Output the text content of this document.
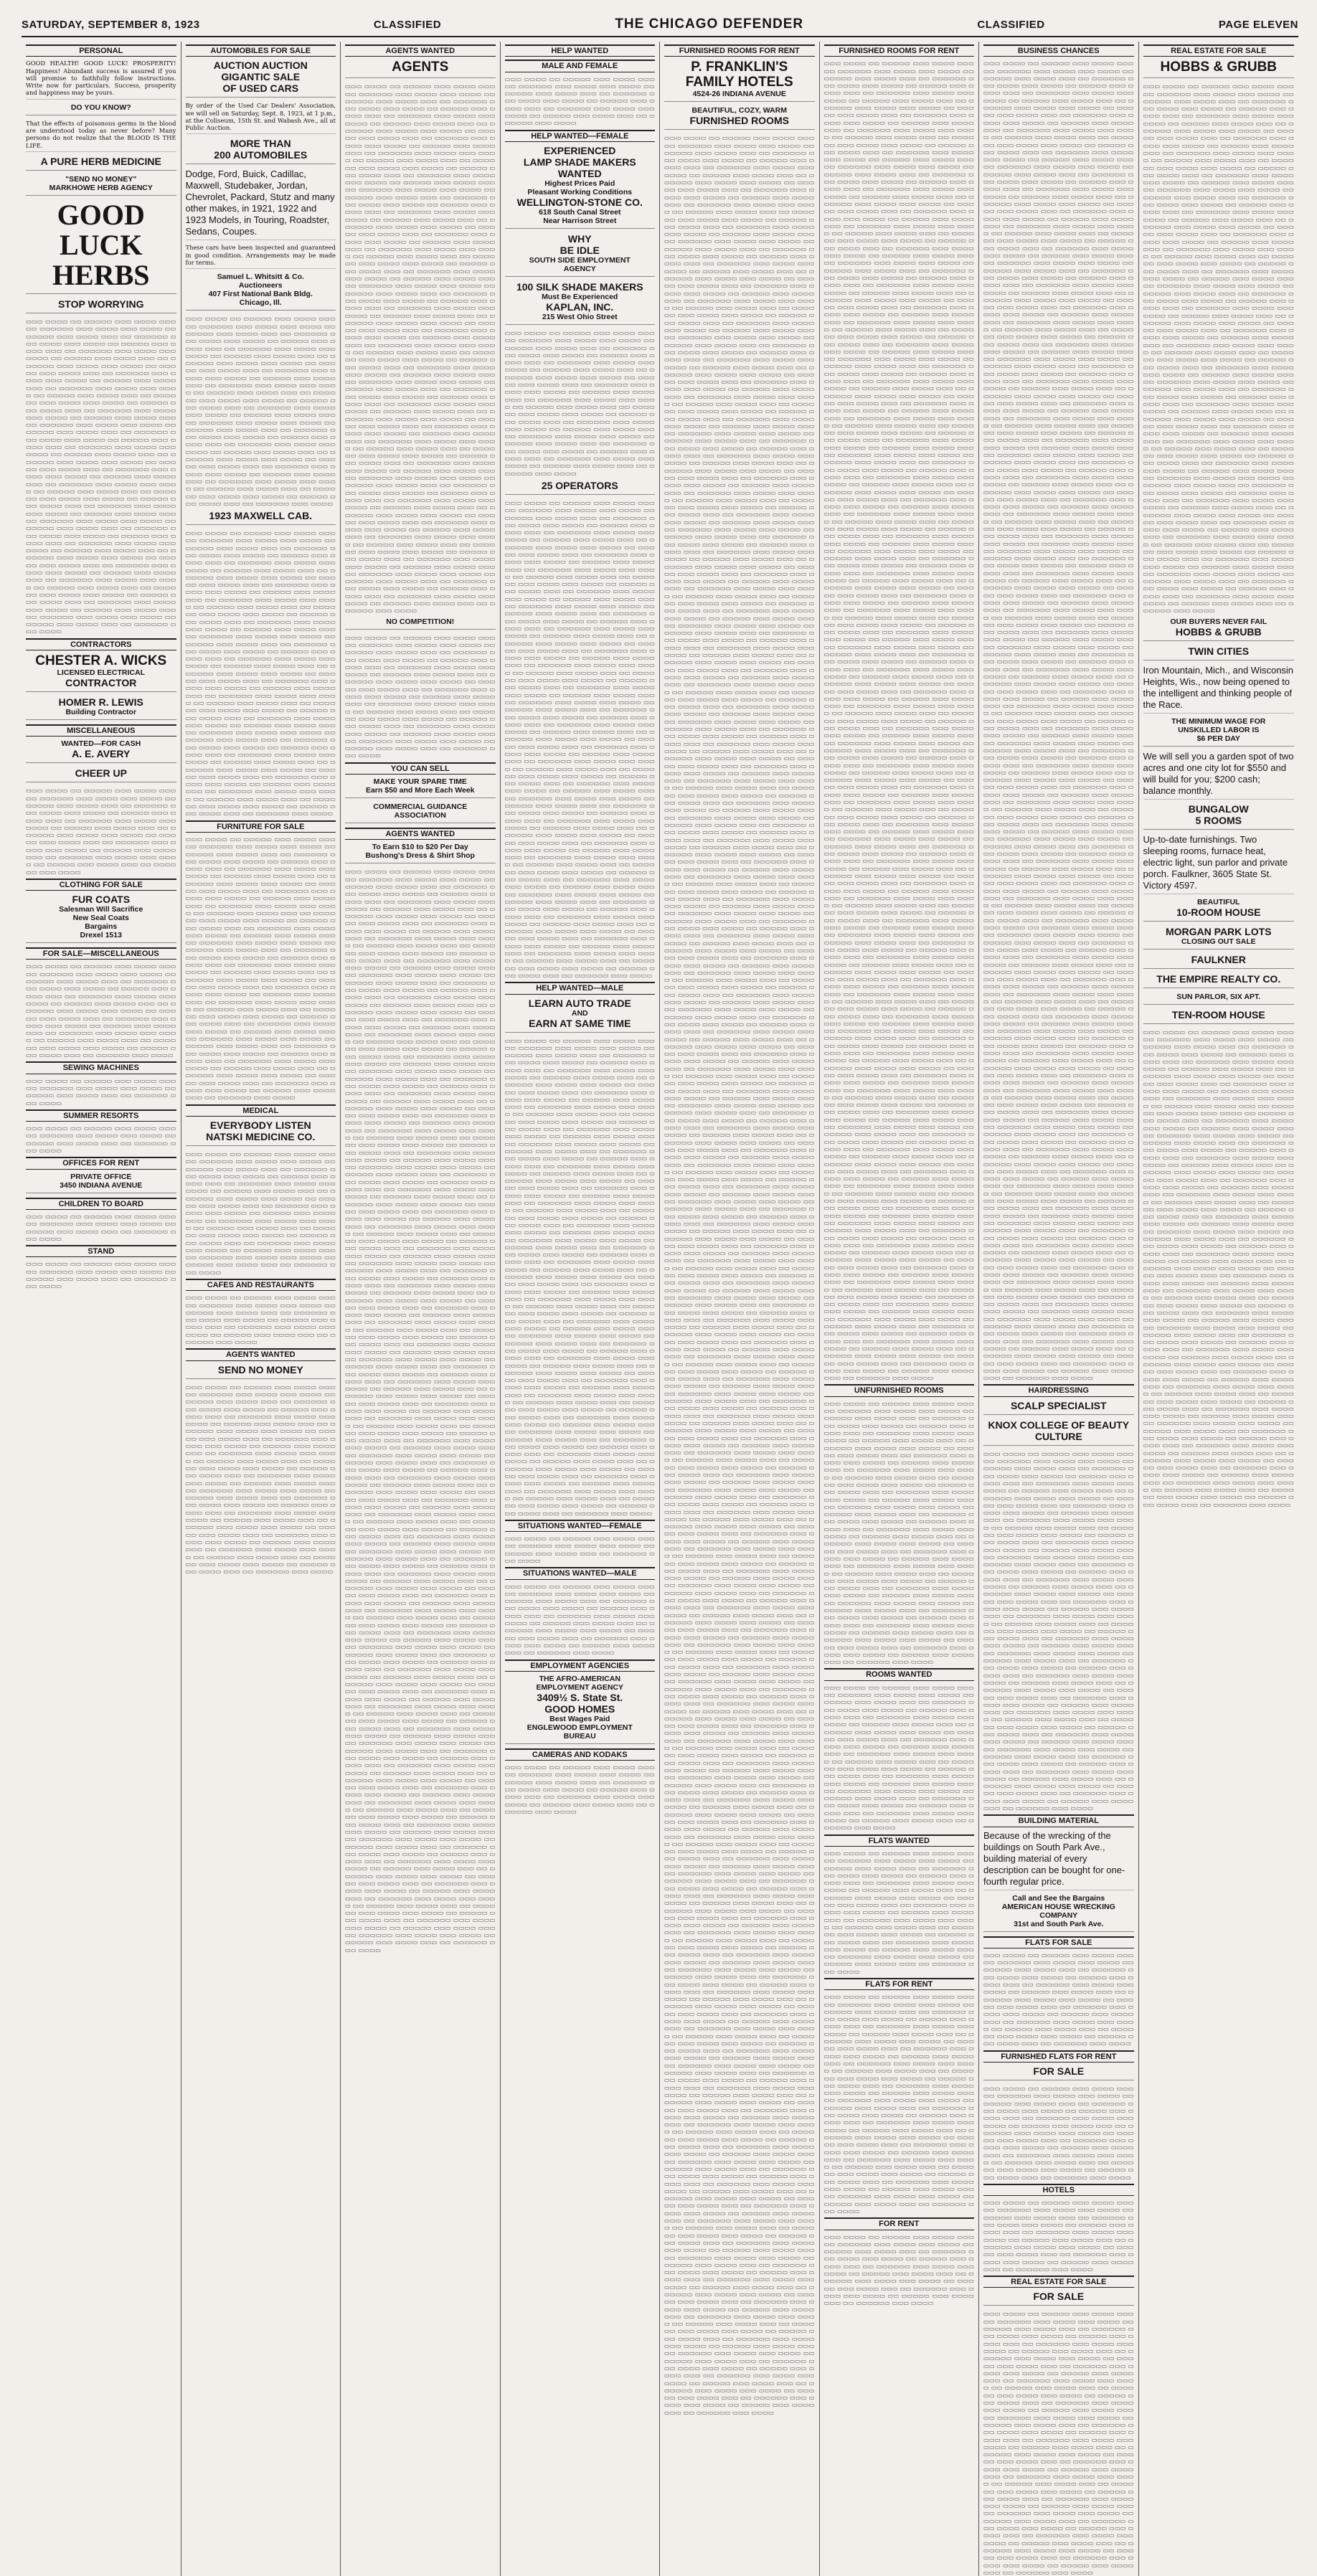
SATURDAY, SEPTEMBER 8, 1923	CLASSIFIED	THE CHICAGO DEFENDER	CLASSIFIED	PAGE ELEVEN
PERSONAL
GOOD HEALTH! GOOD LUCK! PROSPERITY! Happiness! Abundant success is assured if you will promise to faithfully follow instructions. Write now for particulars. Success, prosperity and happiness may be yours.
DO YOU KNOW?
That the effects of poisonous germs in the blood are understood today as never before? Many persons do not realize that the BLOOD IS THE LIFE.
A PURE HERB MEDICINE
"SEND NO MONEY"
MARKHOWE HERB AGENCY
GOOD LUCK
HERBS
STOP WORRYING
▭▭▭ ▭▭▭▭ ▭▭ ▭▭▭▭▭ ▭▭▭ ▭▭▭▭ ▭▭▭ ▭▭ ▭▭▭▭▭▭ ▭▭▭ ▭▭▭▭ ▭▭▭ ▭▭▭▭ ▭▭ ▭▭▭▭▭ ▭▭▭ ▭▭▭▭ ▭▭▭ ▭▭ ▭▭▭▭▭▭ ▭▭▭ ▭▭▭▭ ▭▭▭ ▭▭▭▭ ▭▭ ▭▭▭▭▭ ▭▭▭ ▭▭▭▭ ▭▭▭ ▭▭ ▭▭▭▭▭▭ ▭▭▭ ▭▭▭▭ ▭▭▭ ▭▭▭▭ ▭▭ ▭▭▭▭▭ ▭▭▭ ▭▭▭▭ ▭▭▭ ▭▭ ▭▭▭▭▭▭ ▭▭▭ ▭▭▭▭ ▭▭▭ ▭▭▭▭ ▭▭ ▭▭▭▭▭ ▭▭▭ ▭▭▭▭ ▭▭▭ ▭▭ ▭▭▭▭▭▭ ▭▭▭ ▭▭▭▭ ▭▭▭ ▭▭▭▭ ▭▭ ▭▭▭▭▭ ▭▭▭ ▭▭▭▭ ▭▭▭ ▭▭ ▭▭▭▭▭▭ ▭▭▭ ▭▭▭▭ ▭▭▭ ▭▭▭▭ ▭▭ ▭▭▭▭▭ ▭▭▭ ▭▭▭▭ ▭▭▭ ▭▭ ▭▭▭▭▭▭ ▭▭▭ ▭▭▭▭ ▭▭▭ ▭▭▭▭ ▭▭ ▭▭▭▭▭ ▭▭▭ ▭▭▭▭ ▭▭▭ ▭▭ ▭▭▭▭▭▭ ▭▭▭ ▭▭▭▭ ▭▭▭ ▭▭▭▭ ▭▭ ▭▭▭▭▭ ▭▭▭ ▭▭▭▭ ▭▭▭ ▭▭ ▭▭▭▭▭▭ ▭▭▭ ▭▭▭▭ ▭▭▭ ▭▭▭▭ ▭▭ ▭▭▭▭▭ ▭▭▭ ▭▭▭▭ ▭▭▭ ▭▭ ▭▭▭▭▭▭ ▭▭▭ ▭▭▭▭ ▭▭▭ ▭▭▭▭ ▭▭ ▭▭▭▭▭ ▭▭▭ ▭▭▭▭ ▭▭▭ ▭▭ ▭▭▭▭▭▭ ▭▭▭ ▭▭▭▭ ▭▭▭ ▭▭▭▭ ▭▭ ▭▭▭▭▭ ▭▭▭ ▭▭▭▭ ▭▭▭ ▭▭ ▭▭▭▭▭▭ ▭▭▭ ▭▭▭▭ ▭▭▭ ▭▭▭▭ ▭▭ ▭▭▭▭▭ ▭▭▭ ▭▭▭▭ ▭▭▭ ▭▭ ▭▭▭▭▭▭ ▭▭▭ ▭▭▭▭ ▭▭▭ ▭▭▭▭ ▭▭ ▭▭▭▭▭ ▭▭▭ ▭▭▭▭ ▭▭▭ ▭▭ ▭▭▭▭▭▭ ▭▭▭ ▭▭▭▭ ▭▭▭ ▭▭▭▭ ▭▭ ▭▭▭▭▭ ▭▭▭ ▭▭▭▭ ▭▭▭ ▭▭ ▭▭▭▭▭▭ ▭▭▭ ▭▭▭▭ ▭▭▭ ▭▭▭▭ ▭▭ ▭▭▭▭▭ ▭▭▭ ▭▭▭▭ ▭▭▭ ▭▭ ▭▭▭▭▭▭ ▭▭▭ ▭▭▭▭ ▭▭▭ ▭▭▭▭ ▭▭ ▭▭▭▭▭ ▭▭▭ ▭▭▭▭ ▭▭▭ ▭▭ ▭▭▭▭▭▭ ▭▭▭ ▭▭▭▭ ▭▭▭ ▭▭▭▭ ▭▭ ▭▭▭▭▭ ▭▭▭ ▭▭▭▭ ▭▭▭ ▭▭ ▭▭▭▭▭▭ ▭▭▭ ▭▭▭▭ ▭▭▭ ▭▭▭▭ ▭▭ ▭▭▭▭▭ ▭▭▭ ▭▭▭▭ ▭▭▭ ▭▭ ▭▭▭▭▭▭ ▭▭▭ ▭▭▭▭ ▭▭▭ ▭▭▭▭ ▭▭ ▭▭▭▭▭ ▭▭▭ ▭▭▭▭ ▭▭▭ ▭▭ ▭▭▭▭▭▭ ▭▭▭ ▭▭▭▭ ▭▭▭ ▭▭▭▭ ▭▭ ▭▭▭▭▭ ▭▭▭ ▭▭▭▭ ▭▭▭ ▭▭ ▭▭▭▭▭▭ ▭▭▭ ▭▭▭▭ ▭▭▭ ▭▭▭▭ ▭▭ ▭▭▭▭▭ ▭▭▭ ▭▭▭▭ ▭▭▭ ▭▭ ▭▭▭▭▭▭ ▭▭▭ ▭▭▭▭ ▭▭▭ ▭▭▭▭ ▭▭ ▭▭▭▭▭ ▭▭▭ ▭▭▭▭ ▭▭▭ ▭▭ ▭▭▭▭▭▭ ▭▭▭ ▭▭▭▭ ▭▭▭ ▭▭▭▭ ▭▭ ▭▭▭▭▭ ▭▭▭ ▭▭▭▭ ▭▭▭ ▭▭ ▭▭▭▭▭▭ ▭▭▭ ▭▭▭▭ ▭▭▭ ▭▭▭▭ ▭▭ ▭▭▭▭▭ ▭▭▭ ▭▭▭▭ ▭▭▭ ▭▭ ▭▭▭▭▭▭ ▭▭▭ ▭▭▭▭ ▭▭▭ ▭▭▭▭ ▭▭ ▭▭▭▭▭ ▭▭▭ ▭▭▭▭ ▭▭▭ ▭▭ ▭▭▭▭▭▭ ▭▭▭ ▭▭▭▭
CONTRACTORS
CHESTER A. WICKS
LICENSED ELECTRICAL
CONTRACTOR
HOMER R. LEWIS
Building Contractor
MISCELLANEOUS
WANTED—FOR CASH
A. E. AVERY
CHEER UP
▭▭▭ ▭▭▭▭ ▭▭ ▭▭▭▭▭ ▭▭▭ ▭▭▭▭ ▭▭▭ ▭▭ ▭▭▭▭▭▭ ▭▭▭ ▭▭▭▭ ▭▭▭ ▭▭▭▭ ▭▭ ▭▭▭▭▭ ▭▭▭ ▭▭▭▭ ▭▭▭ ▭▭ ▭▭▭▭▭▭ ▭▭▭ ▭▭▭▭ ▭▭▭ ▭▭▭▭ ▭▭ ▭▭▭▭▭ ▭▭▭ ▭▭▭▭ ▭▭▭ ▭▭ ▭▭▭▭▭▭ ▭▭▭ ▭▭▭▭ ▭▭▭ ▭▭▭▭ ▭▭ ▭▭▭▭▭ ▭▭▭ ▭▭▭▭ ▭▭▭ ▭▭ ▭▭▭▭▭▭ ▭▭▭ ▭▭▭▭ ▭▭▭ ▭▭▭▭ ▭▭ ▭▭▭▭▭ ▭▭▭ ▭▭▭▭ ▭▭▭ ▭▭ ▭▭▭▭▭▭ ▭▭▭ ▭▭▭▭ ▭▭▭ ▭▭▭▭ ▭▭ ▭▭▭▭▭ ▭▭▭ ▭▭▭▭ ▭▭▭ ▭▭ ▭▭▭▭▭▭ ▭▭▭ ▭▭▭▭ ▭▭▭ ▭▭▭▭ ▭▭ ▭▭▭▭▭ ▭▭▭ ▭▭▭▭ ▭▭▭ ▭▭ ▭▭▭▭▭▭ ▭▭▭ ▭▭▭▭
CLOTHING FOR SALE
FUR COATS
Salesman Will Sacrifice
New Seal Coats
Bargains
Drexel 1513
FOR SALE—MISCELLANEOUS
▭▭▭ ▭▭▭▭ ▭▭ ▭▭▭▭▭ ▭▭▭ ▭▭▭▭ ▭▭▭ ▭▭ ▭▭▭▭▭▭ ▭▭▭ ▭▭▭▭ ▭▭▭ ▭▭▭▭ ▭▭ ▭▭▭▭▭ ▭▭▭ ▭▭▭▭ ▭▭▭ ▭▭ ▭▭▭▭▭▭ ▭▭▭ ▭▭▭▭ ▭▭▭ ▭▭▭▭ ▭▭ ▭▭▭▭▭ ▭▭▭ ▭▭▭▭ ▭▭▭ ▭▭ ▭▭▭▭▭▭ ▭▭▭ ▭▭▭▭ ▭▭▭ ▭▭▭▭ ▭▭ ▭▭▭▭▭ ▭▭▭ ▭▭▭▭ ▭▭▭ ▭▭ ▭▭▭▭▭▭ ▭▭▭ ▭▭▭▭ ▭▭▭ ▭▭▭▭ ▭▭ ▭▭▭▭▭ ▭▭▭ ▭▭▭▭ ▭▭▭ ▭▭ ▭▭▭▭▭▭ ▭▭▭ ▭▭▭▭ ▭▭▭ ▭▭▭▭ ▭▭ ▭▭▭▭▭ ▭▭▭ ▭▭▭▭ ▭▭▭ ▭▭ ▭▭▭▭▭▭ ▭▭▭ ▭▭▭▭ ▭▭▭ ▭▭▭▭ ▭▭ ▭▭▭▭▭ ▭▭▭ ▭▭▭▭ ▭▭▭ ▭▭ ▭▭▭▭▭▭ ▭▭▭ ▭▭▭▭ ▭▭▭ ▭▭▭▭ ▭▭ ▭▭▭▭▭ ▭▭▭ ▭▭▭▭ ▭▭▭ ▭▭ ▭▭▭▭▭▭ ▭▭▭ ▭▭▭▭
SEWING MACHINES
▭▭▭ ▭▭▭▭ ▭▭ ▭▭▭▭▭ ▭▭▭ ▭▭▭▭ ▭▭▭ ▭▭ ▭▭▭▭▭▭ ▭▭▭ ▭▭▭▭ ▭▭▭ ▭▭▭▭ ▭▭ ▭▭▭▭▭ ▭▭▭ ▭▭▭▭ ▭▭▭ ▭▭ ▭▭▭▭▭▭ ▭▭▭ ▭▭▭▭
SUMMER RESORTS
▭▭▭ ▭▭▭▭ ▭▭ ▭▭▭▭▭ ▭▭▭ ▭▭▭▭ ▭▭▭ ▭▭ ▭▭▭▭▭▭ ▭▭▭ ▭▭▭▭ ▭▭▭ ▭▭▭▭ ▭▭ ▭▭▭▭▭ ▭▭▭ ▭▭▭▭ ▭▭▭ ▭▭ ▭▭▭▭▭▭ ▭▭▭ ▭▭▭▭
OFFICES FOR RENT
PRIVATE OFFICE
3450 INDIANA AVENUE
CHILDREN TO BOARD
▭▭▭ ▭▭▭▭ ▭▭ ▭▭▭▭▭ ▭▭▭ ▭▭▭▭ ▭▭▭ ▭▭ ▭▭▭▭▭▭ ▭▭▭ ▭▭▭▭ ▭▭▭ ▭▭▭▭ ▭▭ ▭▭▭▭▭ ▭▭▭ ▭▭▭▭ ▭▭▭ ▭▭ ▭▭▭▭▭▭ ▭▭▭ ▭▭▭▭
STAND
▭▭▭ ▭▭▭▭ ▭▭ ▭▭▭▭▭ ▭▭▭ ▭▭▭▭ ▭▭▭ ▭▭ ▭▭▭▭▭▭ ▭▭▭ ▭▭▭▭ ▭▭▭ ▭▭▭▭ ▭▭ ▭▭▭▭▭ ▭▭▭ ▭▭▭▭ ▭▭▭ ▭▭ ▭▭▭▭▭▭ ▭▭▭ ▭▭▭▭
AUTOMOBILES FOR SALE
AUCTION AUCTION
GIGANTIC SALE
OF USED CARS
By order of the Used Car Dealers' Association, we will sell on Saturday, Sept. 8, 1923, at 1 p.m., at the Coliseum, 15th St. and Wabash Ave., all at Public Auction.
MORE THAN
200 AUTOMOBILES
Dodge, Ford, Buick, Cadillac, Maxwell, Studebaker, Jordan, Chevrolet, Packard, Stutz and many other makes, in 1921, 1922 and 1923 Models, in Touring, Roadster, Sedans, Coupes.
These cars have been inspected and guaranteed in good condition. Arrangements may be made for terms.
Samuel L. Whitsitt & Co.
Auctioneers
407 First National Bank Bldg.
Chicago, Ill.
▭▭▭ ▭▭▭▭ ▭▭ ▭▭▭▭▭ ▭▭▭ ▭▭▭▭ ▭▭▭ ▭▭ ▭▭▭▭▭▭ ▭▭▭ ▭▭▭▭ ▭▭▭ ▭▭▭▭ ▭▭ ▭▭▭▭▭ ▭▭▭ ▭▭▭▭ ▭▭▭ ▭▭ ▭▭▭▭▭▭ ▭▭▭ ▭▭▭▭ ▭▭▭ ▭▭▭▭ ▭▭ ▭▭▭▭▭ ▭▭▭ ▭▭▭▭ ▭▭▭ ▭▭ ▭▭▭▭▭▭ ▭▭▭ ▭▭▭▭ ▭▭▭ ▭▭▭▭ ▭▭ ▭▭▭▭▭ ▭▭▭ ▭▭▭▭ ▭▭▭ ▭▭ ▭▭▭▭▭▭ ▭▭▭ ▭▭▭▭ ▭▭▭ ▭▭▭▭ ▭▭ ▭▭▭▭▭ ▭▭▭ ▭▭▭▭ ▭▭▭ ▭▭ ▭▭▭▭▭▭ ▭▭▭ ▭▭▭▭ ▭▭▭ ▭▭▭▭ ▭▭ ▭▭▭▭▭ ▭▭▭ ▭▭▭▭ ▭▭▭ ▭▭ ▭▭▭▭▭▭ ▭▭▭ ▭▭▭▭ ▭▭▭ ▭▭▭▭ ▭▭ ▭▭▭▭▭ ▭▭▭ ▭▭▭▭ ▭▭▭ ▭▭ ▭▭▭▭▭▭ ▭▭▭ ▭▭▭▭ ▭▭▭ ▭▭▭▭ ▭▭ ▭▭▭▭▭ ▭▭▭ ▭▭▭▭ ▭▭▭ ▭▭ ▭▭▭▭▭▭ ▭▭▭ ▭▭▭▭ ▭▭▭ ▭▭▭▭ ▭▭ ▭▭▭▭▭ ▭▭▭ ▭▭▭▭ ▭▭▭ ▭▭ ▭▭▭▭▭▭ ▭▭▭ ▭▭▭▭ ▭▭▭ ▭▭▭▭ ▭▭ ▭▭▭▭▭ ▭▭▭ ▭▭▭▭ ▭▭▭ ▭▭ ▭▭▭▭▭▭ ▭▭▭ ▭▭▭▭ ▭▭▭ ▭▭▭▭ ▭▭ ▭▭▭▭▭ ▭▭▭ ▭▭▭▭ ▭▭▭ ▭▭ ▭▭▭▭▭▭ ▭▭▭ ▭▭▭▭ ▭▭▭ ▭▭▭▭ ▭▭ ▭▭▭▭▭ ▭▭▭ ▭▭▭▭ ▭▭▭ ▭▭ ▭▭▭▭▭▭ ▭▭▭ ▭▭▭▭ ▭▭▭ ▭▭▭▭ ▭▭ ▭▭▭▭▭ ▭▭▭ ▭▭▭▭ ▭▭▭ ▭▭ ▭▭▭▭▭▭ ▭▭▭ ▭▭▭▭ ▭▭▭ ▭▭▭▭ ▭▭ ▭▭▭▭▭ ▭▭▭ ▭▭▭▭ ▭▭▭ ▭▭ ▭▭▭▭▭▭ ▭▭▭ ▭▭▭▭ ▭▭▭ ▭▭▭▭ ▭▭ ▭▭▭▭▭ ▭▭▭ ▭▭▭▭ ▭▭▭ ▭▭ ▭▭▭▭▭▭ ▭▭▭ ▭▭▭▭ ▭▭▭ ▭▭▭▭ ▭▭ ▭▭▭▭▭ ▭▭▭ ▭▭▭▭ ▭▭▭ ▭▭ ▭▭▭▭▭▭ ▭▭▭ ▭▭▭▭
1923 MAXWELL CAB.
▭▭▭ ▭▭▭▭ ▭▭ ▭▭▭▭▭ ▭▭▭ ▭▭▭▭ ▭▭▭ ▭▭ ▭▭▭▭▭▭ ▭▭▭ ▭▭▭▭ ▭▭▭ ▭▭▭▭ ▭▭ ▭▭▭▭▭ ▭▭▭ ▭▭▭▭ ▭▭▭ ▭▭ ▭▭▭▭▭▭ ▭▭▭ ▭▭▭▭ ▭▭▭ ▭▭▭▭ ▭▭ ▭▭▭▭▭ ▭▭▭ ▭▭▭▭ ▭▭▭ ▭▭ ▭▭▭▭▭▭ ▭▭▭ ▭▭▭▭ ▭▭▭ ▭▭▭▭ ▭▭ ▭▭▭▭▭ ▭▭▭ ▭▭▭▭ ▭▭▭ ▭▭ ▭▭▭▭▭▭ ▭▭▭ ▭▭▭▭ ▭▭▭ ▭▭▭▭ ▭▭ ▭▭▭▭▭ ▭▭▭ ▭▭▭▭ ▭▭▭ ▭▭ ▭▭▭▭▭▭ ▭▭▭ ▭▭▭▭ ▭▭▭ ▭▭▭▭ ▭▭ ▭▭▭▭▭ ▭▭▭ ▭▭▭▭ ▭▭▭ ▭▭ ▭▭▭▭▭▭ ▭▭▭ ▭▭▭▭ ▭▭▭ ▭▭▭▭ ▭▭ ▭▭▭▭▭ ▭▭▭ ▭▭▭▭ ▭▭▭ ▭▭ ▭▭▭▭▭▭ ▭▭▭ ▭▭▭▭ ▭▭▭ ▭▭▭▭ ▭▭ ▭▭▭▭▭ ▭▭▭ ▭▭▭▭ ▭▭▭ ▭▭ ▭▭▭▭▭▭ ▭▭▭ ▭▭▭▭ ▭▭▭ ▭▭▭▭ ▭▭ ▭▭▭▭▭ ▭▭▭ ▭▭▭▭ ▭▭▭ ▭▭ ▭▭▭▭▭▭ ▭▭▭ ▭▭▭▭ ▭▭▭ ▭▭▭▭ ▭▭ ▭▭▭▭▭ ▭▭▭ ▭▭▭▭ ▭▭▭ ▭▭ ▭▭▭▭▭▭ ▭▭▭ ▭▭▭▭ ▭▭▭ ▭▭▭▭ ▭▭ ▭▭▭▭▭ ▭▭▭ ▭▭▭▭ ▭▭▭ ▭▭ ▭▭▭▭▭▭ ▭▭▭ ▭▭▭▭ ▭▭▭ ▭▭▭▭ ▭▭ ▭▭▭▭▭ ▭▭▭ ▭▭▭▭ ▭▭▭ ▭▭ ▭▭▭▭▭▭ ▭▭▭ ▭▭▭▭ ▭▭▭ ▭▭▭▭ ▭▭ ▭▭▭▭▭ ▭▭▭ ▭▭▭▭ ▭▭▭ ▭▭ ▭▭▭▭▭▭ ▭▭▭ ▭▭▭▭ ▭▭▭ ▭▭▭▭ ▭▭ ▭▭▭▭▭ ▭▭▭ ▭▭▭▭ ▭▭▭ ▭▭ ▭▭▭▭▭▭ ▭▭▭ ▭▭▭▭ ▭▭▭ ▭▭▭▭ ▭▭ ▭▭▭▭▭ ▭▭▭ ▭▭▭▭ ▭▭▭ ▭▭ ▭▭▭▭▭▭ ▭▭▭ ▭▭▭▭ ▭▭▭ ▭▭▭▭ ▭▭ ▭▭▭▭▭ ▭▭▭ ▭▭▭▭ ▭▭▭ ▭▭ ▭▭▭▭▭▭ ▭▭▭ ▭▭▭▭ ▭▭▭ ▭▭▭▭ ▭▭ ▭▭▭▭▭ ▭▭▭ ▭▭▭▭ ▭▭▭ ▭▭ ▭▭▭▭▭▭ ▭▭▭ ▭▭▭▭ ▭▭▭ ▭▭▭▭ ▭▭ ▭▭▭▭▭ ▭▭▭ ▭▭▭▭ ▭▭▭ ▭▭ ▭▭▭▭▭▭ ▭▭▭ ▭▭▭▭ ▭▭▭ ▭▭▭▭ ▭▭ ▭▭▭▭▭ ▭▭▭ ▭▭▭▭ ▭▭▭ ▭▭ ▭▭▭▭▭▭ ▭▭▭ ▭▭▭▭ ▭▭▭ ▭▭▭▭ ▭▭ ▭▭▭▭▭ ▭▭▭ ▭▭▭▭ ▭▭▭ ▭▭ ▭▭▭▭▭▭ ▭▭▭ ▭▭▭▭ ▭▭▭ ▭▭▭▭ ▭▭ ▭▭▭▭▭ ▭▭▭ ▭▭▭▭ ▭▭▭ ▭▭ ▭▭▭▭▭▭ ▭▭▭ ▭▭▭▭ ▭▭▭ ▭▭▭▭ ▭▭ ▭▭▭▭▭ ▭▭▭ ▭▭▭▭ ▭▭▭ ▭▭ ▭▭▭▭▭▭ ▭▭▭ ▭▭▭▭ ▭▭▭ ▭▭▭▭ ▭▭ ▭▭▭▭▭ ▭▭▭ ▭▭▭▭ ▭▭▭ ▭▭ ▭▭▭▭▭▭ ▭▭▭ ▭▭▭▭ ▭▭▭ ▭▭▭▭ ▭▭ ▭▭▭▭▭ ▭▭▭ ▭▭▭▭ ▭▭▭ ▭▭ ▭▭▭▭▭▭ ▭▭▭ ▭▭▭▭
FURNITURE FOR SALE
▭▭▭ ▭▭▭▭ ▭▭ ▭▭▭▭▭ ▭▭▭ ▭▭▭▭ ▭▭▭ ▭▭ ▭▭▭▭▭▭ ▭▭▭ ▭▭▭▭ ▭▭▭ ▭▭▭▭ ▭▭ ▭▭▭▭▭ ▭▭▭ ▭▭▭▭ ▭▭▭ ▭▭ ▭▭▭▭▭▭ ▭▭▭ ▭▭▭▭ ▭▭▭ ▭▭▭▭ ▭▭ ▭▭▭▭▭ ▭▭▭ ▭▭▭▭ ▭▭▭ ▭▭ ▭▭▭▭▭▭ ▭▭▭ ▭▭▭▭ ▭▭▭ ▭▭▭▭ ▭▭ ▭▭▭▭▭ ▭▭▭ ▭▭▭▭ ▭▭▭ ▭▭ ▭▭▭▭▭▭ ▭▭▭ ▭▭▭▭ ▭▭▭ ▭▭▭▭ ▭▭ ▭▭▭▭▭ ▭▭▭ ▭▭▭▭ ▭▭▭ ▭▭ ▭▭▭▭▭▭ ▭▭▭ ▭▭▭▭ ▭▭▭ ▭▭▭▭ ▭▭ ▭▭▭▭▭ ▭▭▭ ▭▭▭▭ ▭▭▭ ▭▭ ▭▭▭▭▭▭ ▭▭▭ ▭▭▭▭ ▭▭▭ ▭▭▭▭ ▭▭ ▭▭▭▭▭ ▭▭▭ ▭▭▭▭ ▭▭▭ ▭▭ ▭▭▭▭▭▭ ▭▭▭ ▭▭▭▭ ▭▭▭ ▭▭▭▭ ▭▭ ▭▭▭▭▭ ▭▭▭ ▭▭▭▭ ▭▭▭ ▭▭ ▭▭▭▭▭▭ ▭▭▭ ▭▭▭▭ ▭▭▭ ▭▭▭▭ ▭▭ ▭▭▭▭▭ ▭▭▭ ▭▭▭▭ ▭▭▭ ▭▭ ▭▭▭▭▭▭ ▭▭▭ ▭▭▭▭ ▭▭▭ ▭▭▭▭ ▭▭ ▭▭▭▭▭ ▭▭▭ ▭▭▭▭ ▭▭▭ ▭▭ ▭▭▭▭▭▭ ▭▭▭ ▭▭▭▭ ▭▭▭ ▭▭▭▭ ▭▭ ▭▭▭▭▭ ▭▭▭ ▭▭▭▭ ▭▭▭ ▭▭ ▭▭▭▭▭▭ ▭▭▭ ▭▭▭▭ ▭▭▭ ▭▭▭▭ ▭▭ ▭▭▭▭▭ ▭▭▭ ▭▭▭▭ ▭▭▭ ▭▭ ▭▭▭▭▭▭ ▭▭▭ ▭▭▭▭ ▭▭▭ ▭▭▭▭ ▭▭ ▭▭▭▭▭ ▭▭▭ ▭▭▭▭ ▭▭▭ ▭▭ ▭▭▭▭▭▭ ▭▭▭ ▭▭▭▭ ▭▭▭ ▭▭▭▭ ▭▭ ▭▭▭▭▭ ▭▭▭ ▭▭▭▭ ▭▭▭ ▭▭ ▭▭▭▭▭▭ ▭▭▭ ▭▭▭▭ ▭▭▭ ▭▭▭▭ ▭▭ ▭▭▭▭▭ ▭▭▭ ▭▭▭▭ ▭▭▭ ▭▭ ▭▭▭▭▭▭ ▭▭▭ ▭▭▭▭ ▭▭▭ ▭▭▭▭ ▭▭ ▭▭▭▭▭ ▭▭▭ ▭▭▭▭ ▭▭▭ ▭▭ ▭▭▭▭▭▭ ▭▭▭ ▭▭▭▭ ▭▭▭ ▭▭▭▭ ▭▭ ▭▭▭▭▭ ▭▭▭ ▭▭▭▭ ▭▭▭ ▭▭ ▭▭▭▭▭▭ ▭▭▭ ▭▭▭▭ ▭▭▭ ▭▭▭▭ ▭▭ ▭▭▭▭▭ ▭▭▭ ▭▭▭▭ ▭▭▭ ▭▭ ▭▭▭▭▭▭ ▭▭▭ ▭▭▭▭ ▭▭▭ ▭▭▭▭ ▭▭ ▭▭▭▭▭ ▭▭▭ ▭▭▭▭ ▭▭▭ ▭▭ ▭▭▭▭▭▭ ▭▭▭ ▭▭▭▭ ▭▭▭ ▭▭▭▭ ▭▭ ▭▭▭▭▭ ▭▭▭ ▭▭▭▭ ▭▭▭ ▭▭ ▭▭▭▭▭▭ ▭▭▭ ▭▭▭▭ ▭▭▭ ▭▭▭▭ ▭▭ ▭▭▭▭▭ ▭▭▭ ▭▭▭▭ ▭▭▭ ▭▭ ▭▭▭▭▭▭ ▭▭▭ ▭▭▭▭ ▭▭▭ ▭▭▭▭ ▭▭ ▭▭▭▭▭ ▭▭▭ ▭▭▭▭ ▭▭▭ ▭▭ ▭▭▭▭▭▭ ▭▭▭ ▭▭▭▭
MEDICAL
EVERYBODY LISTEN
NATSKI MEDICINE CO.
▭▭▭ ▭▭▭▭ ▭▭ ▭▭▭▭▭ ▭▭▭ ▭▭▭▭ ▭▭▭ ▭▭ ▭▭▭▭▭▭ ▭▭▭ ▭▭▭▭ ▭▭▭ ▭▭▭▭ ▭▭ ▭▭▭▭▭ ▭▭▭ ▭▭▭▭ ▭▭▭ ▭▭ ▭▭▭▭▭▭ ▭▭▭ ▭▭▭▭ ▭▭▭ ▭▭▭▭ ▭▭ ▭▭▭▭▭ ▭▭▭ ▭▭▭▭ ▭▭▭ ▭▭ ▭▭▭▭▭▭ ▭▭▭ ▭▭▭▭ ▭▭▭ ▭▭▭▭ ▭▭ ▭▭▭▭▭ ▭▭▭ ▭▭▭▭ ▭▭▭ ▭▭ ▭▭▭▭▭▭ ▭▭▭ ▭▭▭▭ ▭▭▭ ▭▭▭▭ ▭▭ ▭▭▭▭▭ ▭▭▭ ▭▭▭▭ ▭▭▭ ▭▭ ▭▭▭▭▭▭ ▭▭▭ ▭▭▭▭ ▭▭▭ ▭▭▭▭ ▭▭ ▭▭▭▭▭ ▭▭▭ ▭▭▭▭ ▭▭▭ ▭▭ ▭▭▭▭▭▭ ▭▭▭ ▭▭▭▭ ▭▭▭ ▭▭▭▭ ▭▭ ▭▭▭▭▭ ▭▭▭ ▭▭▭▭ ▭▭▭ ▭▭ ▭▭▭▭▭▭ ▭▭▭ ▭▭▭▭ ▭▭▭ ▭▭▭▭ ▭▭ ▭▭▭▭▭ ▭▭▭ ▭▭▭▭ ▭▭▭ ▭▭ ▭▭▭▭▭▭ ▭▭▭ ▭▭▭▭ ▭▭▭ ▭▭▭▭ ▭▭ ▭▭▭▭▭ ▭▭▭ ▭▭▭▭ ▭▭▭ ▭▭ ▭▭▭▭▭▭ ▭▭▭ ▭▭▭▭ ▭▭▭ ▭▭▭▭ ▭▭ ▭▭▭▭▭ ▭▭▭ ▭▭▭▭ ▭▭▭ ▭▭ ▭▭▭▭▭▭ ▭▭▭ ▭▭▭▭
CAFES AND RESTAURANTS
▭▭▭ ▭▭▭▭ ▭▭ ▭▭▭▭▭ ▭▭▭ ▭▭▭▭ ▭▭▭ ▭▭ ▭▭▭▭▭▭ ▭▭▭ ▭▭▭▭ ▭▭▭ ▭▭▭▭ ▭▭ ▭▭▭▭▭ ▭▭▭ ▭▭▭▭ ▭▭▭ ▭▭ ▭▭▭▭▭▭ ▭▭▭ ▭▭▭▭ ▭▭▭ ▭▭▭▭ ▭▭ ▭▭▭▭▭ ▭▭▭ ▭▭▭▭ ▭▭▭ ▭▭ ▭▭▭▭▭▭ ▭▭▭ ▭▭▭▭ ▭▭▭ ▭▭▭▭ ▭▭ ▭▭▭▭▭ ▭▭▭ ▭▭▭▭ ▭▭▭ ▭▭ ▭▭▭▭▭▭ ▭▭▭ ▭▭▭▭
AGENTS WANTED
SEND NO MONEY
▭▭▭ ▭▭▭▭ ▭▭ ▭▭▭▭▭ ▭▭▭ ▭▭▭▭ ▭▭▭ ▭▭ ▭▭▭▭▭▭ ▭▭▭ ▭▭▭▭ ▭▭▭ ▭▭▭▭ ▭▭ ▭▭▭▭▭ ▭▭▭ ▭▭▭▭ ▭▭▭ ▭▭ ▭▭▭▭▭▭ ▭▭▭ ▭▭▭▭ ▭▭▭ ▭▭▭▭ ▭▭ ▭▭▭▭▭ ▭▭▭ ▭▭▭▭ ▭▭▭ ▭▭ ▭▭▭▭▭▭ ▭▭▭ ▭▭▭▭ ▭▭▭ ▭▭▭▭ ▭▭ ▭▭▭▭▭ ▭▭▭ ▭▭▭▭ ▭▭▭ ▭▭ ▭▭▭▭▭▭ ▭▭▭ ▭▭▭▭ ▭▭▭ ▭▭▭▭ ▭▭ ▭▭▭▭▭ ▭▭▭ ▭▭▭▭ ▭▭▭ ▭▭ ▭▭▭▭▭▭ ▭▭▭ ▭▭▭▭ ▭▭▭ ▭▭▭▭ ▭▭ ▭▭▭▭▭ ▭▭▭ ▭▭▭▭ ▭▭▭ ▭▭ ▭▭▭▭▭▭ ▭▭▭ ▭▭▭▭ ▭▭▭ ▭▭▭▭ ▭▭ ▭▭▭▭▭ ▭▭▭ ▭▭▭▭ ▭▭▭ ▭▭ ▭▭▭▭▭▭ ▭▭▭ ▭▭▭▭ ▭▭▭ ▭▭▭▭ ▭▭ ▭▭▭▭▭ ▭▭▭ ▭▭▭▭ ▭▭▭ ▭▭ ▭▭▭▭▭▭ ▭▭▭ ▭▭▭▭ ▭▭▭ ▭▭▭▭ ▭▭ ▭▭▭▭▭ ▭▭▭ ▭▭▭▭ ▭▭▭ ▭▭ ▭▭▭▭▭▭ ▭▭▭ ▭▭▭▭ ▭▭▭ ▭▭▭▭ ▭▭ ▭▭▭▭▭ ▭▭▭ ▭▭▭▭ ▭▭▭ ▭▭ ▭▭▭▭▭▭ ▭▭▭ ▭▭▭▭ ▭▭▭ ▭▭▭▭ ▭▭ ▭▭▭▭▭ ▭▭▭ ▭▭▭▭ ▭▭▭ ▭▭ ▭▭▭▭▭▭ ▭▭▭ ▭▭▭▭ ▭▭▭ ▭▭▭▭ ▭▭ ▭▭▭▭▭ ▭▭▭ ▭▭▭▭ ▭▭▭ ▭▭ ▭▭▭▭▭▭ ▭▭▭ ▭▭▭▭ ▭▭▭ ▭▭▭▭ ▭▭ ▭▭▭▭▭ ▭▭▭ ▭▭▭▭ ▭▭▭ ▭▭ ▭▭▭▭▭▭ ▭▭▭ ▭▭▭▭ ▭▭▭ ▭▭▭▭ ▭▭ ▭▭▭▭▭ ▭▭▭ ▭▭▭▭ ▭▭▭ ▭▭ ▭▭▭▭▭▭ ▭▭▭ ▭▭▭▭ ▭▭▭ ▭▭▭▭ ▭▭ ▭▭▭▭▭ ▭▭▭ ▭▭▭▭ ▭▭▭ ▭▭ ▭▭▭▭▭▭ ▭▭▭ ▭▭▭▭ ▭▭▭ ▭▭▭▭ ▭▭ ▭▭▭▭▭ ▭▭▭ ▭▭▭▭ ▭▭▭ ▭▭ ▭▭▭▭▭▭ ▭▭▭ ▭▭▭▭
AGENTS WANTED
AGENTS
▭▭▭ ▭▭▭▭ ▭▭ ▭▭▭▭▭ ▭▭▭ ▭▭▭▭ ▭▭▭ ▭▭ ▭▭▭▭▭▭ ▭▭▭ ▭▭▭▭ ▭▭▭ ▭▭▭▭ ▭▭ ▭▭▭▭▭ ▭▭▭ ▭▭▭▭ ▭▭▭ ▭▭ ▭▭▭▭▭▭ ▭▭▭ ▭▭▭▭ ▭▭▭ ▭▭▭▭ ▭▭ ▭▭▭▭▭ ▭▭▭ ▭▭▭▭ ▭▭▭ ▭▭ ▭▭▭▭▭▭ ▭▭▭ ▭▭▭▭ ▭▭▭ ▭▭▭▭ ▭▭ ▭▭▭▭▭ ▭▭▭ ▭▭▭▭ ▭▭▭ ▭▭ ▭▭▭▭▭▭ ▭▭▭ ▭▭▭▭ ▭▭▭ ▭▭▭▭ ▭▭ ▭▭▭▭▭ ▭▭▭ ▭▭▭▭ ▭▭▭ ▭▭ ▭▭▭▭▭▭ ▭▭▭ ▭▭▭▭ ▭▭▭ ▭▭▭▭ ▭▭ ▭▭▭▭▭ ▭▭▭ ▭▭▭▭ ▭▭▭ ▭▭ ▭▭▭▭▭▭ ▭▭▭ ▭▭▭▭ ▭▭▭ ▭▭▭▭ ▭▭ ▭▭▭▭▭ ▭▭▭ ▭▭▭▭ ▭▭▭ ▭▭ ▭▭▭▭▭▭ ▭▭▭ ▭▭▭▭ ▭▭▭ ▭▭▭▭ ▭▭ ▭▭▭▭▭ ▭▭▭ ▭▭▭▭ ▭▭▭ ▭▭ ▭▭▭▭▭▭ ▭▭▭ ▭▭▭▭ ▭▭▭ ▭▭▭▭ ▭▭ ▭▭▭▭▭ ▭▭▭ ▭▭▭▭ ▭▭▭ ▭▭ ▭▭▭▭▭▭ ▭▭▭ ▭▭▭▭ ▭▭▭ ▭▭▭▭ ▭▭ ▭▭▭▭▭ ▭▭▭ ▭▭▭▭ ▭▭▭ ▭▭ ▭▭▭▭▭▭ ▭▭▭ ▭▭▭▭ ▭▭▭ ▭▭▭▭ ▭▭ ▭▭▭▭▭ ▭▭▭ ▭▭▭▭ ▭▭▭ ▭▭ ▭▭▭▭▭▭ ▭▭▭ ▭▭▭▭ ▭▭▭ ▭▭▭▭ ▭▭ ▭▭▭▭▭ ▭▭▭ ▭▭▭▭ ▭▭▭ ▭▭ ▭▭▭▭▭▭ ▭▭▭ ▭▭▭▭ ▭▭▭ ▭▭▭▭ ▭▭ ▭▭▭▭▭ ▭▭▭ ▭▭▭▭ ▭▭▭ ▭▭ ▭▭▭▭▭▭ ▭▭▭ ▭▭▭▭ ▭▭▭ ▭▭▭▭ ▭▭ ▭▭▭▭▭ ▭▭▭ ▭▭▭▭ ▭▭▭ ▭▭ ▭▭▭▭▭▭ ▭▭▭ ▭▭▭▭ ▭▭▭ ▭▭▭▭ ▭▭ ▭▭▭▭▭ ▭▭▭ ▭▭▭▭ ▭▭▭ ▭▭ ▭▭▭▭▭▭ ▭▭▭ ▭▭▭▭ ▭▭▭ ▭▭▭▭ ▭▭ ▭▭▭▭▭ ▭▭▭ ▭▭▭▭ ▭▭▭ ▭▭ ▭▭▭▭▭▭ ▭▭▭ ▭▭▭▭ ▭▭▭ ▭▭▭▭ ▭▭ ▭▭▭▭▭ ▭▭▭ ▭▭▭▭ ▭▭▭ ▭▭ ▭▭▭▭▭▭ ▭▭▭ ▭▭▭▭ ▭▭▭ ▭▭▭▭ ▭▭ ▭▭▭▭▭ ▭▭▭ ▭▭▭▭ ▭▭▭ ▭▭ ▭▭▭▭▭▭ ▭▭▭ ▭▭▭▭ ▭▭▭ ▭▭▭▭ ▭▭ ▭▭▭▭▭ ▭▭▭ ▭▭▭▭ ▭▭▭ ▭▭ ▭▭▭▭▭▭ ▭▭▭ ▭▭▭▭ ▭▭▭ ▭▭▭▭ ▭▭ ▭▭▭▭▭ ▭▭▭ ▭▭▭▭ ▭▭▭ ▭▭ ▭▭▭▭▭▭ ▭▭▭ ▭▭▭▭ ▭▭▭ ▭▭▭▭ ▭▭ ▭▭▭▭▭ ▭▭▭ ▭▭▭▭ ▭▭▭ ▭▭ ▭▭▭▭▭▭ ▭▭▭ ▭▭▭▭ ▭▭▭ ▭▭▭▭ ▭▭ ▭▭▭▭▭ ▭▭▭ ▭▭▭▭ ▭▭▭ ▭▭ ▭▭▭▭▭▭ ▭▭▭ ▭▭▭▭ ▭▭▭ ▭▭▭▭ ▭▭ ▭▭▭▭▭ ▭▭▭ ▭▭▭▭ ▭▭▭ ▭▭ ▭▭▭▭▭▭ ▭▭▭ ▭▭▭▭ ▭▭▭ ▭▭▭▭ ▭▭ ▭▭▭▭▭ ▭▭▭ ▭▭▭▭ ▭▭▭ ▭▭ ▭▭▭▭▭▭ ▭▭▭ ▭▭▭▭ ▭▭▭ ▭▭▭▭ ▭▭ ▭▭▭▭▭ ▭▭▭ ▭▭▭▭ ▭▭▭ ▭▭ ▭▭▭▭▭▭ ▭▭▭ ▭▭▭▭ ▭▭▭ ▭▭▭▭ ▭▭ ▭▭▭▭▭ ▭▭▭ ▭▭▭▭ ▭▭▭ ▭▭ ▭▭▭▭▭▭ ▭▭▭ ▭▭▭▭ ▭▭▭ ▭▭▭▭ ▭▭ ▭▭▭▭▭ ▭▭▭ ▭▭▭▭ ▭▭▭ ▭▭ ▭▭▭▭▭▭ ▭▭▭ ▭▭▭▭ ▭▭▭ ▭▭▭▭ ▭▭ ▭▭▭▭▭ ▭▭▭ ▭▭▭▭ ▭▭▭ ▭▭ ▭▭▭▭▭▭ ▭▭▭ ▭▭▭▭ ▭▭▭ ▭▭▭▭ ▭▭ ▭▭▭▭▭ ▭▭▭ ▭▭▭▭ ▭▭▭ ▭▭ ▭▭▭▭▭▭ ▭▭▭ ▭▭▭▭ ▭▭▭ ▭▭▭▭ ▭▭ ▭▭▭▭▭ ▭▭▭ ▭▭▭▭ ▭▭▭ ▭▭ ▭▭▭▭▭▭ ▭▭▭ ▭▭▭▭ ▭▭▭ ▭▭▭▭ ▭▭ ▭▭▭▭▭ ▭▭▭ ▭▭▭▭ ▭▭▭ ▭▭ ▭▭▭▭▭▭ ▭▭▭ ▭▭▭▭ ▭▭▭ ▭▭▭▭ ▭▭ ▭▭▭▭▭ ▭▭▭ ▭▭▭▭ ▭▭▭ ▭▭ ▭▭▭▭▭▭ ▭▭▭ ▭▭▭▭ ▭▭▭ ▭▭▭▭ ▭▭ ▭▭▭▭▭ ▭▭▭ ▭▭▭▭ ▭▭▭ ▭▭ ▭▭▭▭▭▭ ▭▭▭ ▭▭▭▭ ▭▭▭ ▭▭▭▭ ▭▭ ▭▭▭▭▭ ▭▭▭ ▭▭▭▭ ▭▭▭ ▭▭ ▭▭▭▭▭▭ ▭▭▭ ▭▭▭▭ ▭▭▭ ▭▭▭▭ ▭▭ ▭▭▭▭▭ ▭▭▭ ▭▭▭▭ ▭▭▭ ▭▭ ▭▭▭▭▭▭ ▭▭▭ ▭▭▭▭ ▭▭▭ ▭▭▭▭ ▭▭ ▭▭▭▭▭ ▭▭▭ ▭▭▭▭ ▭▭▭ ▭▭ ▭▭▭▭▭▭ ▭▭▭ ▭▭▭▭ ▭▭▭ ▭▭▭▭ ▭▭ ▭▭▭▭▭ ▭▭▭ ▭▭▭▭ ▭▭▭ ▭▭ ▭▭▭▭▭▭ ▭▭▭ ▭▭▭▭ ▭▭▭ ▭▭▭▭ ▭▭ ▭▭▭▭▭ ▭▭▭ ▭▭▭▭ ▭▭▭ ▭▭ ▭▭▭▭▭▭ ▭▭▭ ▭▭▭▭ ▭▭▭ ▭▭▭▭ ▭▭ ▭▭▭▭▭ ▭▭▭ ▭▭▭▭ ▭▭▭ ▭▭ ▭▭▭▭▭▭ ▭▭▭ ▭▭▭▭ ▭▭▭ ▭▭▭▭ ▭▭ ▭▭▭▭▭ ▭▭▭ ▭▭▭▭ ▭▭▭ ▭▭ ▭▭▭▭▭▭ ▭▭▭ ▭▭▭▭ ▭▭▭ ▭▭▭▭ ▭▭ ▭▭▭▭▭ ▭▭▭ ▭▭▭▭ ▭▭▭ ▭▭ ▭▭▭▭▭▭ ▭▭▭ ▭▭▭▭ ▭▭▭ ▭▭▭▭ ▭▭ ▭▭▭▭▭ ▭▭▭ ▭▭▭▭ ▭▭▭ ▭▭ ▭▭▭▭▭▭ ▭▭▭ ▭▭▭▭ ▭▭▭ ▭▭▭▭ ▭▭ ▭▭▭▭▭ ▭▭▭ ▭▭▭▭ ▭▭▭ ▭▭ ▭▭▭▭▭▭ ▭▭▭ ▭▭▭▭ ▭▭▭ ▭▭▭▭ ▭▭ ▭▭▭▭▭ ▭▭▭ ▭▭▭▭ ▭▭▭ ▭▭ ▭▭▭▭▭▭ ▭▭▭ ▭▭▭▭
NO COMPETITION!
▭▭▭ ▭▭▭▭ ▭▭ ▭▭▭▭▭ ▭▭▭ ▭▭▭▭ ▭▭▭ ▭▭ ▭▭▭▭▭▭ ▭▭▭ ▭▭▭▭ ▭▭▭ ▭▭▭▭ ▭▭ ▭▭▭▭▭ ▭▭▭ ▭▭▭▭ ▭▭▭ ▭▭ ▭▭▭▭▭▭ ▭▭▭ ▭▭▭▭ ▭▭▭ ▭▭▭▭ ▭▭ ▭▭▭▭▭ ▭▭▭ ▭▭▭▭ ▭▭▭ ▭▭ ▭▭▭▭▭▭ ▭▭▭ ▭▭▭▭ ▭▭▭ ▭▭▭▭ ▭▭ ▭▭▭▭▭ ▭▭▭ ▭▭▭▭ ▭▭▭ ▭▭ ▭▭▭▭▭▭ ▭▭▭ ▭▭▭▭ ▭▭▭ ▭▭▭▭ ▭▭ ▭▭▭▭▭ ▭▭▭ ▭▭▭▭ ▭▭▭ ▭▭ ▭▭▭▭▭▭ ▭▭▭ ▭▭▭▭ ▭▭▭ ▭▭▭▭ ▭▭ ▭▭▭▭▭ ▭▭▭ ▭▭▭▭ ▭▭▭ ▭▭ ▭▭▭▭▭▭ ▭▭▭ ▭▭▭▭ ▭▭▭ ▭▭▭▭ ▭▭ ▭▭▭▭▭ ▭▭▭ ▭▭▭▭ ▭▭▭ ▭▭ ▭▭▭▭▭▭ ▭▭▭ ▭▭▭▭ ▭▭▭ ▭▭▭▭ ▭▭ ▭▭▭▭▭ ▭▭▭ ▭▭▭▭ ▭▭▭ ▭▭ ▭▭▭▭▭▭ ▭▭▭ ▭▭▭▭ ▭▭▭ ▭▭▭▭ ▭▭ ▭▭▭▭▭ ▭▭▭ ▭▭▭▭ ▭▭▭ ▭▭ ▭▭▭▭▭▭ ▭▭▭ ▭▭▭▭ ▭▭▭ ▭▭▭▭ ▭▭ ▭▭▭▭▭ ▭▭▭ ▭▭▭▭ ▭▭▭ ▭▭ ▭▭▭▭▭▭ ▭▭▭ ▭▭▭▭
YOU CAN SELL
MAKE YOUR SPARE TIME
Earn $50 and More Each Week
COMMERCIAL GUIDANCE
ASSOCIATION
AGENTS WANTED
To Earn $10 to $20 Per Day
Bushong's Dress & Shirt Shop
▭▭▭ ▭▭▭▭ ▭▭ ▭▭▭▭▭ ▭▭▭ ▭▭▭▭ ▭▭▭ ▭▭ ▭▭▭▭▭▭ ▭▭▭ ▭▭▭▭ ▭▭▭ ▭▭▭▭ ▭▭ ▭▭▭▭▭ ▭▭▭ ▭▭▭▭ ▭▭▭ ▭▭ ▭▭▭▭▭▭ ▭▭▭ ▭▭▭▭ ▭▭▭ ▭▭▭▭ ▭▭ ▭▭▭▭▭ ▭▭▭ ▭▭▭▭ ▭▭▭ ▭▭ ▭▭▭▭▭▭ ▭▭▭ ▭▭▭▭ ▭▭▭ ▭▭▭▭ ▭▭ ▭▭▭▭▭ ▭▭▭ ▭▭▭▭ ▭▭▭ ▭▭ ▭▭▭▭▭▭ ▭▭▭ ▭▭▭▭ ▭▭▭ ▭▭▭▭ ▭▭ ▭▭▭▭▭ ▭▭▭ ▭▭▭▭ ▭▭▭ ▭▭ ▭▭▭▭▭▭ ▭▭▭ ▭▭▭▭ ▭▭▭ ▭▭▭▭ ▭▭ ▭▭▭▭▭ ▭▭▭ ▭▭▭▭ ▭▭▭ ▭▭ ▭▭▭▭▭▭ ▭▭▭ ▭▭▭▭ ▭▭▭ ▭▭▭▭ ▭▭ ▭▭▭▭▭ ▭▭▭ ▭▭▭▭ ▭▭▭ ▭▭ ▭▭▭▭▭▭ ▭▭▭ ▭▭▭▭ ▭▭▭ ▭▭▭▭ ▭▭ ▭▭▭▭▭ ▭▭▭ ▭▭▭▭ ▭▭▭ ▭▭ ▭▭▭▭▭▭ ▭▭▭ ▭▭▭▭ ▭▭▭ ▭▭▭▭ ▭▭ ▭▭▭▭▭ ▭▭▭ ▭▭▭▭ ▭▭▭ ▭▭ ▭▭▭▭▭▭ ▭▭▭ ▭▭▭▭ ▭▭▭ ▭▭▭▭ ▭▭ ▭▭▭▭▭ ▭▭▭ ▭▭▭▭ ▭▭▭ ▭▭ ▭▭▭▭▭▭ ▭▭▭ ▭▭▭▭ ▭▭▭ ▭▭▭▭ ▭▭ ▭▭▭▭▭ ▭▭▭ ▭▭▭▭ ▭▭▭ ▭▭ ▭▭▭▭▭▭ ▭▭▭ ▭▭▭▭ ▭▭▭ ▭▭▭▭ ▭▭ ▭▭▭▭▭ ▭▭▭ ▭▭▭▭ ▭▭▭ ▭▭ ▭▭▭▭▭▭ ▭▭▭ ▭▭▭▭ ▭▭▭ ▭▭▭▭ ▭▭ ▭▭▭▭▭ ▭▭▭ ▭▭▭▭ ▭▭▭ ▭▭ ▭▭▭▭▭▭ ▭▭▭ ▭▭▭▭ ▭▭▭ ▭▭▭▭ ▭▭ ▭▭▭▭▭ ▭▭▭ ▭▭▭▭ ▭▭▭ ▭▭ ▭▭▭▭▭▭ ▭▭▭ ▭▭▭▭ ▭▭▭ ▭▭▭▭ ▭▭ ▭▭▭▭▭ ▭▭▭ ▭▭▭▭ ▭▭▭ ▭▭ ▭▭▭▭▭▭ ▭▭▭ ▭▭▭▭ ▭▭▭ ▭▭▭▭ ▭▭ ▭▭▭▭▭ ▭▭▭ ▭▭▭▭ ▭▭▭ ▭▭ ▭▭▭▭▭▭ ▭▭▭ ▭▭▭▭ ▭▭▭ ▭▭▭▭ ▭▭ ▭▭▭▭▭ ▭▭▭ ▭▭▭▭ ▭▭▭ ▭▭ ▭▭▭▭▭▭ ▭▭▭ ▭▭▭▭ ▭▭▭ ▭▭▭▭ ▭▭ ▭▭▭▭▭ ▭▭▭ ▭▭▭▭ ▭▭▭ ▭▭ ▭▭▭▭▭▭ ▭▭▭ ▭▭▭▭ ▭▭▭ ▭▭▭▭ ▭▭ ▭▭▭▭▭ ▭▭▭ ▭▭▭▭ ▭▭▭ ▭▭ ▭▭▭▭▭▭ ▭▭▭ ▭▭▭▭ ▭▭▭ ▭▭▭▭ ▭▭ ▭▭▭▭▭ ▭▭▭ ▭▭▭▭ ▭▭▭ ▭▭ ▭▭▭▭▭▭ ▭▭▭ ▭▭▭▭ ▭▭▭ ▭▭▭▭ ▭▭ ▭▭▭▭▭ ▭▭▭ ▭▭▭▭ ▭▭▭ ▭▭ ▭▭▭▭▭▭ ▭▭▭ ▭▭▭▭ ▭▭▭ ▭▭▭▭ ▭▭ ▭▭▭▭▭ ▭▭▭ ▭▭▭▭ ▭▭▭ ▭▭ ▭▭▭▭▭▭ ▭▭▭ ▭▭▭▭ ▭▭▭ ▭▭▭▭ ▭▭ ▭▭▭▭▭ ▭▭▭ ▭▭▭▭ ▭▭▭ ▭▭ ▭▭▭▭▭▭ ▭▭▭ ▭▭▭▭ ▭▭▭ ▭▭▭▭ ▭▭ ▭▭▭▭▭ ▭▭▭ ▭▭▭▭ ▭▭▭ ▭▭ ▭▭▭▭▭▭ ▭▭▭ ▭▭▭▭ ▭▭▭ ▭▭▭▭ ▭▭ ▭▭▭▭▭ ▭▭▭ ▭▭▭▭ ▭▭▭ ▭▭ ▭▭▭▭▭▭ ▭▭▭ ▭▭▭▭ ▭▭▭ ▭▭▭▭ ▭▭ ▭▭▭▭▭ ▭▭▭ ▭▭▭▭ ▭▭▭ ▭▭ ▭▭▭▭▭▭ ▭▭▭ ▭▭▭▭ ▭▭▭ ▭▭▭▭ ▭▭ ▭▭▭▭▭ ▭▭▭ ▭▭▭▭ ▭▭▭ ▭▭ ▭▭▭▭▭▭ ▭▭▭ ▭▭▭▭ ▭▭▭ ▭▭▭▭ ▭▭ ▭▭▭▭▭ ▭▭▭ ▭▭▭▭ ▭▭▭ ▭▭ ▭▭▭▭▭▭ ▭▭▭ ▭▭▭▭ ▭▭▭ ▭▭▭▭ ▭▭ ▭▭▭▭▭ ▭▭▭ ▭▭▭▭ ▭▭▭ ▭▭ ▭▭▭▭▭▭ ▭▭▭ ▭▭▭▭ ▭▭▭ ▭▭▭▭ ▭▭ ▭▭▭▭▭ ▭▭▭ ▭▭▭▭ ▭▭▭ ▭▭ ▭▭▭▭▭▭ ▭▭▭ ▭▭▭▭ ▭▭▭ ▭▭▭▭ ▭▭ ▭▭▭▭▭ ▭▭▭ ▭▭▭▭ ▭▭▭ ▭▭ ▭▭▭▭▭▭ ▭▭▭ ▭▭▭▭ ▭▭▭ ▭▭▭▭ ▭▭ ▭▭▭▭▭ ▭▭▭ ▭▭▭▭ ▭▭▭ ▭▭ ▭▭▭▭▭▭ ▭▭▭ ▭▭▭▭ ▭▭▭ ▭▭▭▭ ▭▭ ▭▭▭▭▭ ▭▭▭ ▭▭▭▭ ▭▭▭ ▭▭ ▭▭▭▭▭▭ ▭▭▭ ▭▭▭▭ ▭▭▭ ▭▭▭▭ ▭▭ ▭▭▭▭▭ ▭▭▭ ▭▭▭▭ ▭▭▭ ▭▭ ▭▭▭▭▭▭ ▭▭▭ ▭▭▭▭ ▭▭▭ ▭▭▭▭ ▭▭ ▭▭▭▭▭ ▭▭▭ ▭▭▭▭ ▭▭▭ ▭▭ ▭▭▭▭▭▭ ▭▭▭ ▭▭▭▭ ▭▭▭ ▭▭▭▭ ▭▭ ▭▭▭▭▭ ▭▭▭ ▭▭▭▭ ▭▭▭ ▭▭ ▭▭▭▭▭▭ ▭▭▭ ▭▭▭▭ ▭▭▭ ▭▭▭▭ ▭▭ ▭▭▭▭▭ ▭▭▭ ▭▭▭▭ ▭▭▭ ▭▭ ▭▭▭▭▭▭ ▭▭▭ ▭▭▭▭ ▭▭▭ ▭▭▭▭ ▭▭ ▭▭▭▭▭ ▭▭▭ ▭▭▭▭ ▭▭▭ ▭▭ ▭▭▭▭▭▭ ▭▭▭ ▭▭▭▭ ▭▭▭ ▭▭▭▭ ▭▭ ▭▭▭▭▭ ▭▭▭ ▭▭▭▭ ▭▭▭ ▭▭ ▭▭▭▭▭▭ ▭▭▭ ▭▭▭▭ ▭▭▭ ▭▭▭▭ ▭▭ ▭▭▭▭▭ ▭▭▭ ▭▭▭▭ ▭▭▭ ▭▭ ▭▭▭▭▭▭ ▭▭▭ ▭▭▭▭ ▭▭▭ ▭▭▭▭ ▭▭ ▭▭▭▭▭ ▭▭▭ ▭▭▭▭ ▭▭▭ ▭▭ ▭▭▭▭▭▭ ▭▭▭ ▭▭▭▭ ▭▭▭ ▭▭▭▭ ▭▭ ▭▭▭▭▭ ▭▭▭ ▭▭▭▭ ▭▭▭ ▭▭ ▭▭▭▭▭▭ ▭▭▭ ▭▭▭▭ ▭▭▭ ▭▭▭▭ ▭▭ ▭▭▭▭▭ ▭▭▭ ▭▭▭▭ ▭▭▭ ▭▭ ▭▭▭▭▭▭ ▭▭▭ ▭▭▭▭ ▭▭▭ ▭▭▭▭ ▭▭ ▭▭▭▭▭ ▭▭▭ ▭▭▭▭ ▭▭▭ ▭▭ ▭▭▭▭▭▭ ▭▭▭ ▭▭▭▭ ▭▭▭ ▭▭▭▭ ▭▭ ▭▭▭▭▭ ▭▭▭ ▭▭▭▭ ▭▭▭ ▭▭ ▭▭▭▭▭▭ ▭▭▭ ▭▭▭▭ ▭▭▭ ▭▭▭▭ ▭▭ ▭▭▭▭▭ ▭▭▭ ▭▭▭▭ ▭▭▭ ▭▭ ▭▭▭▭▭▭ ▭▭▭ ▭▭▭▭ ▭▭▭ ▭▭▭▭ ▭▭ ▭▭▭▭▭ ▭▭▭ ▭▭▭▭ ▭▭▭ ▭▭ ▭▭▭▭▭▭ ▭▭▭ ▭▭▭▭ ▭▭▭ ▭▭▭▭ ▭▭ ▭▭▭▭▭ ▭▭▭ ▭▭▭▭ ▭▭▭ ▭▭ ▭▭▭▭▭▭ ▭▭▭ ▭▭▭▭ ▭▭▭ ▭▭▭▭ ▭▭ ▭▭▭▭▭ ▭▭▭ ▭▭▭▭ ▭▭▭ ▭▭ ▭▭▭▭▭▭ ▭▭▭ ▭▭▭▭ ▭▭▭ ▭▭▭▭ ▭▭ ▭▭▭▭▭ ▭▭▭ ▭▭▭▭ ▭▭▭ ▭▭ ▭▭▭▭▭▭ ▭▭▭ ▭▭▭▭ ▭▭▭ ▭▭▭▭ ▭▭ ▭▭▭▭▭ ▭▭▭ ▭▭▭▭ ▭▭▭ ▭▭ ▭▭▭▭▭▭ ▭▭▭ ▭▭▭▭ ▭▭▭ ▭▭▭▭ ▭▭ ▭▭▭▭▭ ▭▭▭ ▭▭▭▭ ▭▭▭ ▭▭ ▭▭▭▭▭▭ ▭▭▭ ▭▭▭▭ ▭▭▭ ▭▭▭▭ ▭▭ ▭▭▭▭▭ ▭▭▭ ▭▭▭▭ ▭▭▭ ▭▭ ▭▭▭▭▭▭ ▭▭▭ ▭▭▭▭ ▭▭▭ ▭▭▭▭ ▭▭ ▭▭▭▭▭ ▭▭▭ ▭▭▭▭ ▭▭▭ ▭▭ ▭▭▭▭▭▭ ▭▭▭ ▭▭▭▭ ▭▭▭ ▭▭▭▭ ▭▭ ▭▭▭▭▭ ▭▭▭ ▭▭▭▭ ▭▭▭ ▭▭ ▭▭▭▭▭▭ ▭▭▭ ▭▭▭▭ ▭▭▭ ▭▭▭▭ ▭▭ ▭▭▭▭▭ ▭▭▭ ▭▭▭▭ ▭▭▭ ▭▭ ▭▭▭▭▭▭ ▭▭▭ ▭▭▭▭ ▭▭▭ ▭▭▭▭ ▭▭ ▭▭▭▭▭ ▭▭▭ ▭▭▭▭ ▭▭▭ ▭▭ ▭▭▭▭▭▭ ▭▭▭ ▭▭▭▭ ▭▭▭ ▭▭▭▭ ▭▭ ▭▭▭▭▭ ▭▭▭ ▭▭▭▭ ▭▭▭ ▭▭ ▭▭▭▭▭▭ ▭▭▭ ▭▭▭▭ ▭▭▭ ▭▭▭▭ ▭▭ ▭▭▭▭▭ ▭▭▭ ▭▭▭▭ ▭▭▭ ▭▭ ▭▭▭▭▭▭ ▭▭▭ ▭▭▭▭ ▭▭▭ ▭▭▭▭ ▭▭ ▭▭▭▭▭ ▭▭▭ ▭▭▭▭ ▭▭▭ ▭▭ ▭▭▭▭▭▭ ▭▭▭ ▭▭▭▭ ▭▭▭ ▭▭▭▭ ▭▭ ▭▭▭▭▭ ▭▭▭ ▭▭▭▭ ▭▭▭ ▭▭ ▭▭▭▭▭▭ ▭▭▭ ▭▭▭▭ ▭▭▭ ▭▭▭▭ ▭▭ ▭▭▭▭▭ ▭▭▭ ▭▭▭▭ ▭▭▭ ▭▭ ▭▭▭▭▭▭ ▭▭▭ ▭▭▭▭ ▭▭▭ ▭▭▭▭ ▭▭ ▭▭▭▭▭ ▭▭▭ ▭▭▭▭ ▭▭▭ ▭▭ ▭▭▭▭▭▭ ▭▭▭ ▭▭▭▭ ▭▭▭ ▭▭▭▭ ▭▭ ▭▭▭▭▭ ▭▭▭ ▭▭▭▭ ▭▭▭ ▭▭ ▭▭▭▭▭▭ ▭▭▭ ▭▭▭▭ ▭▭▭ ▭▭▭▭ ▭▭ ▭▭▭▭▭ ▭▭▭ ▭▭▭▭ ▭▭▭ ▭▭ ▭▭▭▭▭▭ ▭▭▭ ▭▭▭▭ ▭▭▭ ▭▭▭▭ ▭▭ ▭▭▭▭▭ ▭▭▭ ▭▭▭▭ ▭▭▭ ▭▭ ▭▭▭▭▭▭ ▭▭▭ ▭▭▭▭ ▭▭▭ ▭▭▭▭ ▭▭ ▭▭▭▭▭ ▭▭▭ ▭▭▭▭ ▭▭▭ ▭▭ ▭▭▭▭▭▭ ▭▭▭ ▭▭▭▭ ▭▭▭ ▭▭▭▭ ▭▭ ▭▭▭▭▭ ▭▭▭ ▭▭▭▭ ▭▭▭ ▭▭ ▭▭▭▭▭▭ ▭▭▭ ▭▭▭▭ ▭▭▭ ▭▭▭▭ ▭▭ ▭▭▭▭▭ ▭▭▭ ▭▭▭▭ ▭▭▭ ▭▭ ▭▭▭▭▭▭ ▭▭▭ ▭▭▭▭ ▭▭▭ ▭▭▭▭ ▭▭ ▭▭▭▭▭ ▭▭▭ ▭▭▭▭ ▭▭▭ ▭▭ ▭▭▭▭▭▭ ▭▭▭ ▭▭▭▭ ▭▭▭ ▭▭▭▭ ▭▭ ▭▭▭▭▭ ▭▭▭ ▭▭▭▭ ▭▭▭ ▭▭ ▭▭▭▭▭▭ ▭▭▭ ▭▭▭▭ ▭▭▭ ▭▭▭▭ ▭▭ ▭▭▭▭▭ ▭▭▭ ▭▭▭▭ ▭▭▭ ▭▭ ▭▭▭▭▭▭ ▭▭▭ ▭▭▭▭ ▭▭▭ ▭▭▭▭ ▭▭ ▭▭▭▭▭ ▭▭▭ ▭▭▭▭ ▭▭▭ ▭▭ ▭▭▭▭▭▭ ▭▭▭ ▭▭▭▭ ▭▭▭ ▭▭▭▭ ▭▭ ▭▭▭▭▭ ▭▭▭ ▭▭▭▭ ▭▭▭ ▭▭ ▭▭▭▭▭▭ ▭▭▭ ▭▭▭▭ ▭▭▭ ▭▭▭▭ ▭▭ ▭▭▭▭▭ ▭▭▭ ▭▭▭▭ ▭▭▭ ▭▭ ▭▭▭▭▭▭ ▭▭▭ ▭▭▭▭ ▭▭▭ ▭▭▭▭ ▭▭ ▭▭▭▭▭ ▭▭▭ ▭▭▭▭ ▭▭▭ ▭▭ ▭▭▭▭▭▭ ▭▭▭ ▭▭▭▭ ▭▭▭ ▭▭▭▭ ▭▭ ▭▭▭▭▭ ▭▭▭ ▭▭▭▭ ▭▭▭ ▭▭ ▭▭▭▭▭▭ ▭▭▭ ▭▭▭▭ ▭▭▭ ▭▭▭▭ ▭▭ ▭▭▭▭▭ ▭▭▭ ▭▭▭▭ ▭▭▭ ▭▭ ▭▭▭▭▭▭ ▭▭▭ ▭▭▭▭ ▭▭▭ ▭▭▭▭ ▭▭ ▭▭▭▭▭ ▭▭▭ ▭▭▭▭ ▭▭▭ ▭▭ ▭▭▭▭▭▭ ▭▭▭ ▭▭▭▭ ▭▭▭ ▭▭▭▭ ▭▭ ▭▭▭▭▭ ▭▭▭ ▭▭▭▭ ▭▭▭ ▭▭ ▭▭▭▭▭▭ ▭▭▭ ▭▭▭▭ ▭▭▭ ▭▭▭▭ ▭▭ ▭▭▭▭▭ ▭▭▭ ▭▭▭▭ ▭▭▭ ▭▭ ▭▭▭▭▭▭ ▭▭▭ ▭▭▭▭ ▭▭▭ ▭▭▭▭ ▭▭ ▭▭▭▭▭ ▭▭▭ ▭▭▭▭ ▭▭▭ ▭▭ ▭▭▭▭▭▭ ▭▭▭ ▭▭▭▭ ▭▭▭ ▭▭▭▭ ▭▭ ▭▭▭▭▭ ▭▭▭ ▭▭▭▭ ▭▭▭ ▭▭ ▭▭▭▭▭▭ ▭▭▭ ▭▭▭▭ ▭▭▭ ▭▭▭▭ ▭▭ ▭▭▭▭▭ ▭▭▭ ▭▭▭▭ ▭▭▭ ▭▭ ▭▭▭▭▭▭ ▭▭▭ ▭▭▭▭ ▭▭▭ ▭▭▭▭ ▭▭ ▭▭▭▭▭ ▭▭▭ ▭▭▭▭ ▭▭▭ ▭▭ ▭▭▭▭▭▭ ▭▭▭ ▭▭▭▭ ▭▭▭ ▭▭▭▭ ▭▭ ▭▭▭▭▭ ▭▭▭ ▭▭▭▭ ▭▭▭ ▭▭ ▭▭▭▭▭▭ ▭▭▭ ▭▭▭▭ ▭▭▭ ▭▭▭▭ ▭▭ ▭▭▭▭▭ ▭▭▭ ▭▭▭▭ ▭▭▭ ▭▭ ▭▭▭▭▭▭ ▭▭▭ ▭▭▭▭ ▭▭▭ ▭▭▭▭ ▭▭ ▭▭▭▭▭ ▭▭▭ ▭▭▭▭ ▭▭▭ ▭▭ ▭▭▭▭▭▭ ▭▭▭ ▭▭▭▭ ▭▭▭ ▭▭▭▭ ▭▭ ▭▭▭▭▭ ▭▭▭ ▭▭▭▭ ▭▭▭ ▭▭ ▭▭▭▭▭▭ ▭▭▭ ▭▭▭▭ ▭▭▭ ▭▭▭▭ ▭▭ ▭▭▭▭▭ ▭▭▭ ▭▭▭▭ ▭▭▭ ▭▭ ▭▭▭▭▭▭ ▭▭▭ ▭▭▭▭
HELP WANTED
MALE AND FEMALE
▭▭▭ ▭▭▭▭ ▭▭ ▭▭▭▭▭ ▭▭▭ ▭▭▭▭ ▭▭▭ ▭▭ ▭▭▭▭▭▭ ▭▭▭ ▭▭▭▭ ▭▭▭ ▭▭▭▭ ▭▭ ▭▭▭▭▭ ▭▭▭ ▭▭▭▭ ▭▭▭ ▭▭ ▭▭▭▭▭▭ ▭▭▭ ▭▭▭▭ ▭▭▭ ▭▭▭▭ ▭▭ ▭▭▭▭▭ ▭▭▭ ▭▭▭▭ ▭▭▭ ▭▭ ▭▭▭▭▭▭ ▭▭▭ ▭▭▭▭ ▭▭▭ ▭▭▭▭ ▭▭ ▭▭▭▭▭ ▭▭▭ ▭▭▭▭ ▭▭▭ ▭▭ ▭▭▭▭▭▭ ▭▭▭ ▭▭▭▭
HELP WANTED—FEMALE
EXPERIENCED
LAMP SHADE MAKERS
WANTED
Highest Prices Paid
Pleasant Working Conditions
WELLINGTON-STONE CO.
618 South Canal Street
Near Harrison Street
WHY
BE IDLE
SOUTH SIDE EMPLOYMENT
AGENCY
100 SILK SHADE MAKERS
Must Be Experienced
KAPLAN, INC.
215 West Ohio Street
▭▭▭ ▭▭▭▭ ▭▭ ▭▭▭▭▭ ▭▭▭ ▭▭▭▭ ▭▭▭ ▭▭ ▭▭▭▭▭▭ ▭▭▭ ▭▭▭▭ ▭▭▭ ▭▭▭▭ ▭▭ ▭▭▭▭▭ ▭▭▭ ▭▭▭▭ ▭▭▭ ▭▭ ▭▭▭▭▭▭ ▭▭▭ ▭▭▭▭ ▭▭▭ ▭▭▭▭ ▭▭ ▭▭▭▭▭ ▭▭▭ ▭▭▭▭ ▭▭▭ ▭▭ ▭▭▭▭▭▭ ▭▭▭ ▭▭▭▭ ▭▭▭ ▭▭▭▭ ▭▭ ▭▭▭▭▭ ▭▭▭ ▭▭▭▭ ▭▭▭ ▭▭ ▭▭▭▭▭▭ ▭▭▭ ▭▭▭▭ ▭▭▭ ▭▭▭▭ ▭▭ ▭▭▭▭▭ ▭▭▭ ▭▭▭▭ ▭▭▭ ▭▭ ▭▭▭▭▭▭ ▭▭▭ ▭▭▭▭ ▭▭▭ ▭▭▭▭ ▭▭ ▭▭▭▭▭ ▭▭▭ ▭▭▭▭ ▭▭▭ ▭▭ ▭▭▭▭▭▭ ▭▭▭ ▭▭▭▭ ▭▭▭ ▭▭▭▭ ▭▭ ▭▭▭▭▭ ▭▭▭ ▭▭▭▭ ▭▭▭ ▭▭ ▭▭▭▭▭▭ ▭▭▭ ▭▭▭▭ ▭▭▭ ▭▭▭▭ ▭▭ ▭▭▭▭▭ ▭▭▭ ▭▭▭▭ ▭▭▭ ▭▭ ▭▭▭▭▭▭ ▭▭▭ ▭▭▭▭ ▭▭▭ ▭▭▭▭ ▭▭ ▭▭▭▭▭ ▭▭▭ ▭▭▭▭ ▭▭▭ ▭▭ ▭▭▭▭▭▭ ▭▭▭ ▭▭▭▭ ▭▭▭ ▭▭▭▭ ▭▭ ▭▭▭▭▭ ▭▭▭ ▭▭▭▭ ▭▭▭ ▭▭ ▭▭▭▭▭▭ ▭▭▭ ▭▭▭▭ ▭▭▭ ▭▭▭▭ ▭▭ ▭▭▭▭▭ ▭▭▭ ▭▭▭▭ ▭▭▭ ▭▭ ▭▭▭▭▭▭ ▭▭▭ ▭▭▭▭ ▭▭▭ ▭▭▭▭ ▭▭ ▭▭▭▭▭ ▭▭▭ ▭▭▭▭ ▭▭▭ ▭▭ ▭▭▭▭▭▭ ▭▭▭ ▭▭▭▭
25 OPERATORS
▭▭▭ ▭▭▭▭ ▭▭ ▭▭▭▭▭ ▭▭▭ ▭▭▭▭ ▭▭▭ ▭▭ ▭▭▭▭▭▭ ▭▭▭ ▭▭▭▭ ▭▭▭ ▭▭▭▭ ▭▭ ▭▭▭▭▭ ▭▭▭ ▭▭▭▭ ▭▭▭ ▭▭ ▭▭▭▭▭▭ ▭▭▭ ▭▭▭▭ ▭▭▭ ▭▭▭▭ ▭▭ ▭▭▭▭▭ ▭▭▭ ▭▭▭▭ ▭▭▭ ▭▭ ▭▭▭▭▭▭ ▭▭▭ ▭▭▭▭ ▭▭▭ ▭▭▭▭ ▭▭ ▭▭▭▭▭ ▭▭▭ ▭▭▭▭ ▭▭▭ ▭▭ ▭▭▭▭▭▭ ▭▭▭ ▭▭▭▭ ▭▭▭ ▭▭▭▭ ▭▭ ▭▭▭▭▭ ▭▭▭ ▭▭▭▭ ▭▭▭ ▭▭ ▭▭▭▭▭▭ ▭▭▭ ▭▭▭▭ ▭▭▭ ▭▭▭▭ ▭▭ ▭▭▭▭▭ ▭▭▭ ▭▭▭▭ ▭▭▭ ▭▭ ▭▭▭▭▭▭ ▭▭▭ ▭▭▭▭ ▭▭▭ ▭▭▭▭ ▭▭ ▭▭▭▭▭ ▭▭▭ ▭▭▭▭ ▭▭▭ ▭▭ ▭▭▭▭▭▭ ▭▭▭ ▭▭▭▭ ▭▭▭ ▭▭▭▭ ▭▭ ▭▭▭▭▭ ▭▭▭ ▭▭▭▭ ▭▭▭ ▭▭ ▭▭▭▭▭▭ ▭▭▭ ▭▭▭▭ ▭▭▭ ▭▭▭▭ ▭▭ ▭▭▭▭▭ ▭▭▭ ▭▭▭▭ ▭▭▭ ▭▭ ▭▭▭▭▭▭ ▭▭▭ ▭▭▭▭ ▭▭▭ ▭▭▭▭ ▭▭ ▭▭▭▭▭ ▭▭▭ ▭▭▭▭ ▭▭▭ ▭▭ ▭▭▭▭▭▭ ▭▭▭ ▭▭▭▭ ▭▭▭ ▭▭▭▭ ▭▭ ▭▭▭▭▭ ▭▭▭ ▭▭▭▭ ▭▭▭ ▭▭ ▭▭▭▭▭▭ ▭▭▭ ▭▭▭▭ ▭▭▭ ▭▭▭▭ ▭▭ ▭▭▭▭▭ ▭▭▭ ▭▭▭▭ ▭▭▭ ▭▭ ▭▭▭▭▭▭ ▭▭▭ ▭▭▭▭ ▭▭▭ ▭▭▭▭ ▭▭ ▭▭▭▭▭ ▭▭▭ ▭▭▭▭ ▭▭▭ ▭▭ ▭▭▭▭▭▭ ▭▭▭ ▭▭▭▭ ▭▭▭ ▭▭▭▭ ▭▭ ▭▭▭▭▭ ▭▭▭ ▭▭▭▭ ▭▭▭ ▭▭ ▭▭▭▭▭▭ ▭▭▭ ▭▭▭▭ ▭▭▭ ▭▭▭▭ ▭▭ ▭▭▭▭▭ ▭▭▭ ▭▭▭▭ ▭▭▭ ▭▭ ▭▭▭▭▭▭ ▭▭▭ ▭▭▭▭ ▭▭▭ ▭▭▭▭ ▭▭ ▭▭▭▭▭ ▭▭▭ ▭▭▭▭ ▭▭▭ ▭▭ ▭▭▭▭▭▭ ▭▭▭ ▭▭▭▭ ▭▭▭ ▭▭▭▭ ▭▭ ▭▭▭▭▭ ▭▭▭ ▭▭▭▭ ▭▭▭ ▭▭ ▭▭▭▭▭▭ ▭▭▭ ▭▭▭▭ ▭▭▭ ▭▭▭▭ ▭▭ ▭▭▭▭▭ ▭▭▭ ▭▭▭▭ ▭▭▭ ▭▭ ▭▭▭▭▭▭ ▭▭▭ ▭▭▭▭ ▭▭▭ ▭▭▭▭ ▭▭ ▭▭▭▭▭ ▭▭▭ ▭▭▭▭ ▭▭▭ ▭▭ ▭▭▭▭▭▭ ▭▭▭ ▭▭▭▭ ▭▭▭ ▭▭▭▭ ▭▭ ▭▭▭▭▭ ▭▭▭ ▭▭▭▭ ▭▭▭ ▭▭ ▭▭▭▭▭▭ ▭▭▭ ▭▭▭▭ ▭▭▭ ▭▭▭▭ ▭▭ ▭▭▭▭▭ ▭▭▭ ▭▭▭▭ ▭▭▭ ▭▭ ▭▭▭▭▭▭ ▭▭▭ ▭▭▭▭ ▭▭▭ ▭▭▭▭ ▭▭ ▭▭▭▭▭ ▭▭▭ ▭▭▭▭ ▭▭▭ ▭▭ ▭▭▭▭▭▭ ▭▭▭ ▭▭▭▭ ▭▭▭ ▭▭▭▭ ▭▭ ▭▭▭▭▭ ▭▭▭ ▭▭▭▭ ▭▭▭ ▭▭ ▭▭▭▭▭▭ ▭▭▭ ▭▭▭▭ ▭▭▭ ▭▭▭▭ ▭▭ ▭▭▭▭▭ ▭▭▭ ▭▭▭▭ ▭▭▭ ▭▭ ▭▭▭▭▭▭ ▭▭▭ ▭▭▭▭ ▭▭▭ ▭▭▭▭ ▭▭ ▭▭▭▭▭ ▭▭▭ ▭▭▭▭ ▭▭▭ ▭▭ ▭▭▭▭▭▭ ▭▭▭ ▭▭▭▭ ▭▭▭ ▭▭▭▭ ▭▭ ▭▭▭▭▭ ▭▭▭ ▭▭▭▭ ▭▭▭ ▭▭ ▭▭▭▭▭▭ ▭▭▭ ▭▭▭▭ ▭▭▭ ▭▭▭▭ ▭▭ ▭▭▭▭▭ ▭▭▭ ▭▭▭▭ ▭▭▭ ▭▭ ▭▭▭▭▭▭ ▭▭▭ ▭▭▭▭ ▭▭▭ ▭▭▭▭ ▭▭ ▭▭▭▭▭ ▭▭▭ ▭▭▭▭ ▭▭▭ ▭▭ ▭▭▭▭▭▭ ▭▭▭ ▭▭▭▭ ▭▭▭ ▭▭▭▭ ▭▭ ▭▭▭▭▭ ▭▭▭ ▭▭▭▭ ▭▭▭ ▭▭ ▭▭▭▭▭▭ ▭▭▭ ▭▭▭▭ ▭▭▭ ▭▭▭▭ ▭▭ ▭▭▭▭▭ ▭▭▭ ▭▭▭▭ ▭▭▭ ▭▭ ▭▭▭▭▭▭ ▭▭▭ ▭▭▭▭ ▭▭▭ ▭▭▭▭ ▭▭ ▭▭▭▭▭ ▭▭▭ ▭▭▭▭ ▭▭▭ ▭▭ ▭▭▭▭▭▭ ▭▭▭ ▭▭▭▭ ▭▭▭ ▭▭▭▭ ▭▭ ▭▭▭▭▭ ▭▭▭ ▭▭▭▭ ▭▭▭ ▭▭ ▭▭▭▭▭▭ ▭▭▭ ▭▭▭▭ ▭▭▭ ▭▭▭▭ ▭▭ ▭▭▭▭▭ ▭▭▭ ▭▭▭▭ ▭▭▭ ▭▭ ▭▭▭▭▭▭ ▭▭▭ ▭▭▭▭ ▭▭▭ ▭▭▭▭ ▭▭ ▭▭▭▭▭ ▭▭▭ ▭▭▭▭ ▭▭▭ ▭▭ ▭▭▭▭▭▭ ▭▭▭ ▭▭▭▭ ▭▭▭ ▭▭▭▭ ▭▭ ▭▭▭▭▭ ▭▭▭ ▭▭▭▭ ▭▭▭ ▭▭ ▭▭▭▭▭▭ ▭▭▭ ▭▭▭▭ ▭▭▭ ▭▭▭▭ ▭▭ ▭▭▭▭▭ ▭▭▭ ▭▭▭▭ ▭▭▭ ▭▭ ▭▭▭▭▭▭ ▭▭▭ ▭▭▭▭ ▭▭▭ ▭▭▭▭ ▭▭ ▭▭▭▭▭ ▭▭▭ ▭▭▭▭ ▭▭▭ ▭▭ ▭▭▭▭▭▭ ▭▭▭ ▭▭▭▭ ▭▭▭ ▭▭▭▭ ▭▭ ▭▭▭▭▭ ▭▭▭ ▭▭▭▭ ▭▭▭ ▭▭ ▭▭▭▭▭▭ ▭▭▭ ▭▭▭▭ ▭▭▭ ▭▭▭▭ ▭▭ ▭▭▭▭▭ ▭▭▭ ▭▭▭▭ ▭▭▭ ▭▭ ▭▭▭▭▭▭ ▭▭▭ ▭▭▭▭ ▭▭▭ ▭▭▭▭ ▭▭ ▭▭▭▭▭ ▭▭▭ ▭▭▭▭ ▭▭▭ ▭▭ ▭▭▭▭▭▭ ▭▭▭ ▭▭▭▭
HELP WANTED—MALE
LEARN AUTO TRADE
AND
EARN AT SAME TIME
▭▭▭ ▭▭▭▭ ▭▭ ▭▭▭▭▭ ▭▭▭ ▭▭▭▭ ▭▭▭ ▭▭ ▭▭▭▭▭▭ ▭▭▭ ▭▭▭▭ ▭▭▭ ▭▭▭▭ ▭▭ ▭▭▭▭▭ ▭▭▭ ▭▭▭▭ ▭▭▭ ▭▭ ▭▭▭▭▭▭ ▭▭▭ ▭▭▭▭ ▭▭▭ ▭▭▭▭ ▭▭ ▭▭▭▭▭ ▭▭▭ ▭▭▭▭ ▭▭▭ ▭▭ ▭▭▭▭▭▭ ▭▭▭ ▭▭▭▭ ▭▭▭ ▭▭▭▭ ▭▭ ▭▭▭▭▭ ▭▭▭ ▭▭▭▭ ▭▭▭ ▭▭ ▭▭▭▭▭▭ ▭▭▭ ▭▭▭▭ ▭▭▭ ▭▭▭▭ ▭▭ ▭▭▭▭▭ ▭▭▭ ▭▭▭▭ ▭▭▭ ▭▭ ▭▭▭▭▭▭ ▭▭▭ ▭▭▭▭ ▭▭▭ ▭▭▭▭ ▭▭ ▭▭▭▭▭ ▭▭▭ ▭▭▭▭ ▭▭▭ ▭▭ ▭▭▭▭▭▭ ▭▭▭ ▭▭▭▭ ▭▭▭ ▭▭▭▭ ▭▭ ▭▭▭▭▭ ▭▭▭ ▭▭▭▭ ▭▭▭ ▭▭ ▭▭▭▭▭▭ ▭▭▭ ▭▭▭▭ ▭▭▭ ▭▭▭▭ ▭▭ ▭▭▭▭▭ ▭▭▭ ▭▭▭▭ ▭▭▭ ▭▭ ▭▭▭▭▭▭ ▭▭▭ ▭▭▭▭ ▭▭▭ ▭▭▭▭ ▭▭ ▭▭▭▭▭ ▭▭▭ ▭▭▭▭ ▭▭▭ ▭▭ ▭▭▭▭▭▭ ▭▭▭ ▭▭▭▭ ▭▭▭ ▭▭▭▭ ▭▭ ▭▭▭▭▭ ▭▭▭ ▭▭▭▭ ▭▭▭ ▭▭ ▭▭▭▭▭▭ ▭▭▭ ▭▭▭▭ ▭▭▭ ▭▭▭▭ ▭▭ ▭▭▭▭▭ ▭▭▭ ▭▭▭▭ ▭▭▭ ▭▭ ▭▭▭▭▭▭ ▭▭▭ ▭▭▭▭ ▭▭▭ ▭▭▭▭ ▭▭ ▭▭▭▭▭ ▭▭▭ ▭▭▭▭ ▭▭▭ ▭▭ ▭▭▭▭▭▭ ▭▭▭ ▭▭▭▭ ▭▭▭ ▭▭▭▭ ▭▭ ▭▭▭▭▭ ▭▭▭ ▭▭▭▭ ▭▭▭ ▭▭ ▭▭▭▭▭▭ ▭▭▭ ▭▭▭▭ ▭▭▭ ▭▭▭▭ ▭▭ ▭▭▭▭▭ ▭▭▭ ▭▭▭▭ ▭▭▭ ▭▭ ▭▭▭▭▭▭ ▭▭▭ ▭▭▭▭ ▭▭▭ ▭▭▭▭ ▭▭ ▭▭▭▭▭ ▭▭▭ ▭▭▭▭ ▭▭▭ ▭▭ ▭▭▭▭▭▭ ▭▭▭ ▭▭▭▭ ▭▭▭ ▭▭▭▭ ▭▭ ▭▭▭▭▭ ▭▭▭ ▭▭▭▭ ▭▭▭ ▭▭ ▭▭▭▭▭▭ ▭▭▭ ▭▭▭▭ ▭▭▭ ▭▭▭▭ ▭▭ ▭▭▭▭▭ ▭▭▭ ▭▭▭▭ ▭▭▭ ▭▭ ▭▭▭▭▭▭ ▭▭▭ ▭▭▭▭ ▭▭▭ ▭▭▭▭ ▭▭ ▭▭▭▭▭ ▭▭▭ ▭▭▭▭ ▭▭▭ ▭▭ ▭▭▭▭▭▭ ▭▭▭ ▭▭▭▭ ▭▭▭ ▭▭▭▭ ▭▭ ▭▭▭▭▭ ▭▭▭ ▭▭▭▭ ▭▭▭ ▭▭ ▭▭▭▭▭▭ ▭▭▭ ▭▭▭▭ ▭▭▭ ▭▭▭▭ ▭▭ ▭▭▭▭▭ ▭▭▭ ▭▭▭▭ ▭▭▭ ▭▭ ▭▭▭▭▭▭ ▭▭▭ ▭▭▭▭ ▭▭▭ ▭▭▭▭ ▭▭ ▭▭▭▭▭ ▭▭▭ ▭▭▭▭ ▭▭▭ ▭▭ ▭▭▭▭▭▭ ▭▭▭ ▭▭▭▭ ▭▭▭ ▭▭▭▭ ▭▭ ▭▭▭▭▭ ▭▭▭ ▭▭▭▭ ▭▭▭ ▭▭ ▭▭▭▭▭▭ ▭▭▭ ▭▭▭▭ ▭▭▭ ▭▭▭▭ ▭▭ ▭▭▭▭▭ ▭▭▭ ▭▭▭▭ ▭▭▭ ▭▭ ▭▭▭▭▭▭ ▭▭▭ ▭▭▭▭ ▭▭▭ ▭▭▭▭ ▭▭ ▭▭▭▭▭ ▭▭▭ ▭▭▭▭ ▭▭▭ ▭▭ ▭▭▭▭▭▭ ▭▭▭ ▭▭▭▭ ▭▭▭ ▭▭▭▭ ▭▭ ▭▭▭▭▭ ▭▭▭ ▭▭▭▭ ▭▭▭ ▭▭ ▭▭▭▭▭▭ ▭▭▭ ▭▭▭▭ ▭▭▭ ▭▭▭▭ ▭▭ ▭▭▭▭▭ ▭▭▭ ▭▭▭▭ ▭▭▭ ▭▭ ▭▭▭▭▭▭ ▭▭▭ ▭▭▭▭ ▭▭▭ ▭▭▭▭ ▭▭ ▭▭▭▭▭ ▭▭▭ ▭▭▭▭ ▭▭▭ ▭▭ ▭▭▭▭▭▭ ▭▭▭ ▭▭▭▭ ▭▭▭ ▭▭▭▭ ▭▭ ▭▭▭▭▭ ▭▭▭ ▭▭▭▭ ▭▭▭ ▭▭ ▭▭▭▭▭▭ ▭▭▭ ▭▭▭▭ ▭▭▭ ▭▭▭▭ ▭▭ ▭▭▭▭▭ ▭▭▭ ▭▭▭▭ ▭▭▭ ▭▭ ▭▭▭▭▭▭ ▭▭▭ ▭▭▭▭ ▭▭▭ ▭▭▭▭ ▭▭ ▭▭▭▭▭ ▭▭▭ ▭▭▭▭ ▭▭▭ ▭▭ ▭▭▭▭▭▭ ▭▭▭ ▭▭▭▭ ▭▭▭ ▭▭▭▭ ▭▭ ▭▭▭▭▭ ▭▭▭ ▭▭▭▭ ▭▭▭ ▭▭ ▭▭▭▭▭▭ ▭▭▭ ▭▭▭▭ ▭▭▭ ▭▭▭▭ ▭▭ ▭▭▭▭▭ ▭▭▭ ▭▭▭▭ ▭▭▭ ▭▭ ▭▭▭▭▭▭ ▭▭▭ ▭▭▭▭ ▭▭▭ ▭▭▭▭ ▭▭ ▭▭▭▭▭ ▭▭▭ ▭▭▭▭ ▭▭▭ ▭▭ ▭▭▭▭▭▭ ▭▭▭ ▭▭▭▭ ▭▭▭ ▭▭▭▭ ▭▭ ▭▭▭▭▭ ▭▭▭ ▭▭▭▭ ▭▭▭ ▭▭ ▭▭▭▭▭▭ ▭▭▭ ▭▭▭▭ ▭▭▭ ▭▭▭▭ ▭▭ ▭▭▭▭▭ ▭▭▭ ▭▭▭▭ ▭▭▭ ▭▭ ▭▭▭▭▭▭ ▭▭▭ ▭▭▭▭ ▭▭▭ ▭▭▭▭ ▭▭ ▭▭▭▭▭ ▭▭▭ ▭▭▭▭ ▭▭▭ ▭▭ ▭▭▭▭▭▭ ▭▭▭ ▭▭▭▭ ▭▭▭ ▭▭▭▭ ▭▭ ▭▭▭▭▭ ▭▭▭ ▭▭▭▭ ▭▭▭ ▭▭ ▭▭▭▭▭▭ ▭▭▭ ▭▭▭▭ ▭▭▭ ▭▭▭▭ ▭▭ ▭▭▭▭▭ ▭▭▭ ▭▭▭▭ ▭▭▭ ▭▭ ▭▭▭▭▭▭ ▭▭▭ ▭▭▭▭ ▭▭▭ ▭▭▭▭ ▭▭ ▭▭▭▭▭ ▭▭▭ ▭▭▭▭ ▭▭▭ ▭▭ ▭▭▭▭▭▭ ▭▭▭ ▭▭▭▭ ▭▭▭ ▭▭▭▭ ▭▭ ▭▭▭▭▭ ▭▭▭ ▭▭▭▭ ▭▭▭ ▭▭ ▭▭▭▭▭▭ ▭▭▭ ▭▭▭▭
SITUATIONS WANTED—FEMALE
▭▭▭ ▭▭▭▭ ▭▭ ▭▭▭▭▭ ▭▭▭ ▭▭▭▭ ▭▭▭ ▭▭ ▭▭▭▭▭▭ ▭▭▭ ▭▭▭▭ ▭▭▭ ▭▭▭▭ ▭▭ ▭▭▭▭▭ ▭▭▭ ▭▭▭▭ ▭▭▭ ▭▭ ▭▭▭▭▭▭ ▭▭▭ ▭▭▭▭
SITUATIONS WANTED—MALE
▭▭▭ ▭▭▭▭ ▭▭ ▭▭▭▭▭ ▭▭▭ ▭▭▭▭ ▭▭▭ ▭▭ ▭▭▭▭▭▭ ▭▭▭ ▭▭▭▭ ▭▭▭ ▭▭▭▭ ▭▭ ▭▭▭▭▭ ▭▭▭ ▭▭▭▭ ▭▭▭ ▭▭ ▭▭▭▭▭▭ ▭▭▭ ▭▭▭▭ ▭▭▭ ▭▭▭▭ ▭▭ ▭▭▭▭▭ ▭▭▭ ▭▭▭▭ ▭▭▭ ▭▭ ▭▭▭▭▭▭ ▭▭▭ ▭▭▭▭ ▭▭▭ ▭▭▭▭ ▭▭ ▭▭▭▭▭ ▭▭▭ ▭▭▭▭ ▭▭▭ ▭▭ ▭▭▭▭▭▭ ▭▭▭ ▭▭▭▭ ▭▭▭ ▭▭▭▭ ▭▭ ▭▭▭▭▭ ▭▭▭ ▭▭▭▭ ▭▭▭ ▭▭ ▭▭▭▭▭▭ ▭▭▭ ▭▭▭▭ ▭▭▭ ▭▭▭▭ ▭▭ ▭▭▭▭▭ ▭▭▭ ▭▭▭▭ ▭▭▭ ▭▭ ▭▭▭▭▭▭ ▭▭▭ ▭▭▭▭
EMPLOYMENT AGENCIES
THE AFRO-AMERICAN
EMPLOYMENT AGENCY
3409½ S. State St.
GOOD HOMES
Best Wages Paid
ENGLEWOOD EMPLOYMENT
BUREAU
CAMERAS AND KODAKS
▭▭▭ ▭▭▭▭ ▭▭ ▭▭▭▭▭ ▭▭▭ ▭▭▭▭ ▭▭▭ ▭▭ ▭▭▭▭▭▭ ▭▭▭ ▭▭▭▭ ▭▭▭ ▭▭▭▭ ▭▭ ▭▭▭▭▭ ▭▭▭ ▭▭▭▭ ▭▭▭ ▭▭ ▭▭▭▭▭▭ ▭▭▭ ▭▭▭▭ ▭▭▭ ▭▭▭▭ ▭▭ ▭▭▭▭▭ ▭▭▭ ▭▭▭▭ ▭▭▭ ▭▭ ▭▭▭▭▭▭ ▭▭▭ ▭▭▭▭ ▭▭▭ ▭▭▭▭ ▭▭ ▭▭▭▭▭ ▭▭▭ ▭▭▭▭ ▭▭▭ ▭▭ ▭▭▭▭▭▭ ▭▭▭ ▭▭▭▭
FURNISHED ROOMS FOR RENT
P. FRANKLIN'S
FAMILY HOTELS
4524-26 INDIANA AVENUE
BEAUTIFUL, COZY, WARM
FURNISHED ROOMS
▭▭▭ ▭▭▭▭ ▭▭ ▭▭▭▭▭ ▭▭▭ ▭▭▭▭ ▭▭▭ ▭▭ ▭▭▭▭▭▭ ▭▭▭ ▭▭▭▭ ▭▭▭ ▭▭▭▭ ▭▭ ▭▭▭▭▭ ▭▭▭ ▭▭▭▭ ▭▭▭ ▭▭ ▭▭▭▭▭▭ ▭▭▭ ▭▭▭▭ ▭▭▭ ▭▭▭▭ ▭▭ ▭▭▭▭▭ ▭▭▭ ▭▭▭▭ ▭▭▭ ▭▭ ▭▭▭▭▭▭ ▭▭▭ ▭▭▭▭ ▭▭▭ ▭▭▭▭ ▭▭ ▭▭▭▭▭ ▭▭▭ ▭▭▭▭ ▭▭▭ ▭▭ ▭▭▭▭▭▭ ▭▭▭ ▭▭▭▭ ▭▭▭ ▭▭▭▭ ▭▭ ▭▭▭▭▭ ▭▭▭ ▭▭▭▭ ▭▭▭ ▭▭ ▭▭▭▭▭▭ ▭▭▭ ▭▭▭▭ ▭▭▭ ▭▭▭▭ ▭▭ ▭▭▭▭▭ ▭▭▭ ▭▭▭▭ ▭▭▭ ▭▭ ▭▭▭▭▭▭ ▭▭▭ ▭▭▭▭ ▭▭▭ ▭▭▭▭ ▭▭ ▭▭▭▭▭ ▭▭▭ ▭▭▭▭ ▭▭▭ ▭▭ ▭▭▭▭▭▭ ▭▭▭ ▭▭▭▭ ▭▭▭ ▭▭▭▭ ▭▭ ▭▭▭▭▭ ▭▭▭ ▭▭▭▭ ▭▭▭ ▭▭ ▭▭▭▭▭▭ ▭▭▭ ▭▭▭▭ ▭▭▭ ▭▭▭▭ ▭▭ ▭▭▭▭▭ ▭▭▭ ▭▭▭▭ ▭▭▭ ▭▭ ▭▭▭▭▭▭ ▭▭▭ ▭▭▭▭ ▭▭▭ ▭▭▭▭ ▭▭ ▭▭▭▭▭ ▭▭▭ ▭▭▭▭ ▭▭▭ ▭▭ ▭▭▭▭▭▭ ▭▭▭ ▭▭▭▭ ▭▭▭ ▭▭▭▭ ▭▭ ▭▭▭▭▭ ▭▭▭ ▭▭▭▭ ▭▭▭ ▭▭ ▭▭▭▭▭▭ ▭▭▭ ▭▭▭▭ ▭▭▭ ▭▭▭▭ ▭▭ ▭▭▭▭▭ ▭▭▭ ▭▭▭▭ ▭▭▭ ▭▭ ▭▭▭▭▭▭ ▭▭▭ ▭▭▭▭ ▭▭▭ ▭▭▭▭ ▭▭ ▭▭▭▭▭ ▭▭▭ ▭▭▭▭ ▭▭▭ ▭▭ ▭▭▭▭▭▭ ▭▭▭ ▭▭▭▭ ▭▭▭ ▭▭▭▭ ▭▭ ▭▭▭▭▭ ▭▭▭ ▭▭▭▭ ▭▭▭ ▭▭ ▭▭▭▭▭▭ ▭▭▭ ▭▭▭▭ ▭▭▭ ▭▭▭▭ ▭▭ ▭▭▭▭▭ ▭▭▭ ▭▭▭▭ ▭▭▭ ▭▭ ▭▭▭▭▭▭ ▭▭▭ ▭▭▭▭ ▭▭▭ ▭▭▭▭ ▭▭ ▭▭▭▭▭ ▭▭▭ ▭▭▭▭ ▭▭▭ ▭▭ ▭▭▭▭▭▭ ▭▭▭ ▭▭▭▭ ▭▭▭ ▭▭▭▭ ▭▭ ▭▭▭▭▭ ▭▭▭ ▭▭▭▭ ▭▭▭ ▭▭ ▭▭▭▭▭▭ ▭▭▭ ▭▭▭▭ ▭▭▭ ▭▭▭▭ ▭▭ ▭▭▭▭▭ ▭▭▭ ▭▭▭▭ ▭▭▭ ▭▭ ▭▭▭▭▭▭ ▭▭▭ ▭▭▭▭ ▭▭▭ ▭▭▭▭ ▭▭ ▭▭▭▭▭ ▭▭▭ ▭▭▭▭ ▭▭▭ ▭▭ ▭▭▭▭▭▭ ▭▭▭ ▭▭▭▭ ▭▭▭ ▭▭▭▭ ▭▭ ▭▭▭▭▭ ▭▭▭ ▭▭▭▭ ▭▭▭ ▭▭ ▭▭▭▭▭▭ ▭▭▭ ▭▭▭▭ ▭▭▭ ▭▭▭▭ ▭▭ ▭▭▭▭▭ ▭▭▭ ▭▭▭▭ ▭▭▭ ▭▭ ▭▭▭▭▭▭ ▭▭▭ ▭▭▭▭ ▭▭▭ ▭▭▭▭ ▭▭ ▭▭▭▭▭ ▭▭▭ ▭▭▭▭ ▭▭▭ ▭▭ ▭▭▭▭▭▭ ▭▭▭ ▭▭▭▭ ▭▭▭ ▭▭▭▭ ▭▭ ▭▭▭▭▭ ▭▭▭ ▭▭▭▭ ▭▭▭ ▭▭ ▭▭▭▭▭▭ ▭▭▭ ▭▭▭▭ ▭▭▭ ▭▭▭▭ ▭▭ ▭▭▭▭▭ ▭▭▭ ▭▭▭▭ ▭▭▭ ▭▭ ▭▭▭▭▭▭ ▭▭▭ ▭▭▭▭ ▭▭▭ ▭▭▭▭ ▭▭ ▭▭▭▭▭ ▭▭▭ ▭▭▭▭ ▭▭▭ ▭▭ ▭▭▭▭▭▭ ▭▭▭ ▭▭▭▭ ▭▭▭ ▭▭▭▭ ▭▭ ▭▭▭▭▭ ▭▭▭ ▭▭▭▭ ▭▭▭ ▭▭ ▭▭▭▭▭▭ ▭▭▭ ▭▭▭▭ ▭▭▭ ▭▭▭▭ ▭▭ ▭▭▭▭▭ ▭▭▭ ▭▭▭▭ ▭▭▭ ▭▭ ▭▭▭▭▭▭ ▭▭▭ ▭▭▭▭ ▭▭▭ ▭▭▭▭ ▭▭ ▭▭▭▭▭ ▭▭▭ ▭▭▭▭ ▭▭▭ ▭▭ ▭▭▭▭▭▭ ▭▭▭ ▭▭▭▭ ▭▭▭ ▭▭▭▭ ▭▭ ▭▭▭▭▭ ▭▭▭ ▭▭▭▭ ▭▭▭ ▭▭ ▭▭▭▭▭▭ ▭▭▭ ▭▭▭▭ ▭▭▭ ▭▭▭▭ ▭▭ ▭▭▭▭▭ ▭▭▭ ▭▭▭▭ ▭▭▭ ▭▭ ▭▭▭▭▭▭ ▭▭▭ ▭▭▭▭ ▭▭▭ ▭▭▭▭ ▭▭ ▭▭▭▭▭ ▭▭▭ ▭▭▭▭ ▭▭▭ ▭▭ ▭▭▭▭▭▭ ▭▭▭ ▭▭▭▭ ▭▭▭ ▭▭▭▭ ▭▭ ▭▭▭▭▭ ▭▭▭ ▭▭▭▭ ▭▭▭ ▭▭ ▭▭▭▭▭▭ ▭▭▭ ▭▭▭▭ ▭▭▭ ▭▭▭▭ ▭▭ ▭▭▭▭▭ ▭▭▭ ▭▭▭▭ ▭▭▭ ▭▭ ▭▭▭▭▭▭ ▭▭▭ ▭▭▭▭ ▭▭▭ ▭▭▭▭ ▭▭ ▭▭▭▭▭ ▭▭▭ ▭▭▭▭ ▭▭▭ ▭▭ ▭▭▭▭▭▭ ▭▭▭ ▭▭▭▭ ▭▭▭ ▭▭▭▭ ▭▭ ▭▭▭▭▭ ▭▭▭ ▭▭▭▭ ▭▭▭ ▭▭ ▭▭▭▭▭▭ ▭▭▭ ▭▭▭▭ ▭▭▭ ▭▭▭▭ ▭▭ ▭▭▭▭▭ ▭▭▭ ▭▭▭▭ ▭▭▭ ▭▭ ▭▭▭▭▭▭ ▭▭▭ ▭▭▭▭ ▭▭▭ ▭▭▭▭ ▭▭ ▭▭▭▭▭ ▭▭▭ ▭▭▭▭ ▭▭▭ ▭▭ ▭▭▭▭▭▭ ▭▭▭ ▭▭▭▭ ▭▭▭ ▭▭▭▭ ▭▭ ▭▭▭▭▭ ▭▭▭ ▭▭▭▭ ▭▭▭ ▭▭ ▭▭▭▭▭▭ ▭▭▭ ▭▭▭▭ ▭▭▭ ▭▭▭▭ ▭▭ ▭▭▭▭▭ ▭▭▭ ▭▭▭▭ ▭▭▭ ▭▭ ▭▭▭▭▭▭ ▭▭▭ ▭▭▭▭ ▭▭▭ ▭▭▭▭ ▭▭ ▭▭▭▭▭ ▭▭▭ ▭▭▭▭ ▭▭▭ ▭▭ ▭▭▭▭▭▭ ▭▭▭ ▭▭▭▭ ▭▭▭ ▭▭▭▭ ▭▭ ▭▭▭▭▭ ▭▭▭ ▭▭▭▭ ▭▭▭ ▭▭ ▭▭▭▭▭▭ ▭▭▭ ▭▭▭▭ ▭▭▭ ▭▭▭▭ ▭▭ ▭▭▭▭▭ ▭▭▭ ▭▭▭▭ ▭▭▭ ▭▭ ▭▭▭▭▭▭ ▭▭▭ ▭▭▭▭ ▭▭▭ ▭▭▭▭ ▭▭ ▭▭▭▭▭ ▭▭▭ ▭▭▭▭ ▭▭▭ ▭▭ ▭▭▭▭▭▭ ▭▭▭ ▭▭▭▭ ▭▭▭ ▭▭▭▭ ▭▭ ▭▭▭▭▭ ▭▭▭ ▭▭▭▭ ▭▭▭ ▭▭ ▭▭▭▭▭▭ ▭▭▭ ▭▭▭▭ ▭▭▭ ▭▭▭▭ ▭▭ ▭▭▭▭▭ ▭▭▭ ▭▭▭▭ ▭▭▭ ▭▭ ▭▭▭▭▭▭ ▭▭▭ ▭▭▭▭ ▭▭▭ ▭▭▭▭ ▭▭ ▭▭▭▭▭ ▭▭▭ ▭▭▭▭ ▭▭▭ ▭▭ ▭▭▭▭▭▭ ▭▭▭ ▭▭▭▭ ▭▭▭ ▭▭▭▭ ▭▭ ▭▭▭▭▭ ▭▭▭ ▭▭▭▭ ▭▭▭ ▭▭ ▭▭▭▭▭▭ ▭▭▭ ▭▭▭▭ ▭▭▭ ▭▭▭▭ ▭▭ ▭▭▭▭▭ ▭▭▭ ▭▭▭▭ ▭▭▭ ▭▭ ▭▭▭▭▭▭ ▭▭▭ ▭▭▭▭ ▭▭▭ ▭▭▭▭ ▭▭ ▭▭▭▭▭ ▭▭▭ ▭▭▭▭ ▭▭▭ ▭▭ ▭▭▭▭▭▭ ▭▭▭ ▭▭▭▭ ▭▭▭ ▭▭▭▭ ▭▭ ▭▭▭▭▭ ▭▭▭ ▭▭▭▭ ▭▭▭ ▭▭ ▭▭▭▭▭▭ ▭▭▭ ▭▭▭▭ ▭▭▭ ▭▭▭▭ ▭▭ ▭▭▭▭▭ ▭▭▭ ▭▭▭▭ ▭▭▭ ▭▭ ▭▭▭▭▭▭ ▭▭▭ ▭▭▭▭ ▭▭▭ ▭▭▭▭ ▭▭ ▭▭▭▭▭ ▭▭▭ ▭▭▭▭ ▭▭▭ ▭▭ ▭▭▭▭▭▭ ▭▭▭ ▭▭▭▭ ▭▭▭ ▭▭▭▭ ▭▭ ▭▭▭▭▭ ▭▭▭ ▭▭▭▭ ▭▭▭ ▭▭ ▭▭▭▭▭▭ ▭▭▭ ▭▭▭▭ ▭▭▭ ▭▭▭▭ ▭▭ ▭▭▭▭▭ ▭▭▭ ▭▭▭▭ ▭▭▭ ▭▭ ▭▭▭▭▭▭ ▭▭▭ ▭▭▭▭ ▭▭▭ ▭▭▭▭ ▭▭ ▭▭▭▭▭ ▭▭▭ ▭▭▭▭ ▭▭▭ ▭▭ ▭▭▭▭▭▭ ▭▭▭ ▭▭▭▭ ▭▭▭ ▭▭▭▭ ▭▭ ▭▭▭▭▭ ▭▭▭ ▭▭▭▭ ▭▭▭ ▭▭ ▭▭▭▭▭▭ ▭▭▭ ▭▭▭▭ ▭▭▭ ▭▭▭▭ ▭▭ ▭▭▭▭▭ ▭▭▭ ▭▭▭▭ ▭▭▭ ▭▭ ▭▭▭▭▭▭ ▭▭▭ ▭▭▭▭ ▭▭▭ ▭▭▭▭ ▭▭ ▭▭▭▭▭ ▭▭▭ ▭▭▭▭ ▭▭▭ ▭▭ ▭▭▭▭▭▭ ▭▭▭ ▭▭▭▭ ▭▭▭ ▭▭▭▭ ▭▭ ▭▭▭▭▭ ▭▭▭ ▭▭▭▭ ▭▭▭ ▭▭ ▭▭▭▭▭▭ ▭▭▭ ▭▭▭▭ ▭▭▭ ▭▭▭▭ ▭▭ ▭▭▭▭▭ ▭▭▭ ▭▭▭▭ ▭▭▭ ▭▭ ▭▭▭▭▭▭ ▭▭▭ ▭▭▭▭ ▭▭▭ ▭▭▭▭ ▭▭ ▭▭▭▭▭ ▭▭▭ ▭▭▭▭ ▭▭▭ ▭▭ ▭▭▭▭▭▭ ▭▭▭ ▭▭▭▭ ▭▭▭ ▭▭▭▭ ▭▭ ▭▭▭▭▭ ▭▭▭ ▭▭▭▭ ▭▭▭ ▭▭ ▭▭▭▭▭▭ ▭▭▭ ▭▭▭▭ ▭▭▭ ▭▭▭▭ ▭▭ ▭▭▭▭▭ ▭▭▭ ▭▭▭▭ ▭▭▭ ▭▭ ▭▭▭▭▭▭ ▭▭▭ ▭▭▭▭ ▭▭▭ ▭▭▭▭ ▭▭ ▭▭▭▭▭ ▭▭▭ ▭▭▭▭ ▭▭▭ ▭▭ ▭▭▭▭▭▭ ▭▭▭ ▭▭▭▭ ▭▭▭ ▭▭▭▭ ▭▭ ▭▭▭▭▭ ▭▭▭ ▭▭▭▭ ▭▭▭ ▭▭ ▭▭▭▭▭▭ ▭▭▭ ▭▭▭▭ ▭▭▭ ▭▭▭▭ ▭▭ ▭▭▭▭▭ ▭▭▭ ▭▭▭▭ ▭▭▭ ▭▭ ▭▭▭▭▭▭ ▭▭▭ ▭▭▭▭ ▭▭▭ ▭▭▭▭ ▭▭ ▭▭▭▭▭ ▭▭▭ ▭▭▭▭ ▭▭▭ ▭▭ ▭▭▭▭▭▭ ▭▭▭ ▭▭▭▭ ▭▭▭ ▭▭▭▭ ▭▭ ▭▭▭▭▭ ▭▭▭ ▭▭▭▭ ▭▭▭ ▭▭ ▭▭▭▭▭▭ ▭▭▭ ▭▭▭▭ ▭▭▭ ▭▭▭▭ ▭▭ ▭▭▭▭▭ ▭▭▭ ▭▭▭▭ ▭▭▭ ▭▭ ▭▭▭▭▭▭ ▭▭▭ ▭▭▭▭ ▭▭▭ ▭▭▭▭ ▭▭ ▭▭▭▭▭ ▭▭▭ ▭▭▭▭ ▭▭▭ ▭▭ ▭▭▭▭▭▭ ▭▭▭ ▭▭▭▭ ▭▭▭ ▭▭▭▭ ▭▭ ▭▭▭▭▭ ▭▭▭ ▭▭▭▭ ▭▭▭ ▭▭ ▭▭▭▭▭▭ ▭▭▭ ▭▭▭▭ ▭▭▭ ▭▭▭▭ ▭▭ ▭▭▭▭▭ ▭▭▭ ▭▭▭▭ ▭▭▭ ▭▭ ▭▭▭▭▭▭ ▭▭▭ ▭▭▭▭ ▭▭▭ ▭▭▭▭ ▭▭ ▭▭▭▭▭ ▭▭▭ ▭▭▭▭ ▭▭▭ ▭▭ ▭▭▭▭▭▭ ▭▭▭ ▭▭▭▭ ▭▭▭ ▭▭▭▭ ▭▭ ▭▭▭▭▭ ▭▭▭ ▭▭▭▭ ▭▭▭ ▭▭ ▭▭▭▭▭▭ ▭▭▭ ▭▭▭▭ ▭▭▭ ▭▭▭▭ ▭▭ ▭▭▭▭▭ ▭▭▭ ▭▭▭▭ ▭▭▭ ▭▭ ▭▭▭▭▭▭ ▭▭▭ ▭▭▭▭ ▭▭▭ ▭▭▭▭ ▭▭ ▭▭▭▭▭ ▭▭▭ ▭▭▭▭ ▭▭▭ ▭▭ ▭▭▭▭▭▭ ▭▭▭ ▭▭▭▭ ▭▭▭ ▭▭▭▭ ▭▭ ▭▭▭▭▭ ▭▭▭ ▭▭▭▭ ▭▭▭ ▭▭ ▭▭▭▭▭▭ ▭▭▭ ▭▭▭▭ ▭▭▭ ▭▭▭▭ ▭▭ ▭▭▭▭▭ ▭▭▭ ▭▭▭▭ ▭▭▭ ▭▭ ▭▭▭▭▭▭ ▭▭▭ ▭▭▭▭ ▭▭▭ ▭▭▭▭ ▭▭ ▭▭▭▭▭ ▭▭▭ ▭▭▭▭ ▭▭▭ ▭▭ ▭▭▭▭▭▭ ▭▭▭ ▭▭▭▭ ▭▭▭ ▭▭▭▭ ▭▭ ▭▭▭▭▭ ▭▭▭ ▭▭▭▭ ▭▭▭ ▭▭ ▭▭▭▭▭▭ ▭▭▭ ▭▭▭▭ ▭▭▭ ▭▭▭▭ ▭▭ ▭▭▭▭▭ ▭▭▭ ▭▭▭▭ ▭▭▭ ▭▭ ▭▭▭▭▭▭ ▭▭▭ ▭▭▭▭ ▭▭▭ ▭▭▭▭ ▭▭ ▭▭▭▭▭ ▭▭▭ ▭▭▭▭ ▭▭▭ ▭▭ ▭▭▭▭▭▭ ▭▭▭ ▭▭▭▭ ▭▭▭ ▭▭▭▭ ▭▭ ▭▭▭▭▭ ▭▭▭ ▭▭▭▭ ▭▭▭ ▭▭ ▭▭▭▭▭▭ ▭▭▭ ▭▭▭▭ ▭▭▭ ▭▭▭▭ ▭▭ ▭▭▭▭▭ ▭▭▭ ▭▭▭▭ ▭▭▭ ▭▭ ▭▭▭▭▭▭ ▭▭▭ ▭▭▭▭ ▭▭▭ ▭▭▭▭ ▭▭ ▭▭▭▭▭ ▭▭▭ ▭▭▭▭ ▭▭▭ ▭▭ ▭▭▭▭▭▭ ▭▭▭ ▭▭▭▭ ▭▭▭ ▭▭▭▭ ▭▭ ▭▭▭▭▭ ▭▭▭ ▭▭▭▭ ▭▭▭ ▭▭ ▭▭▭▭▭▭ ▭▭▭ ▭▭▭▭ ▭▭▭ ▭▭▭▭ ▭▭ ▭▭▭▭▭ ▭▭▭ ▭▭▭▭ ▭▭▭ ▭▭ ▭▭▭▭▭▭ ▭▭▭ ▭▭▭▭ ▭▭▭ ▭▭▭▭ ▭▭ ▭▭▭▭▭ ▭▭▭ ▭▭▭▭ ▭▭▭ ▭▭ ▭▭▭▭▭▭ ▭▭▭ ▭▭▭▭ ▭▭▭ ▭▭▭▭ ▭▭ ▭▭▭▭▭ ▭▭▭ ▭▭▭▭ ▭▭▭ ▭▭ ▭▭▭▭▭▭ ▭▭▭ ▭▭▭▭ ▭▭▭ ▭▭▭▭ ▭▭ ▭▭▭▭▭ ▭▭▭ ▭▭▭▭ ▭▭▭ ▭▭ ▭▭▭▭▭▭ ▭▭▭ ▭▭▭▭ ▭▭▭ ▭▭▭▭ ▭▭ ▭▭▭▭▭ ▭▭▭ ▭▭▭▭ ▭▭▭ ▭▭ ▭▭▭▭▭▭ ▭▭▭ ▭▭▭▭ ▭▭▭ ▭▭▭▭ ▭▭ ▭▭▭▭▭ ▭▭▭ ▭▭▭▭ ▭▭▭ ▭▭ ▭▭▭▭▭▭ ▭▭▭ ▭▭▭▭ ▭▭▭ ▭▭▭▭ ▭▭ ▭▭▭▭▭ ▭▭▭ ▭▭▭▭ ▭▭▭ ▭▭ ▭▭▭▭▭▭ ▭▭▭ ▭▭▭▭ ▭▭▭ ▭▭▭▭ ▭▭ ▭▭▭▭▭ ▭▭▭ ▭▭▭▭ ▭▭▭ ▭▭ ▭▭▭▭▭▭ ▭▭▭ ▭▭▭▭ ▭▭▭ ▭▭▭▭ ▭▭ ▭▭▭▭▭ ▭▭▭ ▭▭▭▭ ▭▭▭ ▭▭ ▭▭▭▭▭▭ ▭▭▭ ▭▭▭▭ ▭▭▭ ▭▭▭▭ ▭▭ ▭▭▭▭▭ ▭▭▭ ▭▭▭▭ ▭▭▭ ▭▭ ▭▭▭▭▭▭ ▭▭▭ ▭▭▭▭ ▭▭▭ ▭▭▭▭ ▭▭ ▭▭▭▭▭ ▭▭▭ ▭▭▭▭ ▭▭▭ ▭▭ ▭▭▭▭▭▭ ▭▭▭ ▭▭▭▭ ▭▭▭ ▭▭▭▭ ▭▭ ▭▭▭▭▭ ▭▭▭ ▭▭▭▭ ▭▭▭ ▭▭ ▭▭▭▭▭▭ ▭▭▭ ▭▭▭▭ ▭▭▭ ▭▭▭▭ ▭▭ ▭▭▭▭▭ ▭▭▭ ▭▭▭▭ ▭▭▭ ▭▭ ▭▭▭▭▭▭ ▭▭▭ ▭▭▭▭ ▭▭▭ ▭▭▭▭ ▭▭ ▭▭▭▭▭ ▭▭▭ ▭▭▭▭ ▭▭▭ ▭▭ ▭▭▭▭▭▭ ▭▭▭ ▭▭▭▭ ▭▭▭ ▭▭▭▭ ▭▭ ▭▭▭▭▭ ▭▭▭ ▭▭▭▭ ▭▭▭ ▭▭ ▭▭▭▭▭▭ ▭▭▭ ▭▭▭▭ ▭▭▭ ▭▭▭▭ ▭▭ ▭▭▭▭▭ ▭▭▭ ▭▭▭▭ ▭▭▭ ▭▭ ▭▭▭▭▭▭ ▭▭▭ ▭▭▭▭ ▭▭▭ ▭▭▭▭ ▭▭ ▭▭▭▭▭ ▭▭▭ ▭▭▭▭ ▭▭▭ ▭▭ ▭▭▭▭▭▭ ▭▭▭ ▭▭▭▭ ▭▭▭ ▭▭▭▭ ▭▭ ▭▭▭▭▭ ▭▭▭ ▭▭▭▭ ▭▭▭ ▭▭ ▭▭▭▭▭▭ ▭▭▭ ▭▭▭▭ ▭▭▭ ▭▭▭▭ ▭▭ ▭▭▭▭▭ ▭▭▭ ▭▭▭▭ ▭▭▭ ▭▭ ▭▭▭▭▭▭ ▭▭▭ ▭▭▭▭ ▭▭▭ ▭▭▭▭ ▭▭ ▭▭▭▭▭ ▭▭▭ ▭▭▭▭ ▭▭▭ ▭▭ ▭▭▭▭▭▭ ▭▭▭ ▭▭▭▭ ▭▭▭ ▭▭▭▭ ▭▭ ▭▭▭▭▭ ▭▭▭ ▭▭▭▭ ▭▭▭ ▭▭ ▭▭▭▭▭▭ ▭▭▭ ▭▭▭▭ ▭▭▭ ▭▭▭▭ ▭▭ ▭▭▭▭▭ ▭▭▭ ▭▭▭▭ ▭▭▭ ▭▭ ▭▭▭▭▭▭ ▭▭▭ ▭▭▭▭ ▭▭▭ ▭▭▭▭ ▭▭ ▭▭▭▭▭ ▭▭▭ ▭▭▭▭ ▭▭▭ ▭▭ ▭▭▭▭▭▭ ▭▭▭ ▭▭▭▭ ▭▭▭ ▭▭▭▭ ▭▭ ▭▭▭▭▭ ▭▭▭ ▭▭▭▭ ▭▭▭ ▭▭ ▭▭▭▭▭▭ ▭▭▭ ▭▭▭▭ ▭▭▭ ▭▭▭▭ ▭▭ ▭▭▭▭▭ ▭▭▭ ▭▭▭▭ ▭▭▭ ▭▭ ▭▭▭▭▭▭ ▭▭▭ ▭▭▭▭ ▭▭▭ ▭▭▭▭ ▭▭ ▭▭▭▭▭ ▭▭▭ ▭▭▭▭ ▭▭▭ ▭▭ ▭▭▭▭▭▭ ▭▭▭ ▭▭▭▭ ▭▭▭ ▭▭▭▭ ▭▭ ▭▭▭▭▭ ▭▭▭ ▭▭▭▭ ▭▭▭ ▭▭ ▭▭▭▭▭▭ ▭▭▭ ▭▭▭▭ ▭▭▭ ▭▭▭▭ ▭▭ ▭▭▭▭▭ ▭▭▭ ▭▭▭▭ ▭▭▭ ▭▭ ▭▭▭▭▭▭ ▭▭▭ ▭▭▭▭ ▭▭▭ ▭▭▭▭ ▭▭ ▭▭▭▭▭ ▭▭▭ ▭▭▭▭ ▭▭▭ ▭▭ ▭▭▭▭▭▭ ▭▭▭ ▭▭▭▭ ▭▭▭ ▭▭▭▭ ▭▭ ▭▭▭▭▭ ▭▭▭ ▭▭▭▭ ▭▭▭ ▭▭ ▭▭▭▭▭▭ ▭▭▭ ▭▭▭▭ ▭▭▭ ▭▭▭▭ ▭▭ ▭▭▭▭▭ ▭▭▭ ▭▭▭▭ ▭▭▭ ▭▭ ▭▭▭▭▭▭ ▭▭▭ ▭▭▭▭ ▭▭▭ ▭▭▭▭ ▭▭ ▭▭▭▭▭ ▭▭▭ ▭▭▭▭ ▭▭▭ ▭▭ ▭▭▭▭▭▭ ▭▭▭ ▭▭▭▭ ▭▭▭ ▭▭▭▭ ▭▭ ▭▭▭▭▭ ▭▭▭ ▭▭▭▭ ▭▭▭ ▭▭ ▭▭▭▭▭▭ ▭▭▭ ▭▭▭▭ ▭▭▭ ▭▭▭▭ ▭▭ ▭▭▭▭▭ ▭▭▭ ▭▭▭▭ ▭▭▭ ▭▭ ▭▭▭▭▭▭ ▭▭▭ ▭▭▭▭ ▭▭▭ ▭▭▭▭ ▭▭ ▭▭▭▭▭ ▭▭▭ ▭▭▭▭ ▭▭▭ ▭▭ ▭▭▭▭▭▭ ▭▭▭ ▭▭▭▭ ▭▭▭ ▭▭▭▭ ▭▭ ▭▭▭▭▭ ▭▭▭ ▭▭▭▭ ▭▭▭ ▭▭ ▭▭▭▭▭▭ ▭▭▭ ▭▭▭▭ ▭▭▭ ▭▭▭▭ ▭▭ ▭▭▭▭▭ ▭▭▭ ▭▭▭▭ ▭▭▭ ▭▭ ▭▭▭▭▭▭ ▭▭▭ ▭▭▭▭ ▭▭▭ ▭▭▭▭ ▭▭ ▭▭▭▭▭ ▭▭▭ ▭▭▭▭ ▭▭▭ ▭▭ ▭▭▭▭▭▭ ▭▭▭ ▭▭▭▭ ▭▭▭ ▭▭▭▭ ▭▭ ▭▭▭▭▭ ▭▭▭ ▭▭▭▭ ▭▭▭ ▭▭ ▭▭▭▭▭▭ ▭▭▭ ▭▭▭▭ ▭▭▭ ▭▭▭▭ ▭▭ ▭▭▭▭▭ ▭▭▭ ▭▭▭▭ ▭▭▭ ▭▭ ▭▭▭▭▭▭ ▭▭▭ ▭▭▭▭ ▭▭▭ ▭▭▭▭ ▭▭ ▭▭▭▭▭ ▭▭▭ ▭▭▭▭ ▭▭▭ ▭▭ ▭▭▭▭▭▭ ▭▭▭ ▭▭▭▭ ▭▭▭ ▭▭▭▭ ▭▭ ▭▭▭▭▭ ▭▭▭ ▭▭▭▭ ▭▭▭ ▭▭ ▭▭▭▭▭▭ ▭▭▭ ▭▭▭▭ ▭▭▭ ▭▭▭▭ ▭▭ ▭▭▭▭▭ ▭▭▭ ▭▭▭▭ ▭▭▭ ▭▭ ▭▭▭▭▭▭ ▭▭▭ ▭▭▭▭ ▭▭▭ ▭▭▭▭ ▭▭ ▭▭▭▭▭ ▭▭▭ ▭▭▭▭ ▭▭▭ ▭▭ ▭▭▭▭▭▭ ▭▭▭ ▭▭▭▭ ▭▭▭ ▭▭▭▭ ▭▭ ▭▭▭▭▭ ▭▭▭ ▭▭▭▭ ▭▭▭ ▭▭ ▭▭▭▭▭▭ ▭▭▭ ▭▭▭▭ ▭▭▭ ▭▭▭▭ ▭▭ ▭▭▭▭▭ ▭▭▭ ▭▭▭▭ ▭▭▭ ▭▭ ▭▭▭▭▭▭ ▭▭▭ ▭▭▭▭ ▭▭▭ ▭▭▭▭ ▭▭ ▭▭▭▭▭ ▭▭▭ ▭▭▭▭ ▭▭▭ ▭▭ ▭▭▭▭▭▭ ▭▭▭ ▭▭▭▭ ▭▭▭ ▭▭▭▭ ▭▭ ▭▭▭▭▭ ▭▭▭ ▭▭▭▭ ▭▭▭ ▭▭ ▭▭▭▭▭▭ ▭▭▭ ▭▭▭▭ ▭▭▭ ▭▭▭▭ ▭▭ ▭▭▭▭▭ ▭▭▭ ▭▭▭▭ ▭▭▭ ▭▭ ▭▭▭▭▭▭ ▭▭▭ ▭▭▭▭ ▭▭▭ ▭▭▭▭ ▭▭ ▭▭▭▭▭ ▭▭▭ ▭▭▭▭ ▭▭▭ ▭▭ ▭▭▭▭▭▭ ▭▭▭ ▭▭▭▭ ▭▭▭ ▭▭▭▭ ▭▭ ▭▭▭▭▭ ▭▭▭ ▭▭▭▭ ▭▭▭ ▭▭ ▭▭▭▭▭▭ ▭▭▭ ▭▭▭▭ ▭▭▭ ▭▭▭▭ ▭▭ ▭▭▭▭▭ ▭▭▭ ▭▭▭▭ ▭▭▭ ▭▭ ▭▭▭▭▭▭ ▭▭▭ ▭▭▭▭ ▭▭▭ ▭▭▭▭ ▭▭ ▭▭▭▭▭ ▭▭▭ ▭▭▭▭ ▭▭▭ ▭▭ ▭▭▭▭▭▭ ▭▭▭ ▭▭▭▭ ▭▭▭ ▭▭▭▭ ▭▭ ▭▭▭▭▭ ▭▭▭ ▭▭▭▭ ▭▭▭ ▭▭ ▭▭▭▭▭▭ ▭▭▭ ▭▭▭▭ ▭▭▭ ▭▭▭▭ ▭▭ ▭▭▭▭▭ ▭▭▭ ▭▭▭▭ ▭▭▭ ▭▭ ▭▭▭▭▭▭ ▭▭▭ ▭▭▭▭ ▭▭▭ ▭▭▭▭ ▭▭ ▭▭▭▭▭ ▭▭▭ ▭▭▭▭ ▭▭▭ ▭▭ ▭▭▭▭▭▭ ▭▭▭ ▭▭▭▭ ▭▭▭ ▭▭▭▭ ▭▭ ▭▭▭▭▭ ▭▭▭ ▭▭▭▭ ▭▭▭ ▭▭ ▭▭▭▭▭▭ ▭▭▭ ▭▭▭▭ ▭▭▭ ▭▭▭▭ ▭▭ ▭▭▭▭▭ ▭▭▭ ▭▭▭▭ ▭▭▭ ▭▭ ▭▭▭▭▭▭ ▭▭▭ ▭▭▭▭ ▭▭▭ ▭▭▭▭ ▭▭ ▭▭▭▭▭ ▭▭▭ ▭▭▭▭ ▭▭▭ ▭▭ ▭▭▭▭▭▭ ▭▭▭ ▭▭▭▭ ▭▭▭ ▭▭▭▭ ▭▭ ▭▭▭▭▭ ▭▭▭ ▭▭▭▭ ▭▭▭ ▭▭ ▭▭▭▭▭▭ ▭▭▭ ▭▭▭▭ ▭▭▭ ▭▭▭▭ ▭▭ ▭▭▭▭▭ ▭▭▭ ▭▭▭▭ ▭▭▭ ▭▭ ▭▭▭▭▭▭ ▭▭▭ ▭▭▭▭ ▭▭▭ ▭▭▭▭ ▭▭ ▭▭▭▭▭ ▭▭▭ ▭▭▭▭ ▭▭▭ ▭▭ ▭▭▭▭▭▭ ▭▭▭ ▭▭▭▭ ▭▭▭ ▭▭▭▭ ▭▭ ▭▭▭▭▭ ▭▭▭ ▭▭▭▭ ▭▭▭ ▭▭ ▭▭▭▭▭▭ ▭▭▭ ▭▭▭▭ ▭▭▭ ▭▭▭▭ ▭▭ ▭▭▭▭▭ ▭▭▭ ▭▭▭▭ ▭▭▭ ▭▭ ▭▭▭▭▭▭ ▭▭▭ ▭▭▭▭ ▭▭▭ ▭▭▭▭ ▭▭ ▭▭▭▭▭ ▭▭▭ ▭▭▭▭ ▭▭▭ ▭▭ ▭▭▭▭▭▭ ▭▭▭ ▭▭▭▭ ▭▭▭ ▭▭▭▭ ▭▭ ▭▭▭▭▭ ▭▭▭ ▭▭▭▭ ▭▭▭ ▭▭ ▭▭▭▭▭▭ ▭▭▭ ▭▭▭▭ ▭▭▭ ▭▭▭▭ ▭▭ ▭▭▭▭▭ ▭▭▭ ▭▭▭▭ ▭▭▭ ▭▭ ▭▭▭▭▭▭ ▭▭▭ ▭▭▭▭ ▭▭▭ ▭▭▭▭ ▭▭ ▭▭▭▭▭ ▭▭▭ ▭▭▭▭ ▭▭▭ ▭▭ ▭▭▭▭▭▭ ▭▭▭ ▭▭▭▭ ▭▭▭ ▭▭▭▭ ▭▭ ▭▭▭▭▭ ▭▭▭ ▭▭▭▭ ▭▭▭ ▭▭ ▭▭▭▭▭▭ ▭▭▭ ▭▭▭▭ ▭▭▭ ▭▭▭▭ ▭▭ ▭▭▭▭▭ ▭▭▭ ▭▭▭▭ ▭▭▭ ▭▭ ▭▭▭▭▭▭ ▭▭▭ ▭▭▭▭ ▭▭▭ ▭▭▭▭ ▭▭ ▭▭▭▭▭ ▭▭▭ ▭▭▭▭ ▭▭▭ ▭▭ ▭▭▭▭▭▭ ▭▭▭ ▭▭▭▭ ▭▭▭ ▭▭▭▭ ▭▭ ▭▭▭▭▭ ▭▭▭ ▭▭▭▭ ▭▭▭ ▭▭ ▭▭▭▭▭▭ ▭▭▭ ▭▭▭▭ ▭▭▭ ▭▭▭▭ ▭▭ ▭▭▭▭▭ ▭▭▭ ▭▭▭▭ ▭▭▭ ▭▭ ▭▭▭▭▭▭ ▭▭▭ ▭▭▭▭ ▭▭▭ ▭▭▭▭ ▭▭ ▭▭▭▭▭ ▭▭▭ ▭▭▭▭ ▭▭▭ ▭▭ ▭▭▭▭▭▭ ▭▭▭ ▭▭▭▭ ▭▭▭ ▭▭▭▭ ▭▭ ▭▭▭▭▭ ▭▭▭ ▭▭▭▭ ▭▭▭ ▭▭ ▭▭▭▭▭▭ ▭▭▭ ▭▭▭▭ ▭▭▭ ▭▭▭▭ ▭▭ ▭▭▭▭▭ ▭▭▭ ▭▭▭▭ ▭▭▭ ▭▭ ▭▭▭▭▭▭ ▭▭▭ ▭▭▭▭ ▭▭▭ ▭▭▭▭ ▭▭ ▭▭▭▭▭ ▭▭▭ ▭▭▭▭ ▭▭▭ ▭▭ ▭▭▭▭▭▭ ▭▭▭ ▭▭▭▭ ▭▭▭ ▭▭▭▭ ▭▭ ▭▭▭▭▭ ▭▭▭ ▭▭▭▭ ▭▭▭ ▭▭ ▭▭▭▭▭▭ ▭▭▭ ▭▭▭▭ ▭▭▭ ▭▭▭▭ ▭▭ ▭▭▭▭▭ ▭▭▭ ▭▭▭▭ ▭▭▭ ▭▭ ▭▭▭▭▭▭ ▭▭▭ ▭▭▭▭ ▭▭▭ ▭▭▭▭ ▭▭ ▭▭▭▭▭ ▭▭▭ ▭▭▭▭ ▭▭▭ ▭▭ ▭▭▭▭▭▭ ▭▭▭ ▭▭▭▭ ▭▭▭ ▭▭▭▭ ▭▭ ▭▭▭▭▭ ▭▭▭ ▭▭▭▭ ▭▭▭ ▭▭ ▭▭▭▭▭▭ ▭▭▭ ▭▭▭▭ ▭▭▭ ▭▭▭▭ ▭▭ ▭▭▭▭▭ ▭▭▭ ▭▭▭▭ ▭▭▭ ▭▭ ▭▭▭▭▭▭ ▭▭▭ ▭▭▭▭ ▭▭▭ ▭▭▭▭ ▭▭ ▭▭▭▭▭ ▭▭▭ ▭▭▭▭ ▭▭▭ ▭▭ ▭▭▭▭▭▭ ▭▭▭ ▭▭▭▭ ▭▭▭ ▭▭▭▭ ▭▭ ▭▭▭▭▭ ▭▭▭ ▭▭▭▭ ▭▭▭ ▭▭ ▭▭▭▭▭▭ ▭▭▭ ▭▭▭▭ ▭▭▭ ▭▭▭▭ ▭▭ ▭▭▭▭▭ ▭▭▭ ▭▭▭▭ ▭▭▭ ▭▭ ▭▭▭▭▭▭ ▭▭▭ ▭▭▭▭ ▭▭▭ ▭▭▭▭ ▭▭ ▭▭▭▭▭ ▭▭▭ ▭▭▭▭ ▭▭▭ ▭▭ ▭▭▭▭▭▭ ▭▭▭ ▭▭▭▭ ▭▭▭ ▭▭▭▭ ▭▭ ▭▭▭▭▭ ▭▭▭ ▭▭▭▭ ▭▭▭ ▭▭ ▭▭▭▭▭▭ ▭▭▭ ▭▭▭▭ ▭▭▭ ▭▭▭▭ ▭▭ ▭▭▭▭▭ ▭▭▭ ▭▭▭▭ ▭▭▭ ▭▭ ▭▭▭▭▭▭ ▭▭▭ ▭▭▭▭ ▭▭▭ ▭▭▭▭ ▭▭ ▭▭▭▭▭ ▭▭▭ ▭▭▭▭ ▭▭▭ ▭▭ ▭▭▭▭▭▭ ▭▭▭ ▭▭▭▭ ▭▭▭ ▭▭▭▭ ▭▭ ▭▭▭▭▭ ▭▭▭ ▭▭▭▭ ▭▭▭ ▭▭ ▭▭▭▭▭▭ ▭▭▭ ▭▭▭▭ ▭▭▭ ▭▭▭▭ ▭▭ ▭▭▭▭▭ ▭▭▭ ▭▭▭▭ ▭▭▭ ▭▭ ▭▭▭▭▭▭ ▭▭▭ ▭▭▭▭ ▭▭▭ ▭▭▭▭ ▭▭ ▭▭▭▭▭ ▭▭▭ ▭▭▭▭ ▭▭▭ ▭▭ ▭▭▭▭▭▭ ▭▭▭ ▭▭▭▭ ▭▭▭ ▭▭▭▭ ▭▭ ▭▭▭▭▭ ▭▭▭ ▭▭▭▭ ▭▭▭ ▭▭ ▭▭▭▭▭▭ ▭▭▭ ▭▭▭▭ ▭▭▭ ▭▭▭▭ ▭▭ ▭▭▭▭▭ ▭▭▭ ▭▭▭▭ ▭▭▭ ▭▭ ▭▭▭▭▭▭ ▭▭▭ ▭▭▭▭ ▭▭▭ ▭▭▭▭ ▭▭ ▭▭▭▭▭ ▭▭▭ ▭▭▭▭ ▭▭▭ ▭▭ ▭▭▭▭▭▭ ▭▭▭ ▭▭▭▭ ▭▭▭ ▭▭▭▭ ▭▭ ▭▭▭▭▭ ▭▭▭ ▭▭▭▭ ▭▭▭ ▭▭ ▭▭▭▭▭▭ ▭▭▭ ▭▭▭▭ ▭▭▭ ▭▭▭▭ ▭▭ ▭▭▭▭▭ ▭▭▭ ▭▭▭▭ ▭▭▭ ▭▭ ▭▭▭▭▭▭ ▭▭▭ ▭▭▭▭ ▭▭▭ ▭▭▭▭ ▭▭ ▭▭▭▭▭ ▭▭▭ ▭▭▭▭ ▭▭▭ ▭▭ ▭▭▭▭▭▭ ▭▭▭ ▭▭▭▭ ▭▭▭ ▭▭▭▭ ▭▭ ▭▭▭▭▭ ▭▭▭ ▭▭▭▭ ▭▭▭ ▭▭ ▭▭▭▭▭▭ ▭▭▭ ▭▭▭▭ ▭▭▭ ▭▭▭▭ ▭▭ ▭▭▭▭▭ ▭▭▭ ▭▭▭▭ ▭▭▭ ▭▭ ▭▭▭▭▭▭ ▭▭▭ ▭▭▭▭ ▭▭▭ ▭▭▭▭ ▭▭ ▭▭▭▭▭ ▭▭▭ ▭▭▭▭ ▭▭▭ ▭▭ ▭▭▭▭▭▭ ▭▭▭ ▭▭▭▭ ▭▭▭ ▭▭▭▭ ▭▭ ▭▭▭▭▭ ▭▭▭ ▭▭▭▭ ▭▭▭ ▭▭ ▭▭▭▭▭▭ ▭▭▭ ▭▭▭▭ ▭▭▭ ▭▭▭▭ ▭▭ ▭▭▭▭▭ ▭▭▭ ▭▭▭▭ ▭▭▭ ▭▭ ▭▭▭▭▭▭ ▭▭▭ ▭▭▭▭ ▭▭▭ ▭▭▭▭ ▭▭ ▭▭▭▭▭ ▭▭▭ ▭▭▭▭ ▭▭▭ ▭▭ ▭▭▭▭▭▭ ▭▭▭ ▭▭▭▭
FURNISHED ROOMS FOR RENT
▭▭▭ ▭▭▭▭ ▭▭ ▭▭▭▭▭ ▭▭▭ ▭▭▭▭ ▭▭▭ ▭▭ ▭▭▭▭▭▭ ▭▭▭ ▭▭▭▭ ▭▭▭ ▭▭▭▭ ▭▭ ▭▭▭▭▭ ▭▭▭ ▭▭▭▭ ▭▭▭ ▭▭ ▭▭▭▭▭▭ ▭▭▭ ▭▭▭▭ ▭▭▭ ▭▭▭▭ ▭▭ ▭▭▭▭▭ ▭▭▭ ▭▭▭▭ ▭▭▭ ▭▭ ▭▭▭▭▭▭ ▭▭▭ ▭▭▭▭ ▭▭▭ ▭▭▭▭ ▭▭ ▭▭▭▭▭ ▭▭▭ ▭▭▭▭ ▭▭▭ ▭▭ ▭▭▭▭▭▭ ▭▭▭ ▭▭▭▭ ▭▭▭ ▭▭▭▭ ▭▭ ▭▭▭▭▭ ▭▭▭ ▭▭▭▭ ▭▭▭ ▭▭ ▭▭▭▭▭▭ ▭▭▭ ▭▭▭▭ ▭▭▭ ▭▭▭▭ ▭▭ ▭▭▭▭▭ ▭▭▭ ▭▭▭▭ ▭▭▭ ▭▭ ▭▭▭▭▭▭ ▭▭▭ ▭▭▭▭ ▭▭▭ ▭▭▭▭ ▭▭ ▭▭▭▭▭ ▭▭▭ ▭▭▭▭ ▭▭▭ ▭▭ ▭▭▭▭▭▭ ▭▭▭ ▭▭▭▭ ▭▭▭ ▭▭▭▭ ▭▭ ▭▭▭▭▭ ▭▭▭ ▭▭▭▭ ▭▭▭ ▭▭ ▭▭▭▭▭▭ ▭▭▭ ▭▭▭▭ ▭▭▭ ▭▭▭▭ ▭▭ ▭▭▭▭▭ ▭▭▭ ▭▭▭▭ ▭▭▭ ▭▭ ▭▭▭▭▭▭ ▭▭▭ ▭▭▭▭ ▭▭▭ ▭▭▭▭ ▭▭ ▭▭▭▭▭ ▭▭▭ ▭▭▭▭ ▭▭▭ ▭▭ ▭▭▭▭▭▭ ▭▭▭ ▭▭▭▭ ▭▭▭ ▭▭▭▭ ▭▭ ▭▭▭▭▭ ▭▭▭ ▭▭▭▭ ▭▭▭ ▭▭ ▭▭▭▭▭▭ ▭▭▭ ▭▭▭▭ ▭▭▭ ▭▭▭▭ ▭▭ ▭▭▭▭▭ ▭▭▭ ▭▭▭▭ ▭▭▭ ▭▭ ▭▭▭▭▭▭ ▭▭▭ ▭▭▭▭ ▭▭▭ ▭▭▭▭ ▭▭ ▭▭▭▭▭ ▭▭▭ ▭▭▭▭ ▭▭▭ ▭▭ ▭▭▭▭▭▭ ▭▭▭ ▭▭▭▭ ▭▭▭ ▭▭▭▭ ▭▭ ▭▭▭▭▭ ▭▭▭ ▭▭▭▭ ▭▭▭ ▭▭ ▭▭▭▭▭▭ ▭▭▭ ▭▭▭▭ ▭▭▭ ▭▭▭▭ ▭▭ ▭▭▭▭▭ ▭▭▭ ▭▭▭▭ ▭▭▭ ▭▭ ▭▭▭▭▭▭ ▭▭▭ ▭▭▭▭ ▭▭▭ ▭▭▭▭ ▭▭ ▭▭▭▭▭ ▭▭▭ ▭▭▭▭ ▭▭▭ ▭▭ ▭▭▭▭▭▭ ▭▭▭ ▭▭▭▭ ▭▭▭ ▭▭▭▭ ▭▭ ▭▭▭▭▭ ▭▭▭ ▭▭▭▭ ▭▭▭ ▭▭ ▭▭▭▭▭▭ ▭▭▭ ▭▭▭▭ ▭▭▭ ▭▭▭▭ ▭▭ ▭▭▭▭▭ ▭▭▭ ▭▭▭▭ ▭▭▭ ▭▭ ▭▭▭▭▭▭ ▭▭▭ ▭▭▭▭ ▭▭▭ ▭▭▭▭ ▭▭ ▭▭▭▭▭ ▭▭▭ ▭▭▭▭ ▭▭▭ ▭▭ ▭▭▭▭▭▭ ▭▭▭ ▭▭▭▭ ▭▭▭ ▭▭▭▭ ▭▭ ▭▭▭▭▭ ▭▭▭ ▭▭▭▭ ▭▭▭ ▭▭ ▭▭▭▭▭▭ ▭▭▭ ▭▭▭▭ ▭▭▭ ▭▭▭▭ ▭▭ ▭▭▭▭▭ ▭▭▭ ▭▭▭▭ ▭▭▭ ▭▭ ▭▭▭▭▭▭ ▭▭▭ ▭▭▭▭ ▭▭▭ ▭▭▭▭ ▭▭ ▭▭▭▭▭ ▭▭▭ ▭▭▭▭ ▭▭▭ ▭▭ ▭▭▭▭▭▭ ▭▭▭ ▭▭▭▭ ▭▭▭ ▭▭▭▭ ▭▭ ▭▭▭▭▭ ▭▭▭ ▭▭▭▭ ▭▭▭ ▭▭ ▭▭▭▭▭▭ ▭▭▭ ▭▭▭▭ ▭▭▭ ▭▭▭▭ ▭▭ ▭▭▭▭▭ ▭▭▭ ▭▭▭▭ ▭▭▭ ▭▭ ▭▭▭▭▭▭ ▭▭▭ ▭▭▭▭ ▭▭▭ ▭▭▭▭ ▭▭ ▭▭▭▭▭ ▭▭▭ ▭▭▭▭ ▭▭▭ ▭▭ ▭▭▭▭▭▭ ▭▭▭ ▭▭▭▭ ▭▭▭ ▭▭▭▭ ▭▭ ▭▭▭▭▭ ▭▭▭ ▭▭▭▭ ▭▭▭ ▭▭ ▭▭▭▭▭▭ ▭▭▭ ▭▭▭▭ ▭▭▭ ▭▭▭▭ ▭▭ ▭▭▭▭▭ ▭▭▭ ▭▭▭▭ ▭▭▭ ▭▭ ▭▭▭▭▭▭ ▭▭▭ ▭▭▭▭ ▭▭▭ ▭▭▭▭ ▭▭ ▭▭▭▭▭ ▭▭▭ ▭▭▭▭ ▭▭▭ ▭▭ ▭▭▭▭▭▭ ▭▭▭ ▭▭▭▭ ▭▭▭ ▭▭▭▭ ▭▭ ▭▭▭▭▭ ▭▭▭ ▭▭▭▭ ▭▭▭ ▭▭ ▭▭▭▭▭▭ ▭▭▭ ▭▭▭▭ ▭▭▭ ▭▭▭▭ ▭▭ ▭▭▭▭▭ ▭▭▭ ▭▭▭▭ ▭▭▭ ▭▭ ▭▭▭▭▭▭ ▭▭▭ ▭▭▭▭ ▭▭▭ ▭▭▭▭ ▭▭ ▭▭▭▭▭ ▭▭▭ ▭▭▭▭ ▭▭▭ ▭▭ ▭▭▭▭▭▭ ▭▭▭ ▭▭▭▭ ▭▭▭ ▭▭▭▭ ▭▭ ▭▭▭▭▭ ▭▭▭ ▭▭▭▭ ▭▭▭ ▭▭ ▭▭▭▭▭▭ ▭▭▭ ▭▭▭▭ ▭▭▭ ▭▭▭▭ ▭▭ ▭▭▭▭▭ ▭▭▭ ▭▭▭▭ ▭▭▭ ▭▭ ▭▭▭▭▭▭ ▭▭▭ ▭▭▭▭ ▭▭▭ ▭▭▭▭ ▭▭ ▭▭▭▭▭ ▭▭▭ ▭▭▭▭ ▭▭▭ ▭▭ ▭▭▭▭▭▭ ▭▭▭ ▭▭▭▭ ▭▭▭ ▭▭▭▭ ▭▭ ▭▭▭▭▭ ▭▭▭ ▭▭▭▭ ▭▭▭ ▭▭ ▭▭▭▭▭▭ ▭▭▭ ▭▭▭▭ ▭▭▭ ▭▭▭▭ ▭▭ ▭▭▭▭▭ ▭▭▭ ▭▭▭▭ ▭▭▭ ▭▭ ▭▭▭▭▭▭ ▭▭▭ ▭▭▭▭ ▭▭▭ ▭▭▭▭ ▭▭ ▭▭▭▭▭ ▭▭▭ ▭▭▭▭ ▭▭▭ ▭▭ ▭▭▭▭▭▭ ▭▭▭ ▭▭▭▭ ▭▭▭ ▭▭▭▭ ▭▭ ▭▭▭▭▭ ▭▭▭ ▭▭▭▭ ▭▭▭ ▭▭ ▭▭▭▭▭▭ ▭▭▭ ▭▭▭▭ ▭▭▭ ▭▭▭▭ ▭▭ ▭▭▭▭▭ ▭▭▭ ▭▭▭▭ ▭▭▭ ▭▭ ▭▭▭▭▭▭ ▭▭▭ ▭▭▭▭ ▭▭▭ ▭▭▭▭ ▭▭ ▭▭▭▭▭ ▭▭▭ ▭▭▭▭ ▭▭▭ ▭▭ ▭▭▭▭▭▭ ▭▭▭ ▭▭▭▭ ▭▭▭ ▭▭▭▭ ▭▭ ▭▭▭▭▭ ▭▭▭ ▭▭▭▭ ▭▭▭ ▭▭ ▭▭▭▭▭▭ ▭▭▭ ▭▭▭▭ ▭▭▭ ▭▭▭▭ ▭▭ ▭▭▭▭▭ ▭▭▭ ▭▭▭▭ ▭▭▭ ▭▭ ▭▭▭▭▭▭ ▭▭▭ ▭▭▭▭ ▭▭▭ ▭▭▭▭ ▭▭ ▭▭▭▭▭ ▭▭▭ ▭▭▭▭ ▭▭▭ ▭▭ ▭▭▭▭▭▭ ▭▭▭ ▭▭▭▭ ▭▭▭ ▭▭▭▭ ▭▭ ▭▭▭▭▭ ▭▭▭ ▭▭▭▭ ▭▭▭ ▭▭ ▭▭▭▭▭▭ ▭▭▭ ▭▭▭▭ ▭▭▭ ▭▭▭▭ ▭▭ ▭▭▭▭▭ ▭▭▭ ▭▭▭▭ ▭▭▭ ▭▭ ▭▭▭▭▭▭ ▭▭▭ ▭▭▭▭ ▭▭▭ ▭▭▭▭ ▭▭ ▭▭▭▭▭ ▭▭▭ ▭▭▭▭ ▭▭▭ ▭▭ ▭▭▭▭▭▭ ▭▭▭ ▭▭▭▭ ▭▭▭ ▭▭▭▭ ▭▭ ▭▭▭▭▭ ▭▭▭ ▭▭▭▭ ▭▭▭ ▭▭ ▭▭▭▭▭▭ ▭▭▭ ▭▭▭▭ ▭▭▭ ▭▭▭▭ ▭▭ ▭▭▭▭▭ ▭▭▭ ▭▭▭▭ ▭▭▭ ▭▭ ▭▭▭▭▭▭ ▭▭▭ ▭▭▭▭ ▭▭▭ ▭▭▭▭ ▭▭ ▭▭▭▭▭ ▭▭▭ ▭▭▭▭ ▭▭▭ ▭▭ ▭▭▭▭▭▭ ▭▭▭ ▭▭▭▭ ▭▭▭ ▭▭▭▭ ▭▭ ▭▭▭▭▭ ▭▭▭ ▭▭▭▭ ▭▭▭ ▭▭ ▭▭▭▭▭▭ ▭▭▭ ▭▭▭▭ ▭▭▭ ▭▭▭▭ ▭▭ ▭▭▭▭▭ ▭▭▭ ▭▭▭▭ ▭▭▭ ▭▭ ▭▭▭▭▭▭ ▭▭▭ ▭▭▭▭ ▭▭▭ ▭▭▭▭ ▭▭ ▭▭▭▭▭ ▭▭▭ ▭▭▭▭ ▭▭▭ ▭▭ ▭▭▭▭▭▭ ▭▭▭ ▭▭▭▭ ▭▭▭ ▭▭▭▭ ▭▭ ▭▭▭▭▭ ▭▭▭ ▭▭▭▭ ▭▭▭ ▭▭ ▭▭▭▭▭▭ ▭▭▭ ▭▭▭▭ ▭▭▭ ▭▭▭▭ ▭▭ ▭▭▭▭▭ ▭▭▭ ▭▭▭▭ ▭▭▭ ▭▭ ▭▭▭▭▭▭ ▭▭▭ ▭▭▭▭ ▭▭▭ ▭▭▭▭ ▭▭ ▭▭▭▭▭ ▭▭▭ ▭▭▭▭ ▭▭▭ ▭▭ ▭▭▭▭▭▭ ▭▭▭ ▭▭▭▭ ▭▭▭ ▭▭▭▭ ▭▭ ▭▭▭▭▭ ▭▭▭ ▭▭▭▭ ▭▭▭ ▭▭ ▭▭▭▭▭▭ ▭▭▭ ▭▭▭▭ ▭▭▭ ▭▭▭▭ ▭▭ ▭▭▭▭▭ ▭▭▭ ▭▭▭▭ ▭▭▭ ▭▭ ▭▭▭▭▭▭ ▭▭▭ ▭▭▭▭ ▭▭▭ ▭▭▭▭ ▭▭ ▭▭▭▭▭ ▭▭▭ ▭▭▭▭ ▭▭▭ ▭▭ ▭▭▭▭▭▭ ▭▭▭ ▭▭▭▭ ▭▭▭ ▭▭▭▭ ▭▭ ▭▭▭▭▭ ▭▭▭ ▭▭▭▭ ▭▭▭ ▭▭ ▭▭▭▭▭▭ ▭▭▭ ▭▭▭▭ ▭▭▭ ▭▭▭▭ ▭▭ ▭▭▭▭▭ ▭▭▭ ▭▭▭▭ ▭▭▭ ▭▭ ▭▭▭▭▭▭ ▭▭▭ ▭▭▭▭ ▭▭▭ ▭▭▭▭ ▭▭ ▭▭▭▭▭ ▭▭▭ ▭▭▭▭ ▭▭▭ ▭▭ ▭▭▭▭▭▭ ▭▭▭ ▭▭▭▭ ▭▭▭ ▭▭▭▭ ▭▭ ▭▭▭▭▭ ▭▭▭ ▭▭▭▭ ▭▭▭ ▭▭ ▭▭▭▭▭▭ ▭▭▭ ▭▭▭▭ ▭▭▭ ▭▭▭▭ ▭▭ ▭▭▭▭▭ ▭▭▭ ▭▭▭▭ ▭▭▭ ▭▭ ▭▭▭▭▭▭ ▭▭▭ ▭▭▭▭ ▭▭▭ ▭▭▭▭ ▭▭ ▭▭▭▭▭ ▭▭▭ ▭▭▭▭ ▭▭▭ ▭▭ ▭▭▭▭▭▭ ▭▭▭ ▭▭▭▭ ▭▭▭ ▭▭▭▭ ▭▭ ▭▭▭▭▭ ▭▭▭ ▭▭▭▭ ▭▭▭ ▭▭ ▭▭▭▭▭▭ ▭▭▭ ▭▭▭▭ ▭▭▭ ▭▭▭▭ ▭▭ ▭▭▭▭▭ ▭▭▭ ▭▭▭▭ ▭▭▭ ▭▭ ▭▭▭▭▭▭ ▭▭▭ ▭▭▭▭ ▭▭▭ ▭▭▭▭ ▭▭ ▭▭▭▭▭ ▭▭▭ ▭▭▭▭ ▭▭▭ ▭▭ ▭▭▭▭▭▭ ▭▭▭ ▭▭▭▭ ▭▭▭ ▭▭▭▭ ▭▭ ▭▭▭▭▭ ▭▭▭ ▭▭▭▭ ▭▭▭ ▭▭ ▭▭▭▭▭▭ ▭▭▭ ▭▭▭▭ ▭▭▭ ▭▭▭▭ ▭▭ ▭▭▭▭▭ ▭▭▭ ▭▭▭▭ ▭▭▭ ▭▭ ▭▭▭▭▭▭ ▭▭▭ ▭▭▭▭ ▭▭▭ ▭▭▭▭ ▭▭ ▭▭▭▭▭ ▭▭▭ ▭▭▭▭ ▭▭▭ ▭▭ ▭▭▭▭▭▭ ▭▭▭ ▭▭▭▭ ▭▭▭ ▭▭▭▭ ▭▭ ▭▭▭▭▭ ▭▭▭ ▭▭▭▭ ▭▭▭ ▭▭ ▭▭▭▭▭▭ ▭▭▭ ▭▭▭▭ ▭▭▭ ▭▭▭▭ ▭▭ ▭▭▭▭▭ ▭▭▭ ▭▭▭▭ ▭▭▭ ▭▭ ▭▭▭▭▭▭ ▭▭▭ ▭▭▭▭ ▭▭▭ ▭▭▭▭ ▭▭ ▭▭▭▭▭ ▭▭▭ ▭▭▭▭ ▭▭▭ ▭▭ ▭▭▭▭▭▭ ▭▭▭ ▭▭▭▭ ▭▭▭ ▭▭▭▭ ▭▭ ▭▭▭▭▭ ▭▭▭ ▭▭▭▭ ▭▭▭ ▭▭ ▭▭▭▭▭▭ ▭▭▭ ▭▭▭▭ ▭▭▭ ▭▭▭▭ ▭▭ ▭▭▭▭▭ ▭▭▭ ▭▭▭▭ ▭▭▭ ▭▭ ▭▭▭▭▭▭ ▭▭▭ ▭▭▭▭ ▭▭▭ ▭▭▭▭ ▭▭ ▭▭▭▭▭ ▭▭▭ ▭▭▭▭ ▭▭▭ ▭▭ ▭▭▭▭▭▭ ▭▭▭ ▭▭▭▭ ▭▭▭ ▭▭▭▭ ▭▭ ▭▭▭▭▭ ▭▭▭ ▭▭▭▭ ▭▭▭ ▭▭ ▭▭▭▭▭▭ ▭▭▭ ▭▭▭▭ ▭▭▭ ▭▭▭▭ ▭▭ ▭▭▭▭▭ ▭▭▭ ▭▭▭▭ ▭▭▭ ▭▭ ▭▭▭▭▭▭ ▭▭▭ ▭▭▭▭ ▭▭▭ ▭▭▭▭ ▭▭ ▭▭▭▭▭ ▭▭▭ ▭▭▭▭ ▭▭▭ ▭▭ ▭▭▭▭▭▭ ▭▭▭ ▭▭▭▭ ▭▭▭ ▭▭▭▭ ▭▭ ▭▭▭▭▭ ▭▭▭ ▭▭▭▭ ▭▭▭ ▭▭ ▭▭▭▭▭▭ ▭▭▭ ▭▭▭▭ ▭▭▭ ▭▭▭▭ ▭▭ ▭▭▭▭▭ ▭▭▭ ▭▭▭▭ ▭▭▭ ▭▭ ▭▭▭▭▭▭ ▭▭▭ ▭▭▭▭ ▭▭▭ ▭▭▭▭ ▭▭ ▭▭▭▭▭ ▭▭▭ ▭▭▭▭ ▭▭▭ ▭▭ ▭▭▭▭▭▭ ▭▭▭ ▭▭▭▭ ▭▭▭ ▭▭▭▭ ▭▭ ▭▭▭▭▭ ▭▭▭ ▭▭▭▭ ▭▭▭ ▭▭ ▭▭▭▭▭▭ ▭▭▭ ▭▭▭▭ ▭▭▭ ▭▭▭▭ ▭▭ ▭▭▭▭▭ ▭▭▭ ▭▭▭▭ ▭▭▭ ▭▭ ▭▭▭▭▭▭ ▭▭▭ ▭▭▭▭ ▭▭▭ ▭▭▭▭ ▭▭ ▭▭▭▭▭ ▭▭▭ ▭▭▭▭ ▭▭▭ ▭▭ ▭▭▭▭▭▭ ▭▭▭ ▭▭▭▭ ▭▭▭ ▭▭▭▭ ▭▭ ▭▭▭▭▭ ▭▭▭ ▭▭▭▭ ▭▭▭ ▭▭ ▭▭▭▭▭▭ ▭▭▭ ▭▭▭▭ ▭▭▭ ▭▭▭▭ ▭▭ ▭▭▭▭▭ ▭▭▭ ▭▭▭▭ ▭▭▭ ▭▭ ▭▭▭▭▭▭ ▭▭▭ ▭▭▭▭ ▭▭▭ ▭▭▭▭ ▭▭ ▭▭▭▭▭ ▭▭▭ ▭▭▭▭ ▭▭▭ ▭▭ ▭▭▭▭▭▭ ▭▭▭ ▭▭▭▭ ▭▭▭ ▭▭▭▭ ▭▭ ▭▭▭▭▭ ▭▭▭ ▭▭▭▭ ▭▭▭ ▭▭ ▭▭▭▭▭▭ ▭▭▭ ▭▭▭▭ ▭▭▭ ▭▭▭▭ ▭▭ ▭▭▭▭▭ ▭▭▭ ▭▭▭▭ ▭▭▭ ▭▭ ▭▭▭▭▭▭ ▭▭▭ ▭▭▭▭ ▭▭▭ ▭▭▭▭ ▭▭ ▭▭▭▭▭ ▭▭▭ ▭▭▭▭ ▭▭▭ ▭▭ ▭▭▭▭▭▭ ▭▭▭ ▭▭▭▭ ▭▭▭ ▭▭▭▭ ▭▭ ▭▭▭▭▭ ▭▭▭ ▭▭▭▭ ▭▭▭ ▭▭ ▭▭▭▭▭▭ ▭▭▭ ▭▭▭▭ ▭▭▭ ▭▭▭▭ ▭▭ ▭▭▭▭▭ ▭▭▭ ▭▭▭▭ ▭▭▭ ▭▭ ▭▭▭▭▭▭ ▭▭▭ ▭▭▭▭ ▭▭▭ ▭▭▭▭ ▭▭ ▭▭▭▭▭ ▭▭▭ ▭▭▭▭ ▭▭▭ ▭▭ ▭▭▭▭▭▭ ▭▭▭ ▭▭▭▭ ▭▭▭ ▭▭▭▭ ▭▭ ▭▭▭▭▭ ▭▭▭ ▭▭▭▭ ▭▭▭ ▭▭ ▭▭▭▭▭▭ ▭▭▭ ▭▭▭▭ ▭▭▭ ▭▭▭▭ ▭▭ ▭▭▭▭▭ ▭▭▭ ▭▭▭▭ ▭▭▭ ▭▭ ▭▭▭▭▭▭ ▭▭▭ ▭▭▭▭ ▭▭▭ ▭▭▭▭ ▭▭ ▭▭▭▭▭ ▭▭▭ ▭▭▭▭ ▭▭▭ ▭▭ ▭▭▭▭▭▭ ▭▭▭ ▭▭▭▭ ▭▭▭ ▭▭▭▭ ▭▭ ▭▭▭▭▭ ▭▭▭ ▭▭▭▭ ▭▭▭ ▭▭ ▭▭▭▭▭▭ ▭▭▭ ▭▭▭▭ ▭▭▭ ▭▭▭▭ ▭▭ ▭▭▭▭▭ ▭▭▭ ▭▭▭▭ ▭▭▭ ▭▭ ▭▭▭▭▭▭ ▭▭▭ ▭▭▭▭ ▭▭▭ ▭▭▭▭ ▭▭ ▭▭▭▭▭ ▭▭▭ ▭▭▭▭ ▭▭▭ ▭▭ ▭▭▭▭▭▭ ▭▭▭ ▭▭▭▭ ▭▭▭ ▭▭▭▭ ▭▭ ▭▭▭▭▭ ▭▭▭ ▭▭▭▭ ▭▭▭ ▭▭ ▭▭▭▭▭▭ ▭▭▭ ▭▭▭▭ ▭▭▭ ▭▭▭▭ ▭▭ ▭▭▭▭▭ ▭▭▭ ▭▭▭▭ ▭▭▭ ▭▭ ▭▭▭▭▭▭ ▭▭▭ ▭▭▭▭ ▭▭▭ ▭▭▭▭ ▭▭ ▭▭▭▭▭ ▭▭▭ ▭▭▭▭ ▭▭▭ ▭▭ ▭▭▭▭▭▭ ▭▭▭ ▭▭▭▭ ▭▭▭ ▭▭▭▭ ▭▭ ▭▭▭▭▭ ▭▭▭ ▭▭▭▭ ▭▭▭ ▭▭ ▭▭▭▭▭▭ ▭▭▭ ▭▭▭▭ ▭▭▭ ▭▭▭▭ ▭▭ ▭▭▭▭▭ ▭▭▭ ▭▭▭▭ ▭▭▭ ▭▭ ▭▭▭▭▭▭ ▭▭▭ ▭▭▭▭ ▭▭▭ ▭▭▭▭ ▭▭ ▭▭▭▭▭ ▭▭▭ ▭▭▭▭ ▭▭▭ ▭▭ ▭▭▭▭▭▭ ▭▭▭ ▭▭▭▭ ▭▭▭ ▭▭▭▭ ▭▭ ▭▭▭▭▭ ▭▭▭ ▭▭▭▭ ▭▭▭ ▭▭ ▭▭▭▭▭▭ ▭▭▭ ▭▭▭▭ ▭▭▭ ▭▭▭▭ ▭▭ ▭▭▭▭▭ ▭▭▭ ▭▭▭▭ ▭▭▭ ▭▭ ▭▭▭▭▭▭ ▭▭▭ ▭▭▭▭ ▭▭▭ ▭▭▭▭ ▭▭ ▭▭▭▭▭ ▭▭▭ ▭▭▭▭ ▭▭▭ ▭▭ ▭▭▭▭▭▭ ▭▭▭ ▭▭▭▭ ▭▭▭ ▭▭▭▭ ▭▭ ▭▭▭▭▭ ▭▭▭ ▭▭▭▭ ▭▭▭ ▭▭ ▭▭▭▭▭▭ ▭▭▭ ▭▭▭▭
UNFURNISHED ROOMS
▭▭▭ ▭▭▭▭ ▭▭ ▭▭▭▭▭ ▭▭▭ ▭▭▭▭ ▭▭▭ ▭▭ ▭▭▭▭▭▭ ▭▭▭ ▭▭▭▭ ▭▭▭ ▭▭▭▭ ▭▭ ▭▭▭▭▭ ▭▭▭ ▭▭▭▭ ▭▭▭ ▭▭ ▭▭▭▭▭▭ ▭▭▭ ▭▭▭▭ ▭▭▭ ▭▭▭▭ ▭▭ ▭▭▭▭▭ ▭▭▭ ▭▭▭▭ ▭▭▭ ▭▭ ▭▭▭▭▭▭ ▭▭▭ ▭▭▭▭ ▭▭▭ ▭▭▭▭ ▭▭ ▭▭▭▭▭ ▭▭▭ ▭▭▭▭ ▭▭▭ ▭▭ ▭▭▭▭▭▭ ▭▭▭ ▭▭▭▭ ▭▭▭ ▭▭▭▭ ▭▭ ▭▭▭▭▭ ▭▭▭ ▭▭▭▭ ▭▭▭ ▭▭ ▭▭▭▭▭▭ ▭▭▭ ▭▭▭▭ ▭▭▭ ▭▭▭▭ ▭▭ ▭▭▭▭▭ ▭▭▭ ▭▭▭▭ ▭▭▭ ▭▭ ▭▭▭▭▭▭ ▭▭▭ ▭▭▭▭ ▭▭▭ ▭▭▭▭ ▭▭ ▭▭▭▭▭ ▭▭▭ ▭▭▭▭ ▭▭▭ ▭▭ ▭▭▭▭▭▭ ▭▭▭ ▭▭▭▭ ▭▭▭ ▭▭▭▭ ▭▭ ▭▭▭▭▭ ▭▭▭ ▭▭▭▭ ▭▭▭ ▭▭ ▭▭▭▭▭▭ ▭▭▭ ▭▭▭▭ ▭▭▭ ▭▭▭▭ ▭▭ ▭▭▭▭▭ ▭▭▭ ▭▭▭▭ ▭▭▭ ▭▭ ▭▭▭▭▭▭ ▭▭▭ ▭▭▭▭ ▭▭▭ ▭▭▭▭ ▭▭ ▭▭▭▭▭ ▭▭▭ ▭▭▭▭ ▭▭▭ ▭▭ ▭▭▭▭▭▭ ▭▭▭ ▭▭▭▭ ▭▭▭ ▭▭▭▭ ▭▭ ▭▭▭▭▭ ▭▭▭ ▭▭▭▭ ▭▭▭ ▭▭ ▭▭▭▭▭▭ ▭▭▭ ▭▭▭▭ ▭▭▭ ▭▭▭▭ ▭▭ ▭▭▭▭▭ ▭▭▭ ▭▭▭▭ ▭▭▭ ▭▭ ▭▭▭▭▭▭ ▭▭▭ ▭▭▭▭ ▭▭▭ ▭▭▭▭ ▭▭ ▭▭▭▭▭ ▭▭▭ ▭▭▭▭ ▭▭▭ ▭▭ ▭▭▭▭▭▭ ▭▭▭ ▭▭▭▭ ▭▭▭ ▭▭▭▭ ▭▭ ▭▭▭▭▭ ▭▭▭ ▭▭▭▭ ▭▭▭ ▭▭ ▭▭▭▭▭▭ ▭▭▭ ▭▭▭▭ ▭▭▭ ▭▭▭▭ ▭▭ ▭▭▭▭▭ ▭▭▭ ▭▭▭▭ ▭▭▭ ▭▭ ▭▭▭▭▭▭ ▭▭▭ ▭▭▭▭ ▭▭▭ ▭▭▭▭ ▭▭ ▭▭▭▭▭ ▭▭▭ ▭▭▭▭ ▭▭▭ ▭▭ ▭▭▭▭▭▭ ▭▭▭ ▭▭▭▭ ▭▭▭ ▭▭▭▭ ▭▭ ▭▭▭▭▭ ▭▭▭ ▭▭▭▭ ▭▭▭ ▭▭ ▭▭▭▭▭▭ ▭▭▭ ▭▭▭▭ ▭▭▭ ▭▭▭▭ ▭▭ ▭▭▭▭▭ ▭▭▭ ▭▭▭▭ ▭▭▭ ▭▭ ▭▭▭▭▭▭ ▭▭▭ ▭▭▭▭ ▭▭▭ ▭▭▭▭ ▭▭ ▭▭▭▭▭ ▭▭▭ ▭▭▭▭ ▭▭▭ ▭▭ ▭▭▭▭▭▭ ▭▭▭ ▭▭▭▭ ▭▭▭ ▭▭▭▭ ▭▭ ▭▭▭▭▭ ▭▭▭ ▭▭▭▭ ▭▭▭ ▭▭ ▭▭▭▭▭▭ ▭▭▭ ▭▭▭▭ ▭▭▭ ▭▭▭▭ ▭▭ ▭▭▭▭▭ ▭▭▭ ▭▭▭▭ ▭▭▭ ▭▭ ▭▭▭▭▭▭ ▭▭▭ ▭▭▭▭ ▭▭▭ ▭▭▭▭ ▭▭ ▭▭▭▭▭ ▭▭▭ ▭▭▭▭ ▭▭▭ ▭▭ ▭▭▭▭▭▭ ▭▭▭ ▭▭▭▭
ROOMS WANTED
▭▭▭ ▭▭▭▭ ▭▭ ▭▭▭▭▭ ▭▭▭ ▭▭▭▭ ▭▭▭ ▭▭ ▭▭▭▭▭▭ ▭▭▭ ▭▭▭▭ ▭▭▭ ▭▭▭▭ ▭▭ ▭▭▭▭▭ ▭▭▭ ▭▭▭▭ ▭▭▭ ▭▭ ▭▭▭▭▭▭ ▭▭▭ ▭▭▭▭ ▭▭▭ ▭▭▭▭ ▭▭ ▭▭▭▭▭ ▭▭▭ ▭▭▭▭ ▭▭▭ ▭▭ ▭▭▭▭▭▭ ▭▭▭ ▭▭▭▭ ▭▭▭ ▭▭▭▭ ▭▭ ▭▭▭▭▭ ▭▭▭ ▭▭▭▭ ▭▭▭ ▭▭ ▭▭▭▭▭▭ ▭▭▭ ▭▭▭▭ ▭▭▭ ▭▭▭▭ ▭▭ ▭▭▭▭▭ ▭▭▭ ▭▭▭▭ ▭▭▭ ▭▭ ▭▭▭▭▭▭ ▭▭▭ ▭▭▭▭ ▭▭▭ ▭▭▭▭ ▭▭ ▭▭▭▭▭ ▭▭▭ ▭▭▭▭ ▭▭▭ ▭▭ ▭▭▭▭▭▭ ▭▭▭ ▭▭▭▭ ▭▭▭ ▭▭▭▭ ▭▭ ▭▭▭▭▭ ▭▭▭ ▭▭▭▭ ▭▭▭ ▭▭ ▭▭▭▭▭▭ ▭▭▭ ▭▭▭▭ ▭▭▭ ▭▭▭▭ ▭▭ ▭▭▭▭▭ ▭▭▭ ▭▭▭▭ ▭▭▭ ▭▭ ▭▭▭▭▭▭ ▭▭▭ ▭▭▭▭ ▭▭▭ ▭▭▭▭ ▭▭ ▭▭▭▭▭ ▭▭▭ ▭▭▭▭ ▭▭▭ ▭▭ ▭▭▭▭▭▭ ▭▭▭ ▭▭▭▭ ▭▭▭ ▭▭▭▭ ▭▭ ▭▭▭▭▭ ▭▭▭ ▭▭▭▭ ▭▭▭ ▭▭ ▭▭▭▭▭▭ ▭▭▭ ▭▭▭▭ ▭▭▭ ▭▭▭▭ ▭▭ ▭▭▭▭▭ ▭▭▭ ▭▭▭▭ ▭▭▭ ▭▭ ▭▭▭▭▭▭ ▭▭▭ ▭▭▭▭ ▭▭▭ ▭▭▭▭ ▭▭ ▭▭▭▭▭ ▭▭▭ ▭▭▭▭ ▭▭▭ ▭▭ ▭▭▭▭▭▭ ▭▭▭ ▭▭▭▭
FLATS WANTED
▭▭▭ ▭▭▭▭ ▭▭ ▭▭▭▭▭ ▭▭▭ ▭▭▭▭ ▭▭▭ ▭▭ ▭▭▭▭▭▭ ▭▭▭ ▭▭▭▭ ▭▭▭ ▭▭▭▭ ▭▭ ▭▭▭▭▭ ▭▭▭ ▭▭▭▭ ▭▭▭ ▭▭ ▭▭▭▭▭▭ ▭▭▭ ▭▭▭▭ ▭▭▭ ▭▭▭▭ ▭▭ ▭▭▭▭▭ ▭▭▭ ▭▭▭▭ ▭▭▭ ▭▭ ▭▭▭▭▭▭ ▭▭▭ ▭▭▭▭ ▭▭▭ ▭▭▭▭ ▭▭ ▭▭▭▭▭ ▭▭▭ ▭▭▭▭ ▭▭▭ ▭▭ ▭▭▭▭▭▭ ▭▭▭ ▭▭▭▭ ▭▭▭ ▭▭▭▭ ▭▭ ▭▭▭▭▭ ▭▭▭ ▭▭▭▭ ▭▭▭ ▭▭ ▭▭▭▭▭▭ ▭▭▭ ▭▭▭▭ ▭▭▭ ▭▭▭▭ ▭▭ ▭▭▭▭▭ ▭▭▭ ▭▭▭▭ ▭▭▭ ▭▭ ▭▭▭▭▭▭ ▭▭▭ ▭▭▭▭ ▭▭▭ ▭▭▭▭ ▭▭ ▭▭▭▭▭ ▭▭▭ ▭▭▭▭ ▭▭▭ ▭▭ ▭▭▭▭▭▭ ▭▭▭ ▭▭▭▭ ▭▭▭ ▭▭▭▭ ▭▭ ▭▭▭▭▭ ▭▭▭ ▭▭▭▭ ▭▭▭ ▭▭ ▭▭▭▭▭▭ ▭▭▭ ▭▭▭▭ ▭▭▭ ▭▭▭▭ ▭▭ ▭▭▭▭▭ ▭▭▭ ▭▭▭▭ ▭▭▭ ▭▭ ▭▭▭▭▭▭ ▭▭▭ ▭▭▭▭ ▭▭▭ ▭▭▭▭ ▭▭ ▭▭▭▭▭ ▭▭▭ ▭▭▭▭ ▭▭▭ ▭▭ ▭▭▭▭▭▭ ▭▭▭ ▭▭▭▭
FLATS FOR RENT
▭▭▭ ▭▭▭▭ ▭▭ ▭▭▭▭▭ ▭▭▭ ▭▭▭▭ ▭▭▭ ▭▭ ▭▭▭▭▭▭ ▭▭▭ ▭▭▭▭ ▭▭▭ ▭▭▭▭ ▭▭ ▭▭▭▭▭ ▭▭▭ ▭▭▭▭ ▭▭▭ ▭▭ ▭▭▭▭▭▭ ▭▭▭ ▭▭▭▭ ▭▭▭ ▭▭▭▭ ▭▭ ▭▭▭▭▭ ▭▭▭ ▭▭▭▭ ▭▭▭ ▭▭ ▭▭▭▭▭▭ ▭▭▭ ▭▭▭▭ ▭▭▭ ▭▭▭▭ ▭▭ ▭▭▭▭▭ ▭▭▭ ▭▭▭▭ ▭▭▭ ▭▭ ▭▭▭▭▭▭ ▭▭▭ ▭▭▭▭ ▭▭▭ ▭▭▭▭ ▭▭ ▭▭▭▭▭ ▭▭▭ ▭▭▭▭ ▭▭▭ ▭▭ ▭▭▭▭▭▭ ▭▭▭ ▭▭▭▭ ▭▭▭ ▭▭▭▭ ▭▭ ▭▭▭▭▭ ▭▭▭ ▭▭▭▭ ▭▭▭ ▭▭ ▭▭▭▭▭▭ ▭▭▭ ▭▭▭▭ ▭▭▭ ▭▭▭▭ ▭▭ ▭▭▭▭▭ ▭▭▭ ▭▭▭▭ ▭▭▭ ▭▭ ▭▭▭▭▭▭ ▭▭▭ ▭▭▭▭ ▭▭▭ ▭▭▭▭ ▭▭ ▭▭▭▭▭ ▭▭▭ ▭▭▭▭ ▭▭▭ ▭▭ ▭▭▭▭▭▭ ▭▭▭ ▭▭▭▭ ▭▭▭ ▭▭▭▭ ▭▭ ▭▭▭▭▭ ▭▭▭ ▭▭▭▭ ▭▭▭ ▭▭ ▭▭▭▭▭▭ ▭▭▭ ▭▭▭▭ ▭▭▭ ▭▭▭▭ ▭▭ ▭▭▭▭▭ ▭▭▭ ▭▭▭▭ ▭▭▭ ▭▭ ▭▭▭▭▭▭ ▭▭▭ ▭▭▭▭ ▭▭▭ ▭▭▭▭ ▭▭ ▭▭▭▭▭ ▭▭▭ ▭▭▭▭ ▭▭▭ ▭▭ ▭▭▭▭▭▭ ▭▭▭ ▭▭▭▭ ▭▭▭ ▭▭▭▭ ▭▭ ▭▭▭▭▭ ▭▭▭ ▭▭▭▭ ▭▭▭ ▭▭ ▭▭▭▭▭▭ ▭▭▭ ▭▭▭▭ ▭▭▭ ▭▭▭▭ ▭▭ ▭▭▭▭▭ ▭▭▭ ▭▭▭▭ ▭▭▭ ▭▭ ▭▭▭▭▭▭ ▭▭▭ ▭▭▭▭ ▭▭▭ ▭▭▭▭ ▭▭ ▭▭▭▭▭ ▭▭▭ ▭▭▭▭ ▭▭▭ ▭▭ ▭▭▭▭▭▭ ▭▭▭ ▭▭▭▭ ▭▭▭ ▭▭▭▭ ▭▭ ▭▭▭▭▭ ▭▭▭ ▭▭▭▭ ▭▭▭ ▭▭ ▭▭▭▭▭▭ ▭▭▭ ▭▭▭▭ ▭▭▭ ▭▭▭▭ ▭▭ ▭▭▭▭▭ ▭▭▭ ▭▭▭▭ ▭▭▭ ▭▭ ▭▭▭▭▭▭ ▭▭▭ ▭▭▭▭ ▭▭▭ ▭▭▭▭ ▭▭ ▭▭▭▭▭ ▭▭▭ ▭▭▭▭ ▭▭▭ ▭▭ ▭▭▭▭▭▭ ▭▭▭ ▭▭▭▭ ▭▭▭ ▭▭▭▭ ▭▭ ▭▭▭▭▭ ▭▭▭ ▭▭▭▭ ▭▭▭ ▭▭ ▭▭▭▭▭▭ ▭▭▭ ▭▭▭▭
FOR RENT
▭▭▭ ▭▭▭▭ ▭▭ ▭▭▭▭▭ ▭▭▭ ▭▭▭▭ ▭▭▭ ▭▭ ▭▭▭▭▭▭ ▭▭▭ ▭▭▭▭ ▭▭▭ ▭▭▭▭ ▭▭ ▭▭▭▭▭ ▭▭▭ ▭▭▭▭ ▭▭▭ ▭▭ ▭▭▭▭▭▭ ▭▭▭ ▭▭▭▭ ▭▭▭ ▭▭▭▭ ▭▭ ▭▭▭▭▭ ▭▭▭ ▭▭▭▭ ▭▭▭ ▭▭ ▭▭▭▭▭▭ ▭▭▭ ▭▭▭▭ ▭▭▭ ▭▭▭▭ ▭▭ ▭▭▭▭▭ ▭▭▭ ▭▭▭▭ ▭▭▭ ▭▭ ▭▭▭▭▭▭ ▭▭▭ ▭▭▭▭ ▭▭▭ ▭▭▭▭ ▭▭ ▭▭▭▭▭ ▭▭▭ ▭▭▭▭ ▭▭▭ ▭▭ ▭▭▭▭▭▭ ▭▭▭ ▭▭▭▭ ▭▭▭ ▭▭▭▭ ▭▭ ▭▭▭▭▭ ▭▭▭ ▭▭▭▭ ▭▭▭ ▭▭ ▭▭▭▭▭▭ ▭▭▭ ▭▭▭▭
BUSINESS CHANCES
▭▭▭ ▭▭▭▭ ▭▭ ▭▭▭▭▭ ▭▭▭ ▭▭▭▭ ▭▭▭ ▭▭ ▭▭▭▭▭▭ ▭▭▭ ▭▭▭▭ ▭▭▭ ▭▭▭▭ ▭▭ ▭▭▭▭▭ ▭▭▭ ▭▭▭▭ ▭▭▭ ▭▭ ▭▭▭▭▭▭ ▭▭▭ ▭▭▭▭ ▭▭▭ ▭▭▭▭ ▭▭ ▭▭▭▭▭ ▭▭▭ ▭▭▭▭ ▭▭▭ ▭▭ ▭▭▭▭▭▭ ▭▭▭ ▭▭▭▭ ▭▭▭ ▭▭▭▭ ▭▭ ▭▭▭▭▭ ▭▭▭ ▭▭▭▭ ▭▭▭ ▭▭ ▭▭▭▭▭▭ ▭▭▭ ▭▭▭▭ ▭▭▭ ▭▭▭▭ ▭▭ ▭▭▭▭▭ ▭▭▭ ▭▭▭▭ ▭▭▭ ▭▭ ▭▭▭▭▭▭ ▭▭▭ ▭▭▭▭ ▭▭▭ ▭▭▭▭ ▭▭ ▭▭▭▭▭ ▭▭▭ ▭▭▭▭ ▭▭▭ ▭▭ ▭▭▭▭▭▭ ▭▭▭ ▭▭▭▭ ▭▭▭ ▭▭▭▭ ▭▭ ▭▭▭▭▭ ▭▭▭ ▭▭▭▭ ▭▭▭ ▭▭ ▭▭▭▭▭▭ ▭▭▭ ▭▭▭▭ ▭▭▭ ▭▭▭▭ ▭▭ ▭▭▭▭▭ ▭▭▭ ▭▭▭▭ ▭▭▭ ▭▭ ▭▭▭▭▭▭ ▭▭▭ ▭▭▭▭ ▭▭▭ ▭▭▭▭ ▭▭ ▭▭▭▭▭ ▭▭▭ ▭▭▭▭ ▭▭▭ ▭▭ ▭▭▭▭▭▭ ▭▭▭ ▭▭▭▭ ▭▭▭ ▭▭▭▭ ▭▭ ▭▭▭▭▭ ▭▭▭ ▭▭▭▭ ▭▭▭ ▭▭ ▭▭▭▭▭▭ ▭▭▭ ▭▭▭▭ ▭▭▭ ▭▭▭▭ ▭▭ ▭▭▭▭▭ ▭▭▭ ▭▭▭▭ ▭▭▭ ▭▭ ▭▭▭▭▭▭ ▭▭▭ ▭▭▭▭ ▭▭▭ ▭▭▭▭ ▭▭ ▭▭▭▭▭ ▭▭▭ ▭▭▭▭ ▭▭▭ ▭▭ ▭▭▭▭▭▭ ▭▭▭ ▭▭▭▭ ▭▭▭ ▭▭▭▭ ▭▭ ▭▭▭▭▭ ▭▭▭ ▭▭▭▭ ▭▭▭ ▭▭ ▭▭▭▭▭▭ ▭▭▭ ▭▭▭▭ ▭▭▭ ▭▭▭▭ ▭▭ ▭▭▭▭▭ ▭▭▭ ▭▭▭▭ ▭▭▭ ▭▭ ▭▭▭▭▭▭ ▭▭▭ ▭▭▭▭ ▭▭▭ ▭▭▭▭ ▭▭ ▭▭▭▭▭ ▭▭▭ ▭▭▭▭ ▭▭▭ ▭▭ ▭▭▭▭▭▭ ▭▭▭ ▭▭▭▭ ▭▭▭ ▭▭▭▭ ▭▭ ▭▭▭▭▭ ▭▭▭ ▭▭▭▭ ▭▭▭ ▭▭ ▭▭▭▭▭▭ ▭▭▭ ▭▭▭▭ ▭▭▭ ▭▭▭▭ ▭▭ ▭▭▭▭▭ ▭▭▭ ▭▭▭▭ ▭▭▭ ▭▭ ▭▭▭▭▭▭ ▭▭▭ ▭▭▭▭ ▭▭▭ ▭▭▭▭ ▭▭ ▭▭▭▭▭ ▭▭▭ ▭▭▭▭ ▭▭▭ ▭▭ ▭▭▭▭▭▭ ▭▭▭ ▭▭▭▭ ▭▭▭ ▭▭▭▭ ▭▭ ▭▭▭▭▭ ▭▭▭ ▭▭▭▭ ▭▭▭ ▭▭ ▭▭▭▭▭▭ ▭▭▭ ▭▭▭▭ ▭▭▭ ▭▭▭▭ ▭▭ ▭▭▭▭▭ ▭▭▭ ▭▭▭▭ ▭▭▭ ▭▭ ▭▭▭▭▭▭ ▭▭▭ ▭▭▭▭ ▭▭▭ ▭▭▭▭ ▭▭ ▭▭▭▭▭ ▭▭▭ ▭▭▭▭ ▭▭▭ ▭▭ ▭▭▭▭▭▭ ▭▭▭ ▭▭▭▭ ▭▭▭ ▭▭▭▭ ▭▭ ▭▭▭▭▭ ▭▭▭ ▭▭▭▭ ▭▭▭ ▭▭ ▭▭▭▭▭▭ ▭▭▭ ▭▭▭▭ ▭▭▭ ▭▭▭▭ ▭▭ ▭▭▭▭▭ ▭▭▭ ▭▭▭▭ ▭▭▭ ▭▭ ▭▭▭▭▭▭ ▭▭▭ ▭▭▭▭ ▭▭▭ ▭▭▭▭ ▭▭ ▭▭▭▭▭ ▭▭▭ ▭▭▭▭ ▭▭▭ ▭▭ ▭▭▭▭▭▭ ▭▭▭ ▭▭▭▭ ▭▭▭ ▭▭▭▭ ▭▭ ▭▭▭▭▭ ▭▭▭ ▭▭▭▭ ▭▭▭ ▭▭ ▭▭▭▭▭▭ ▭▭▭ ▭▭▭▭ ▭▭▭ ▭▭▭▭ ▭▭ ▭▭▭▭▭ ▭▭▭ ▭▭▭▭ ▭▭▭ ▭▭ ▭▭▭▭▭▭ ▭▭▭ ▭▭▭▭ ▭▭▭ ▭▭▭▭ ▭▭ ▭▭▭▭▭ ▭▭▭ ▭▭▭▭ ▭▭▭ ▭▭ ▭▭▭▭▭▭ ▭▭▭ ▭▭▭▭ ▭▭▭ ▭▭▭▭ ▭▭ ▭▭▭▭▭ ▭▭▭ ▭▭▭▭ ▭▭▭ ▭▭ ▭▭▭▭▭▭ ▭▭▭ ▭▭▭▭ ▭▭▭ ▭▭▭▭ ▭▭ ▭▭▭▭▭ ▭▭▭ ▭▭▭▭ ▭▭▭ ▭▭ ▭▭▭▭▭▭ ▭▭▭ ▭▭▭▭ ▭▭▭ ▭▭▭▭ ▭▭ ▭▭▭▭▭ ▭▭▭ ▭▭▭▭ ▭▭▭ ▭▭ ▭▭▭▭▭▭ ▭▭▭ ▭▭▭▭ ▭▭▭ ▭▭▭▭ ▭▭ ▭▭▭▭▭ ▭▭▭ ▭▭▭▭ ▭▭▭ ▭▭ ▭▭▭▭▭▭ ▭▭▭ ▭▭▭▭ ▭▭▭ ▭▭▭▭ ▭▭ ▭▭▭▭▭ ▭▭▭ ▭▭▭▭ ▭▭▭ ▭▭ ▭▭▭▭▭▭ ▭▭▭ ▭▭▭▭ ▭▭▭ ▭▭▭▭ ▭▭ ▭▭▭▭▭ ▭▭▭ ▭▭▭▭ ▭▭▭ ▭▭ ▭▭▭▭▭▭ ▭▭▭ ▭▭▭▭ ▭▭▭ ▭▭▭▭ ▭▭ ▭▭▭▭▭ ▭▭▭ ▭▭▭▭ ▭▭▭ ▭▭ ▭▭▭▭▭▭ ▭▭▭ ▭▭▭▭ ▭▭▭ ▭▭▭▭ ▭▭ ▭▭▭▭▭ ▭▭▭ ▭▭▭▭ ▭▭▭ ▭▭ ▭▭▭▭▭▭ ▭▭▭ ▭▭▭▭ ▭▭▭ ▭▭▭▭ ▭▭ ▭▭▭▭▭ ▭▭▭ ▭▭▭▭ ▭▭▭ ▭▭ ▭▭▭▭▭▭ ▭▭▭ ▭▭▭▭ ▭▭▭ ▭▭▭▭ ▭▭ ▭▭▭▭▭ ▭▭▭ ▭▭▭▭ ▭▭▭ ▭▭ ▭▭▭▭▭▭ ▭▭▭ ▭▭▭▭ ▭▭▭ ▭▭▭▭ ▭▭ ▭▭▭▭▭ ▭▭▭ ▭▭▭▭ ▭▭▭ ▭▭ ▭▭▭▭▭▭ ▭▭▭ ▭▭▭▭ ▭▭▭ ▭▭▭▭ ▭▭ ▭▭▭▭▭ ▭▭▭ ▭▭▭▭ ▭▭▭ ▭▭ ▭▭▭▭▭▭ ▭▭▭ ▭▭▭▭ ▭▭▭ ▭▭▭▭ ▭▭ ▭▭▭▭▭ ▭▭▭ ▭▭▭▭ ▭▭▭ ▭▭ ▭▭▭▭▭▭ ▭▭▭ ▭▭▭▭ ▭▭▭ ▭▭▭▭ ▭▭ ▭▭▭▭▭ ▭▭▭ ▭▭▭▭ ▭▭▭ ▭▭ ▭▭▭▭▭▭ ▭▭▭ ▭▭▭▭ ▭▭▭ ▭▭▭▭ ▭▭ ▭▭▭▭▭ ▭▭▭ ▭▭▭▭ ▭▭▭ ▭▭ ▭▭▭▭▭▭ ▭▭▭ ▭▭▭▭ ▭▭▭ ▭▭▭▭ ▭▭ ▭▭▭▭▭ ▭▭▭ ▭▭▭▭ ▭▭▭ ▭▭ ▭▭▭▭▭▭ ▭▭▭ ▭▭▭▭ ▭▭▭ ▭▭▭▭ ▭▭ ▭▭▭▭▭ ▭▭▭ ▭▭▭▭ ▭▭▭ ▭▭ ▭▭▭▭▭▭ ▭▭▭ ▭▭▭▭ ▭▭▭ ▭▭▭▭ ▭▭ ▭▭▭▭▭ ▭▭▭ ▭▭▭▭ ▭▭▭ ▭▭ ▭▭▭▭▭▭ ▭▭▭ ▭▭▭▭ ▭▭▭ ▭▭▭▭ ▭▭ ▭▭▭▭▭ ▭▭▭ ▭▭▭▭ ▭▭▭ ▭▭ ▭▭▭▭▭▭ ▭▭▭ ▭▭▭▭ ▭▭▭ ▭▭▭▭ ▭▭ ▭▭▭▭▭ ▭▭▭ ▭▭▭▭ ▭▭▭ ▭▭ ▭▭▭▭▭▭ ▭▭▭ ▭▭▭▭ ▭▭▭ ▭▭▭▭ ▭▭ ▭▭▭▭▭ ▭▭▭ ▭▭▭▭ ▭▭▭ ▭▭ ▭▭▭▭▭▭ ▭▭▭ ▭▭▭▭ ▭▭▭ ▭▭▭▭ ▭▭ ▭▭▭▭▭ ▭▭▭ ▭▭▭▭ ▭▭▭ ▭▭ ▭▭▭▭▭▭ ▭▭▭ ▭▭▭▭ ▭▭▭ ▭▭▭▭ ▭▭ ▭▭▭▭▭ ▭▭▭ ▭▭▭▭ ▭▭▭ ▭▭ ▭▭▭▭▭▭ ▭▭▭ ▭▭▭▭ ▭▭▭ ▭▭▭▭ ▭▭ ▭▭▭▭▭ ▭▭▭ ▭▭▭▭ ▭▭▭ ▭▭ ▭▭▭▭▭▭ ▭▭▭ ▭▭▭▭ ▭▭▭ ▭▭▭▭ ▭▭ ▭▭▭▭▭ ▭▭▭ ▭▭▭▭ ▭▭▭ ▭▭ ▭▭▭▭▭▭ ▭▭▭ ▭▭▭▭ ▭▭▭ ▭▭▭▭ ▭▭ ▭▭▭▭▭ ▭▭▭ ▭▭▭▭ ▭▭▭ ▭▭ ▭▭▭▭▭▭ ▭▭▭ ▭▭▭▭ ▭▭▭ ▭▭▭▭ ▭▭ ▭▭▭▭▭ ▭▭▭ ▭▭▭▭ ▭▭▭ ▭▭ ▭▭▭▭▭▭ ▭▭▭ ▭▭▭▭ ▭▭▭ ▭▭▭▭ ▭▭ ▭▭▭▭▭ ▭▭▭ ▭▭▭▭ ▭▭▭ ▭▭ ▭▭▭▭▭▭ ▭▭▭ ▭▭▭▭ ▭▭▭ ▭▭▭▭ ▭▭ ▭▭▭▭▭ ▭▭▭ ▭▭▭▭ ▭▭▭ ▭▭ ▭▭▭▭▭▭ ▭▭▭ ▭▭▭▭ ▭▭▭ ▭▭▭▭ ▭▭ ▭▭▭▭▭ ▭▭▭ ▭▭▭▭ ▭▭▭ ▭▭ ▭▭▭▭▭▭ ▭▭▭ ▭▭▭▭ ▭▭▭ ▭▭▭▭ ▭▭ ▭▭▭▭▭ ▭▭▭ ▭▭▭▭ ▭▭▭ ▭▭ ▭▭▭▭▭▭ ▭▭▭ ▭▭▭▭ ▭▭▭ ▭▭▭▭ ▭▭ ▭▭▭▭▭ ▭▭▭ ▭▭▭▭ ▭▭▭ ▭▭ ▭▭▭▭▭▭ ▭▭▭ ▭▭▭▭ ▭▭▭ ▭▭▭▭ ▭▭ ▭▭▭▭▭ ▭▭▭ ▭▭▭▭ ▭▭▭ ▭▭ ▭▭▭▭▭▭ ▭▭▭ ▭▭▭▭ ▭▭▭ ▭▭▭▭ ▭▭ ▭▭▭▭▭ ▭▭▭ ▭▭▭▭ ▭▭▭ ▭▭ ▭▭▭▭▭▭ ▭▭▭ ▭▭▭▭ ▭▭▭ ▭▭▭▭ ▭▭ ▭▭▭▭▭ ▭▭▭ ▭▭▭▭ ▭▭▭ ▭▭ ▭▭▭▭▭▭ ▭▭▭ ▭▭▭▭ ▭▭▭ ▭▭▭▭ ▭▭ ▭▭▭▭▭ ▭▭▭ ▭▭▭▭ ▭▭▭ ▭▭ ▭▭▭▭▭▭ ▭▭▭ ▭▭▭▭ ▭▭▭ ▭▭▭▭ ▭▭ ▭▭▭▭▭ ▭▭▭ ▭▭▭▭ ▭▭▭ ▭▭ ▭▭▭▭▭▭ ▭▭▭ ▭▭▭▭ ▭▭▭ ▭▭▭▭ ▭▭ ▭▭▭▭▭ ▭▭▭ ▭▭▭▭ ▭▭▭ ▭▭ ▭▭▭▭▭▭ ▭▭▭ ▭▭▭▭ ▭▭▭ ▭▭▭▭ ▭▭ ▭▭▭▭▭ ▭▭▭ ▭▭▭▭ ▭▭▭ ▭▭ ▭▭▭▭▭▭ ▭▭▭ ▭▭▭▭ ▭▭▭ ▭▭▭▭ ▭▭ ▭▭▭▭▭ ▭▭▭ ▭▭▭▭ ▭▭▭ ▭▭ ▭▭▭▭▭▭ ▭▭▭ ▭▭▭▭ ▭▭▭ ▭▭▭▭ ▭▭ ▭▭▭▭▭ ▭▭▭ ▭▭▭▭ ▭▭▭ ▭▭ ▭▭▭▭▭▭ ▭▭▭ ▭▭▭▭ ▭▭▭ ▭▭▭▭ ▭▭ ▭▭▭▭▭ ▭▭▭ ▭▭▭▭ ▭▭▭ ▭▭ ▭▭▭▭▭▭ ▭▭▭ ▭▭▭▭ ▭▭▭ ▭▭▭▭ ▭▭ ▭▭▭▭▭ ▭▭▭ ▭▭▭▭ ▭▭▭ ▭▭ ▭▭▭▭▭▭ ▭▭▭ ▭▭▭▭ ▭▭▭ ▭▭▭▭ ▭▭ ▭▭▭▭▭ ▭▭▭ ▭▭▭▭ ▭▭▭ ▭▭ ▭▭▭▭▭▭ ▭▭▭ ▭▭▭▭ ▭▭▭ ▭▭▭▭ ▭▭ ▭▭▭▭▭ ▭▭▭ ▭▭▭▭ ▭▭▭ ▭▭ ▭▭▭▭▭▭ ▭▭▭ ▭▭▭▭ ▭▭▭ ▭▭▭▭ ▭▭ ▭▭▭▭▭ ▭▭▭ ▭▭▭▭ ▭▭▭ ▭▭ ▭▭▭▭▭▭ ▭▭▭ ▭▭▭▭ ▭▭▭ ▭▭▭▭ ▭▭ ▭▭▭▭▭ ▭▭▭ ▭▭▭▭ ▭▭▭ ▭▭ ▭▭▭▭▭▭ ▭▭▭ ▭▭▭▭ ▭▭▭ ▭▭▭▭ ▭▭ ▭▭▭▭▭ ▭▭▭ ▭▭▭▭ ▭▭▭ ▭▭ ▭▭▭▭▭▭ ▭▭▭ ▭▭▭▭ ▭▭▭ ▭▭▭▭ ▭▭ ▭▭▭▭▭ ▭▭▭ ▭▭▭▭ ▭▭▭ ▭▭ ▭▭▭▭▭▭ ▭▭▭ ▭▭▭▭ ▭▭▭ ▭▭▭▭ ▭▭ ▭▭▭▭▭ ▭▭▭ ▭▭▭▭ ▭▭▭ ▭▭ ▭▭▭▭▭▭ ▭▭▭ ▭▭▭▭ ▭▭▭ ▭▭▭▭ ▭▭ ▭▭▭▭▭ ▭▭▭ ▭▭▭▭ ▭▭▭ ▭▭ ▭▭▭▭▭▭ ▭▭▭ ▭▭▭▭ ▭▭▭ ▭▭▭▭ ▭▭ ▭▭▭▭▭ ▭▭▭ ▭▭▭▭ ▭▭▭ ▭▭ ▭▭▭▭▭▭ ▭▭▭ ▭▭▭▭ ▭▭▭ ▭▭▭▭ ▭▭ ▭▭▭▭▭ ▭▭▭ ▭▭▭▭ ▭▭▭ ▭▭ ▭▭▭▭▭▭ ▭▭▭ ▭▭▭▭ ▭▭▭ ▭▭▭▭ ▭▭ ▭▭▭▭▭ ▭▭▭ ▭▭▭▭ ▭▭▭ ▭▭ ▭▭▭▭▭▭ ▭▭▭ ▭▭▭▭ ▭▭▭ ▭▭▭▭ ▭▭ ▭▭▭▭▭ ▭▭▭ ▭▭▭▭ ▭▭▭ ▭▭ ▭▭▭▭▭▭ ▭▭▭ ▭▭▭▭ ▭▭▭ ▭▭▭▭ ▭▭ ▭▭▭▭▭ ▭▭▭ ▭▭▭▭ ▭▭▭ ▭▭ ▭▭▭▭▭▭ ▭▭▭ ▭▭▭▭ ▭▭▭ ▭▭▭▭ ▭▭ ▭▭▭▭▭ ▭▭▭ ▭▭▭▭ ▭▭▭ ▭▭ ▭▭▭▭▭▭ ▭▭▭ ▭▭▭▭ ▭▭▭ ▭▭▭▭ ▭▭ ▭▭▭▭▭ ▭▭▭ ▭▭▭▭ ▭▭▭ ▭▭ ▭▭▭▭▭▭ ▭▭▭ ▭▭▭▭ ▭▭▭ ▭▭▭▭ ▭▭ ▭▭▭▭▭ ▭▭▭ ▭▭▭▭ ▭▭▭ ▭▭ ▭▭▭▭▭▭ ▭▭▭ ▭▭▭▭ ▭▭▭ ▭▭▭▭ ▭▭ ▭▭▭▭▭ ▭▭▭ ▭▭▭▭ ▭▭▭ ▭▭ ▭▭▭▭▭▭ ▭▭▭ ▭▭▭▭ ▭▭▭ ▭▭▭▭ ▭▭ ▭▭▭▭▭ ▭▭▭ ▭▭▭▭ ▭▭▭ ▭▭ ▭▭▭▭▭▭ ▭▭▭ ▭▭▭▭ ▭▭▭ ▭▭▭▭ ▭▭ ▭▭▭▭▭ ▭▭▭ ▭▭▭▭ ▭▭▭ ▭▭ ▭▭▭▭▭▭ ▭▭▭ ▭▭▭▭ ▭▭▭ ▭▭▭▭ ▭▭ ▭▭▭▭▭ ▭▭▭ ▭▭▭▭ ▭▭▭ ▭▭ ▭▭▭▭▭▭ ▭▭▭ ▭▭▭▭ ▭▭▭ ▭▭▭▭ ▭▭ ▭▭▭▭▭ ▭▭▭ ▭▭▭▭ ▭▭▭ ▭▭ ▭▭▭▭▭▭ ▭▭▭ ▭▭▭▭ ▭▭▭ ▭▭▭▭ ▭▭ ▭▭▭▭▭ ▭▭▭ ▭▭▭▭ ▭▭▭ ▭▭ ▭▭▭▭▭▭ ▭▭▭ ▭▭▭▭ ▭▭▭ ▭▭▭▭ ▭▭ ▭▭▭▭▭ ▭▭▭ ▭▭▭▭ ▭▭▭ ▭▭ ▭▭▭▭▭▭ ▭▭▭ ▭▭▭▭ ▭▭▭ ▭▭▭▭ ▭▭ ▭▭▭▭▭ ▭▭▭ ▭▭▭▭ ▭▭▭ ▭▭ ▭▭▭▭▭▭ ▭▭▭ ▭▭▭▭ ▭▭▭ ▭▭▭▭ ▭▭ ▭▭▭▭▭ ▭▭▭ ▭▭▭▭ ▭▭▭ ▭▭ ▭▭▭▭▭▭ ▭▭▭ ▭▭▭▭ ▭▭▭ ▭▭▭▭ ▭▭ ▭▭▭▭▭ ▭▭▭ ▭▭▭▭ ▭▭▭ ▭▭ ▭▭▭▭▭▭ ▭▭▭ ▭▭▭▭ ▭▭▭ ▭▭▭▭ ▭▭ ▭▭▭▭▭ ▭▭▭ ▭▭▭▭ ▭▭▭ ▭▭ ▭▭▭▭▭▭ ▭▭▭ ▭▭▭▭ ▭▭▭ ▭▭▭▭ ▭▭ ▭▭▭▭▭ ▭▭▭ ▭▭▭▭ ▭▭▭ ▭▭ ▭▭▭▭▭▭ ▭▭▭ ▭▭▭▭ ▭▭▭ ▭▭▭▭ ▭▭ ▭▭▭▭▭ ▭▭▭ ▭▭▭▭ ▭▭▭ ▭▭ ▭▭▭▭▭▭ ▭▭▭ ▭▭▭▭ ▭▭▭ ▭▭▭▭ ▭▭ ▭▭▭▭▭ ▭▭▭ ▭▭▭▭ ▭▭▭ ▭▭ ▭▭▭▭▭▭ ▭▭▭ ▭▭▭▭ ▭▭▭ ▭▭▭▭ ▭▭ ▭▭▭▭▭ ▭▭▭ ▭▭▭▭ ▭▭▭ ▭▭ ▭▭▭▭▭▭ ▭▭▭ ▭▭▭▭ ▭▭▭ ▭▭▭▭ ▭▭ ▭▭▭▭▭ ▭▭▭ ▭▭▭▭ ▭▭▭ ▭▭ ▭▭▭▭▭▭ ▭▭▭ ▭▭▭▭ ▭▭▭ ▭▭▭▭ ▭▭ ▭▭▭▭▭ ▭▭▭ ▭▭▭▭ ▭▭▭ ▭▭ ▭▭▭▭▭▭ ▭▭▭ ▭▭▭▭ ▭▭▭ ▭▭▭▭ ▭▭ ▭▭▭▭▭ ▭▭▭ ▭▭▭▭ ▭▭▭ ▭▭ ▭▭▭▭▭▭ ▭▭▭ ▭▭▭▭ ▭▭▭ ▭▭▭▭ ▭▭ ▭▭▭▭▭ ▭▭▭ ▭▭▭▭ ▭▭▭ ▭▭ ▭▭▭▭▭▭ ▭▭▭ ▭▭▭▭ ▭▭▭ ▭▭▭▭ ▭▭ ▭▭▭▭▭ ▭▭▭ ▭▭▭▭ ▭▭▭ ▭▭ ▭▭▭▭▭▭ ▭▭▭ ▭▭▭▭ ▭▭▭ ▭▭▭▭ ▭▭ ▭▭▭▭▭ ▭▭▭ ▭▭▭▭ ▭▭▭ ▭▭ ▭▭▭▭▭▭ ▭▭▭ ▭▭▭▭ ▭▭▭ ▭▭▭▭ ▭▭ ▭▭▭▭▭ ▭▭▭ ▭▭▭▭ ▭▭▭ ▭▭ ▭▭▭▭▭▭ ▭▭▭ ▭▭▭▭ ▭▭▭ ▭▭▭▭ ▭▭ ▭▭▭▭▭ ▭▭▭ ▭▭▭▭ ▭▭▭ ▭▭ ▭▭▭▭▭▭ ▭▭▭ ▭▭▭▭ ▭▭▭ ▭▭▭▭ ▭▭ ▭▭▭▭▭ ▭▭▭ ▭▭▭▭ ▭▭▭ ▭▭ ▭▭▭▭▭▭ ▭▭▭ ▭▭▭▭
HAIRDRESSING
SCALP SPECIALIST
KNOX COLLEGE OF BEAUTY
CULTURE
▭▭▭ ▭▭▭▭ ▭▭ ▭▭▭▭▭ ▭▭▭ ▭▭▭▭ ▭▭▭ ▭▭ ▭▭▭▭▭▭ ▭▭▭ ▭▭▭▭ ▭▭▭ ▭▭▭▭ ▭▭ ▭▭▭▭▭ ▭▭▭ ▭▭▭▭ ▭▭▭ ▭▭ ▭▭▭▭▭▭ ▭▭▭ ▭▭▭▭ ▭▭▭ ▭▭▭▭ ▭▭ ▭▭▭▭▭ ▭▭▭ ▭▭▭▭ ▭▭▭ ▭▭ ▭▭▭▭▭▭ ▭▭▭ ▭▭▭▭ ▭▭▭ ▭▭▭▭ ▭▭ ▭▭▭▭▭ ▭▭▭ ▭▭▭▭ ▭▭▭ ▭▭ ▭▭▭▭▭▭ ▭▭▭ ▭▭▭▭ ▭▭▭ ▭▭▭▭ ▭▭ ▭▭▭▭▭ ▭▭▭ ▭▭▭▭ ▭▭▭ ▭▭ ▭▭▭▭▭▭ ▭▭▭ ▭▭▭▭ ▭▭▭ ▭▭▭▭ ▭▭ ▭▭▭▭▭ ▭▭▭ ▭▭▭▭ ▭▭▭ ▭▭ ▭▭▭▭▭▭ ▭▭▭ ▭▭▭▭ ▭▭▭ ▭▭▭▭ ▭▭ ▭▭▭▭▭ ▭▭▭ ▭▭▭▭ ▭▭▭ ▭▭ ▭▭▭▭▭▭ ▭▭▭ ▭▭▭▭ ▭▭▭ ▭▭▭▭ ▭▭ ▭▭▭▭▭ ▭▭▭ ▭▭▭▭ ▭▭▭ ▭▭ ▭▭▭▭▭▭ ▭▭▭ ▭▭▭▭ ▭▭▭ ▭▭▭▭ ▭▭ ▭▭▭▭▭ ▭▭▭ ▭▭▭▭ ▭▭▭ ▭▭ ▭▭▭▭▭▭ ▭▭▭ ▭▭▭▭ ▭▭▭ ▭▭▭▭ ▭▭ ▭▭▭▭▭ ▭▭▭ ▭▭▭▭ ▭▭▭ ▭▭ ▭▭▭▭▭▭ ▭▭▭ ▭▭▭▭ ▭▭▭ ▭▭▭▭ ▭▭ ▭▭▭▭▭ ▭▭▭ ▭▭▭▭ ▭▭▭ ▭▭ ▭▭▭▭▭▭ ▭▭▭ ▭▭▭▭ ▭▭▭ ▭▭▭▭ ▭▭ ▭▭▭▭▭ ▭▭▭ ▭▭▭▭ ▭▭▭ ▭▭ ▭▭▭▭▭▭ ▭▭▭ ▭▭▭▭ ▭▭▭ ▭▭▭▭ ▭▭ ▭▭▭▭▭ ▭▭▭ ▭▭▭▭ ▭▭▭ ▭▭ ▭▭▭▭▭▭ ▭▭▭ ▭▭▭▭ ▭▭▭ ▭▭▭▭ ▭▭ ▭▭▭▭▭ ▭▭▭ ▭▭▭▭ ▭▭▭ ▭▭ ▭▭▭▭▭▭ ▭▭▭ ▭▭▭▭ ▭▭▭ ▭▭▭▭ ▭▭ ▭▭▭▭▭ ▭▭▭ ▭▭▭▭ ▭▭▭ ▭▭ ▭▭▭▭▭▭ ▭▭▭ ▭▭▭▭ ▭▭▭ ▭▭▭▭ ▭▭ ▭▭▭▭▭ ▭▭▭ ▭▭▭▭ ▭▭▭ ▭▭ ▭▭▭▭▭▭ ▭▭▭ ▭▭▭▭ ▭▭▭ ▭▭▭▭ ▭▭ ▭▭▭▭▭ ▭▭▭ ▭▭▭▭ ▭▭▭ ▭▭ ▭▭▭▭▭▭ ▭▭▭ ▭▭▭▭ ▭▭▭ ▭▭▭▭ ▭▭ ▭▭▭▭▭ ▭▭▭ ▭▭▭▭ ▭▭▭ ▭▭ ▭▭▭▭▭▭ ▭▭▭ ▭▭▭▭ ▭▭▭ ▭▭▭▭ ▭▭ ▭▭▭▭▭ ▭▭▭ ▭▭▭▭ ▭▭▭ ▭▭ ▭▭▭▭▭▭ ▭▭▭ ▭▭▭▭ ▭▭▭ ▭▭▭▭ ▭▭ ▭▭▭▭▭ ▭▭▭ ▭▭▭▭ ▭▭▭ ▭▭ ▭▭▭▭▭▭ ▭▭▭ ▭▭▭▭ ▭▭▭ ▭▭▭▭ ▭▭ ▭▭▭▭▭ ▭▭▭ ▭▭▭▭ ▭▭▭ ▭▭ ▭▭▭▭▭▭ ▭▭▭ ▭▭▭▭ ▭▭▭ ▭▭▭▭ ▭▭ ▭▭▭▭▭ ▭▭▭ ▭▭▭▭ ▭▭▭ ▭▭ ▭▭▭▭▭▭ ▭▭▭ ▭▭▭▭ ▭▭▭ ▭▭▭▭ ▭▭ ▭▭▭▭▭ ▭▭▭ ▭▭▭▭ ▭▭▭ ▭▭ ▭▭▭▭▭▭ ▭▭▭ ▭▭▭▭ ▭▭▭ ▭▭▭▭ ▭▭ ▭▭▭▭▭ ▭▭▭ ▭▭▭▭ ▭▭▭ ▭▭ ▭▭▭▭▭▭ ▭▭▭ ▭▭▭▭ ▭▭▭ ▭▭▭▭ ▭▭ ▭▭▭▭▭ ▭▭▭ ▭▭▭▭ ▭▭▭ ▭▭ ▭▭▭▭▭▭ ▭▭▭ ▭▭▭▭ ▭▭▭ ▭▭▭▭ ▭▭ ▭▭▭▭▭ ▭▭▭ ▭▭▭▭ ▭▭▭ ▭▭ ▭▭▭▭▭▭ ▭▭▭ ▭▭▭▭ ▭▭▭ ▭▭▭▭ ▭▭ ▭▭▭▭▭ ▭▭▭ ▭▭▭▭ ▭▭▭ ▭▭ ▭▭▭▭▭▭ ▭▭▭ ▭▭▭▭ ▭▭▭ ▭▭▭▭ ▭▭ ▭▭▭▭▭ ▭▭▭ ▭▭▭▭ ▭▭▭ ▭▭ ▭▭▭▭▭▭ ▭▭▭ ▭▭▭▭ ▭▭▭ ▭▭▭▭ ▭▭ ▭▭▭▭▭ ▭▭▭ ▭▭▭▭ ▭▭▭ ▭▭ ▭▭▭▭▭▭ ▭▭▭ ▭▭▭▭ ▭▭▭ ▭▭▭▭ ▭▭ ▭▭▭▭▭ ▭▭▭ ▭▭▭▭ ▭▭▭ ▭▭ ▭▭▭▭▭▭ ▭▭▭ ▭▭▭▭
BUILDING MATERIAL
Because of the wrecking of the buildings on South Park Ave., building material of every description can be bought for one-fourth regular price.
Call and See the Bargains
AMERICAN HOUSE WRECKING COMPANY
31st and South Park Ave.
FLATS FOR SALE
▭▭▭ ▭▭▭▭ ▭▭ ▭▭▭▭▭ ▭▭▭ ▭▭▭▭ ▭▭▭ ▭▭ ▭▭▭▭▭▭ ▭▭▭ ▭▭▭▭ ▭▭▭ ▭▭▭▭ ▭▭ ▭▭▭▭▭ ▭▭▭ ▭▭▭▭ ▭▭▭ ▭▭ ▭▭▭▭▭▭ ▭▭▭ ▭▭▭▭ ▭▭▭ ▭▭▭▭ ▭▭ ▭▭▭▭▭ ▭▭▭ ▭▭▭▭ ▭▭▭ ▭▭ ▭▭▭▭▭▭ ▭▭▭ ▭▭▭▭ ▭▭▭ ▭▭▭▭ ▭▭ ▭▭▭▭▭ ▭▭▭ ▭▭▭▭ ▭▭▭ ▭▭ ▭▭▭▭▭▭ ▭▭▭ ▭▭▭▭ ▭▭▭ ▭▭▭▭ ▭▭ ▭▭▭▭▭ ▭▭▭ ▭▭▭▭ ▭▭▭ ▭▭ ▭▭▭▭▭▭ ▭▭▭ ▭▭▭▭ ▭▭▭ ▭▭▭▭ ▭▭ ▭▭▭▭▭ ▭▭▭ ▭▭▭▭ ▭▭▭ ▭▭ ▭▭▭▭▭▭ ▭▭▭ ▭▭▭▭ ▭▭▭ ▭▭▭▭ ▭▭ ▭▭▭▭▭ ▭▭▭ ▭▭▭▭ ▭▭▭ ▭▭ ▭▭▭▭▭▭ ▭▭▭ ▭▭▭▭ ▭▭▭ ▭▭▭▭ ▭▭ ▭▭▭▭▭ ▭▭▭ ▭▭▭▭ ▭▭▭ ▭▭ ▭▭▭▭▭▭ ▭▭▭ ▭▭▭▭
FURNISHED FLATS FOR RENT
FOR SALE
▭▭▭ ▭▭▭▭ ▭▭ ▭▭▭▭▭ ▭▭▭ ▭▭▭▭ ▭▭▭ ▭▭ ▭▭▭▭▭▭ ▭▭▭ ▭▭▭▭ ▭▭▭ ▭▭▭▭ ▭▭ ▭▭▭▭▭ ▭▭▭ ▭▭▭▭ ▭▭▭ ▭▭ ▭▭▭▭▭▭ ▭▭▭ ▭▭▭▭ ▭▭▭ ▭▭▭▭ ▭▭ ▭▭▭▭▭ ▭▭▭ ▭▭▭▭ ▭▭▭ ▭▭ ▭▭▭▭▭▭ ▭▭▭ ▭▭▭▭ ▭▭▭ ▭▭▭▭ ▭▭ ▭▭▭▭▭ ▭▭▭ ▭▭▭▭ ▭▭▭ ▭▭ ▭▭▭▭▭▭ ▭▭▭ ▭▭▭▭ ▭▭▭ ▭▭▭▭ ▭▭ ▭▭▭▭▭ ▭▭▭ ▭▭▭▭ ▭▭▭ ▭▭ ▭▭▭▭▭▭ ▭▭▭ ▭▭▭▭ ▭▭▭ ▭▭▭▭ ▭▭ ▭▭▭▭▭ ▭▭▭ ▭▭▭▭ ▭▭▭ ▭▭ ▭▭▭▭▭▭ ▭▭▭ ▭▭▭▭ ▭▭▭ ▭▭▭▭ ▭▭ ▭▭▭▭▭ ▭▭▭ ▭▭▭▭ ▭▭▭ ▭▭ ▭▭▭▭▭▭ ▭▭▭ ▭▭▭▭ ▭▭▭ ▭▭▭▭ ▭▭ ▭▭▭▭▭ ▭▭▭ ▭▭▭▭ ▭▭▭ ▭▭ ▭▭▭▭▭▭ ▭▭▭ ▭▭▭▭
HOTELS
▭▭▭ ▭▭▭▭ ▭▭ ▭▭▭▭▭ ▭▭▭ ▭▭▭▭ ▭▭▭ ▭▭ ▭▭▭▭▭▭ ▭▭▭ ▭▭▭▭ ▭▭▭ ▭▭▭▭ ▭▭ ▭▭▭▭▭ ▭▭▭ ▭▭▭▭ ▭▭▭ ▭▭ ▭▭▭▭▭▭ ▭▭▭ ▭▭▭▭ ▭▭▭ ▭▭▭▭ ▭▭ ▭▭▭▭▭ ▭▭▭ ▭▭▭▭ ▭▭▭ ▭▭ ▭▭▭▭▭▭ ▭▭▭ ▭▭▭▭ ▭▭▭ ▭▭▭▭ ▭▭ ▭▭▭▭▭ ▭▭▭ ▭▭▭▭ ▭▭▭ ▭▭ ▭▭▭▭▭▭ ▭▭▭ ▭▭▭▭ ▭▭▭ ▭▭▭▭ ▭▭ ▭▭▭▭▭ ▭▭▭ ▭▭▭▭ ▭▭▭ ▭▭ ▭▭▭▭▭▭ ▭▭▭ ▭▭▭▭ ▭▭▭ ▭▭▭▭ ▭▭ ▭▭▭▭▭ ▭▭▭ ▭▭▭▭ ▭▭▭ ▭▭ ▭▭▭▭▭▭ ▭▭▭ ▭▭▭▭
REAL ESTATE FOR SALE
FOR SALE
▭▭▭ ▭▭▭▭ ▭▭ ▭▭▭▭▭ ▭▭▭ ▭▭▭▭ ▭▭▭ ▭▭ ▭▭▭▭▭▭ ▭▭▭ ▭▭▭▭ ▭▭▭ ▭▭▭▭ ▭▭ ▭▭▭▭▭ ▭▭▭ ▭▭▭▭ ▭▭▭ ▭▭ ▭▭▭▭▭▭ ▭▭▭ ▭▭▭▭ ▭▭▭ ▭▭▭▭ ▭▭ ▭▭▭▭▭ ▭▭▭ ▭▭▭▭ ▭▭▭ ▭▭ ▭▭▭▭▭▭ ▭▭▭ ▭▭▭▭ ▭▭▭ ▭▭▭▭ ▭▭ ▭▭▭▭▭ ▭▭▭ ▭▭▭▭ ▭▭▭ ▭▭ ▭▭▭▭▭▭ ▭▭▭ ▭▭▭▭ ▭▭▭ ▭▭▭▭ ▭▭ ▭▭▭▭▭ ▭▭▭ ▭▭▭▭ ▭▭▭ ▭▭ ▭▭▭▭▭▭ ▭▭▭ ▭▭▭▭ ▭▭▭ ▭▭▭▭ ▭▭ ▭▭▭▭▭ ▭▭▭ ▭▭▭▭ ▭▭▭ ▭▭ ▭▭▭▭▭▭ ▭▭▭ ▭▭▭▭ ▭▭▭ ▭▭▭▭ ▭▭ ▭▭▭▭▭ ▭▭▭ ▭▭▭▭ ▭▭▭ ▭▭ ▭▭▭▭▭▭ ▭▭▭ ▭▭▭▭ ▭▭▭ ▭▭▭▭ ▭▭ ▭▭▭▭▭ ▭▭▭ ▭▭▭▭ ▭▭▭ ▭▭ ▭▭▭▭▭▭ ▭▭▭ ▭▭▭▭ ▭▭▭ ▭▭▭▭ ▭▭ ▭▭▭▭▭ ▭▭▭ ▭▭▭▭ ▭▭▭ ▭▭ ▭▭▭▭▭▭ ▭▭▭ ▭▭▭▭ ▭▭▭ ▭▭▭▭ ▭▭ ▭▭▭▭▭ ▭▭▭ ▭▭▭▭ ▭▭▭ ▭▭ ▭▭▭▭▭▭ ▭▭▭ ▭▭▭▭ ▭▭▭ ▭▭▭▭ ▭▭ ▭▭▭▭▭ ▭▭▭ ▭▭▭▭ ▭▭▭ ▭▭ ▭▭▭▭▭▭ ▭▭▭ ▭▭▭▭ ▭▭▭ ▭▭▭▭ ▭▭ ▭▭▭▭▭ ▭▭▭ ▭▭▭▭ ▭▭▭ ▭▭ ▭▭▭▭▭▭ ▭▭▭ ▭▭▭▭ ▭▭▭ ▭▭▭▭ ▭▭ ▭▭▭▭▭ ▭▭▭ ▭▭▭▭ ▭▭▭ ▭▭ ▭▭▭▭▭▭ ▭▭▭ ▭▭▭▭ ▭▭▭ ▭▭▭▭ ▭▭ ▭▭▭▭▭ ▭▭▭ ▭▭▭▭ ▭▭▭ ▭▭ ▭▭▭▭▭▭ ▭▭▭ ▭▭▭▭ ▭▭▭ ▭▭▭▭ ▭▭ ▭▭▭▭▭ ▭▭▭ ▭▭▭▭ ▭▭▭ ▭▭ ▭▭▭▭▭▭ ▭▭▭ ▭▭▭▭ ▭▭▭ ▭▭▭▭ ▭▭ ▭▭▭▭▭ ▭▭▭ ▭▭▭▭ ▭▭▭ ▭▭ ▭▭▭▭▭▭ ▭▭▭ ▭▭▭▭ ▭▭▭ ▭▭▭▭ ▭▭ ▭▭▭▭▭ ▭▭▭ ▭▭▭▭ ▭▭▭ ▭▭ ▭▭▭▭▭▭ ▭▭▭ ▭▭▭▭ ▭▭▭ ▭▭▭▭ ▭▭ ▭▭▭▭▭ ▭▭▭ ▭▭▭▭ ▭▭▭ ▭▭ ▭▭▭▭▭▭ ▭▭▭ ▭▭▭▭ ▭▭▭ ▭▭▭▭ ▭▭ ▭▭▭▭▭ ▭▭▭ ▭▭▭▭ ▭▭▭ ▭▭ ▭▭▭▭▭▭ ▭▭▭ ▭▭▭▭ ▭▭▭ ▭▭▭▭ ▭▭ ▭▭▭▭▭ ▭▭▭ ▭▭▭▭ ▭▭▭ ▭▭ ▭▭▭▭▭▭ ▭▭▭ ▭▭▭▭ ▭▭▭ ▭▭▭▭ ▭▭ ▭▭▭▭▭ ▭▭▭ ▭▭▭▭ ▭▭▭ ▭▭ ▭▭▭▭▭▭ ▭▭▭ ▭▭▭▭ ▭▭▭ ▭▭▭▭ ▭▭ ▭▭▭▭▭ ▭▭▭ ▭▭▭▭ ▭▭▭ ▭▭ ▭▭▭▭▭▭ ▭▭▭ ▭▭▭▭
REAL ESTATE FOR SALE
HOBBS & GRUBB
▭▭▭ ▭▭▭▭ ▭▭ ▭▭▭▭▭ ▭▭▭ ▭▭▭▭ ▭▭▭ ▭▭ ▭▭▭▭▭▭ ▭▭▭ ▭▭▭▭ ▭▭▭ ▭▭▭▭ ▭▭ ▭▭▭▭▭ ▭▭▭ ▭▭▭▭ ▭▭▭ ▭▭ ▭▭▭▭▭▭ ▭▭▭ ▭▭▭▭ ▭▭▭ ▭▭▭▭ ▭▭ ▭▭▭▭▭ ▭▭▭ ▭▭▭▭ ▭▭▭ ▭▭ ▭▭▭▭▭▭ ▭▭▭ ▭▭▭▭ ▭▭▭ ▭▭▭▭ ▭▭ ▭▭▭▭▭ ▭▭▭ ▭▭▭▭ ▭▭▭ ▭▭ ▭▭▭▭▭▭ ▭▭▭ ▭▭▭▭ ▭▭▭ ▭▭▭▭ ▭▭ ▭▭▭▭▭ ▭▭▭ ▭▭▭▭ ▭▭▭ ▭▭ ▭▭▭▭▭▭ ▭▭▭ ▭▭▭▭ ▭▭▭ ▭▭▭▭ ▭▭ ▭▭▭▭▭ ▭▭▭ ▭▭▭▭ ▭▭▭ ▭▭ ▭▭▭▭▭▭ ▭▭▭ ▭▭▭▭ ▭▭▭ ▭▭▭▭ ▭▭ ▭▭▭▭▭ ▭▭▭ ▭▭▭▭ ▭▭▭ ▭▭ ▭▭▭▭▭▭ ▭▭▭ ▭▭▭▭ ▭▭▭ ▭▭▭▭ ▭▭ ▭▭▭▭▭ ▭▭▭ ▭▭▭▭ ▭▭▭ ▭▭ ▭▭▭▭▭▭ ▭▭▭ ▭▭▭▭ ▭▭▭ ▭▭▭▭ ▭▭ ▭▭▭▭▭ ▭▭▭ ▭▭▭▭ ▭▭▭ ▭▭ ▭▭▭▭▭▭ ▭▭▭ ▭▭▭▭ ▭▭▭ ▭▭▭▭ ▭▭ ▭▭▭▭▭ ▭▭▭ ▭▭▭▭ ▭▭▭ ▭▭ ▭▭▭▭▭▭ ▭▭▭ ▭▭▭▭ ▭▭▭ ▭▭▭▭ ▭▭ ▭▭▭▭▭ ▭▭▭ ▭▭▭▭ ▭▭▭ ▭▭ ▭▭▭▭▭▭ ▭▭▭ ▭▭▭▭ ▭▭▭ ▭▭▭▭ ▭▭ ▭▭▭▭▭ ▭▭▭ ▭▭▭▭ ▭▭▭ ▭▭ ▭▭▭▭▭▭ ▭▭▭ ▭▭▭▭ ▭▭▭ ▭▭▭▭ ▭▭ ▭▭▭▭▭ ▭▭▭ ▭▭▭▭ ▭▭▭ ▭▭ ▭▭▭▭▭▭ ▭▭▭ ▭▭▭▭ ▭▭▭ ▭▭▭▭ ▭▭ ▭▭▭▭▭ ▭▭▭ ▭▭▭▭ ▭▭▭ ▭▭ ▭▭▭▭▭▭ ▭▭▭ ▭▭▭▭ ▭▭▭ ▭▭▭▭ ▭▭ ▭▭▭▭▭ ▭▭▭ ▭▭▭▭ ▭▭▭ ▭▭ ▭▭▭▭▭▭ ▭▭▭ ▭▭▭▭ ▭▭▭ ▭▭▭▭ ▭▭ ▭▭▭▭▭ ▭▭▭ ▭▭▭▭ ▭▭▭ ▭▭ ▭▭▭▭▭▭ ▭▭▭ ▭▭▭▭ ▭▭▭ ▭▭▭▭ ▭▭ ▭▭▭▭▭ ▭▭▭ ▭▭▭▭ ▭▭▭ ▭▭ ▭▭▭▭▭▭ ▭▭▭ ▭▭▭▭ ▭▭▭ ▭▭▭▭ ▭▭ ▭▭▭▭▭ ▭▭▭ ▭▭▭▭ ▭▭▭ ▭▭ ▭▭▭▭▭▭ ▭▭▭ ▭▭▭▭ ▭▭▭ ▭▭▭▭ ▭▭ ▭▭▭▭▭ ▭▭▭ ▭▭▭▭ ▭▭▭ ▭▭ ▭▭▭▭▭▭ ▭▭▭ ▭▭▭▭ ▭▭▭ ▭▭▭▭ ▭▭ ▭▭▭▭▭ ▭▭▭ ▭▭▭▭ ▭▭▭ ▭▭ ▭▭▭▭▭▭ ▭▭▭ ▭▭▭▭ ▭▭▭ ▭▭▭▭ ▭▭ ▭▭▭▭▭ ▭▭▭ ▭▭▭▭ ▭▭▭ ▭▭ ▭▭▭▭▭▭ ▭▭▭ ▭▭▭▭ ▭▭▭ ▭▭▭▭ ▭▭ ▭▭▭▭▭ ▭▭▭ ▭▭▭▭ ▭▭▭ ▭▭ ▭▭▭▭▭▭ ▭▭▭ ▭▭▭▭ ▭▭▭ ▭▭▭▭ ▭▭ ▭▭▭▭▭ ▭▭▭ ▭▭▭▭ ▭▭▭ ▭▭ ▭▭▭▭▭▭ ▭▭▭ ▭▭▭▭ ▭▭▭ ▭▭▭▭ ▭▭ ▭▭▭▭▭ ▭▭▭ ▭▭▭▭ ▭▭▭ ▭▭ ▭▭▭▭▭▭ ▭▭▭ ▭▭▭▭ ▭▭▭ ▭▭▭▭ ▭▭ ▭▭▭▭▭ ▭▭▭ ▭▭▭▭ ▭▭▭ ▭▭ ▭▭▭▭▭▭ ▭▭▭ ▭▭▭▭ ▭▭▭ ▭▭▭▭ ▭▭ ▭▭▭▭▭ ▭▭▭ ▭▭▭▭ ▭▭▭ ▭▭ ▭▭▭▭▭▭ ▭▭▭ ▭▭▭▭ ▭▭▭ ▭▭▭▭ ▭▭ ▭▭▭▭▭ ▭▭▭ ▭▭▭▭ ▭▭▭ ▭▭ ▭▭▭▭▭▭ ▭▭▭ ▭▭▭▭ ▭▭▭ ▭▭▭▭ ▭▭ ▭▭▭▭▭ ▭▭▭ ▭▭▭▭ ▭▭▭ ▭▭ ▭▭▭▭▭▭ ▭▭▭ ▭▭▭▭ ▭▭▭ ▭▭▭▭ ▭▭ ▭▭▭▭▭ ▭▭▭ ▭▭▭▭ ▭▭▭ ▭▭ ▭▭▭▭▭▭ ▭▭▭ ▭▭▭▭ ▭▭▭ ▭▭▭▭ ▭▭ ▭▭▭▭▭ ▭▭▭ ▭▭▭▭ ▭▭▭ ▭▭ ▭▭▭▭▭▭ ▭▭▭ ▭▭▭▭ ▭▭▭ ▭▭▭▭ ▭▭ ▭▭▭▭▭ ▭▭▭ ▭▭▭▭ ▭▭▭ ▭▭ ▭▭▭▭▭▭ ▭▭▭ ▭▭▭▭ ▭▭▭ ▭▭▭▭ ▭▭ ▭▭▭▭▭ ▭▭▭ ▭▭▭▭ ▭▭▭ ▭▭ ▭▭▭▭▭▭ ▭▭▭ ▭▭▭▭ ▭▭▭ ▭▭▭▭ ▭▭ ▭▭▭▭▭ ▭▭▭ ▭▭▭▭ ▭▭▭ ▭▭ ▭▭▭▭▭▭ ▭▭▭ ▭▭▭▭ ▭▭▭ ▭▭▭▭ ▭▭ ▭▭▭▭▭ ▭▭▭ ▭▭▭▭ ▭▭▭ ▭▭ ▭▭▭▭▭▭ ▭▭▭ ▭▭▭▭ ▭▭▭ ▭▭▭▭ ▭▭ ▭▭▭▭▭ ▭▭▭ ▭▭▭▭ ▭▭▭ ▭▭ ▭▭▭▭▭▭ ▭▭▭ ▭▭▭▭ ▭▭▭ ▭▭▭▭ ▭▭ ▭▭▭▭▭ ▭▭▭ ▭▭▭▭ ▭▭▭ ▭▭ ▭▭▭▭▭▭ ▭▭▭ ▭▭▭▭ ▭▭▭ ▭▭▭▭ ▭▭ ▭▭▭▭▭ ▭▭▭ ▭▭▭▭ ▭▭▭ ▭▭ ▭▭▭▭▭▭ ▭▭▭ ▭▭▭▭ ▭▭▭ ▭▭▭▭ ▭▭ ▭▭▭▭▭ ▭▭▭ ▭▭▭▭ ▭▭▭ ▭▭ ▭▭▭▭▭▭ ▭▭▭ ▭▭▭▭ ▭▭▭ ▭▭▭▭ ▭▭ ▭▭▭▭▭ ▭▭▭ ▭▭▭▭ ▭▭▭ ▭▭ ▭▭▭▭▭▭ ▭▭▭ ▭▭▭▭ ▭▭▭ ▭▭▭▭ ▭▭ ▭▭▭▭▭ ▭▭▭ ▭▭▭▭ ▭▭▭ ▭▭ ▭▭▭▭▭▭ ▭▭▭ ▭▭▭▭ ▭▭▭ ▭▭▭▭ ▭▭ ▭▭▭▭▭ ▭▭▭ ▭▭▭▭ ▭▭▭ ▭▭ ▭▭▭▭▭▭ ▭▭▭ ▭▭▭▭ ▭▭▭ ▭▭▭▭ ▭▭ ▭▭▭▭▭ ▭▭▭ ▭▭▭▭ ▭▭▭ ▭▭ ▭▭▭▭▭▭ ▭▭▭ ▭▭▭▭ ▭▭▭ ▭▭▭▭ ▭▭ ▭▭▭▭▭ ▭▭▭ ▭▭▭▭ ▭▭▭ ▭▭ ▭▭▭▭▭▭ ▭▭▭ ▭▭▭▭ ▭▭▭ ▭▭▭▭ ▭▭ ▭▭▭▭▭ ▭▭▭ ▭▭▭▭ ▭▭▭ ▭▭ ▭▭▭▭▭▭ ▭▭▭ ▭▭▭▭
OUR BUYERS NEVER FAIL
HOBBS & GRUBB
TWIN CITIES
Iron Mountain, Mich., and Wisconsin Heights, Wis., now being opened to the intelligent and thinking people of the Race.
THE MINIMUM WAGE FOR
UNSKILLED LABOR IS
$6 PER DAY
We will sell you a garden spot of two acres and one city lot for $550 and will build for you; $200 cash; balance monthly.
BUNGALOW
5 ROOMS
Up-to-date furnishings. Two sleeping rooms, furnace heat, electric light, sun parlor and private porch. Faulkner, 3605 State St. Victory 4597.
BEAUTIFUL
10-ROOM HOUSE
MORGAN PARK LOTS
CLOSING OUT SALE
FAULKNER
THE EMPIRE REALTY CO.
SUN PARLOR, SIX APT.
TEN-ROOM HOUSE
▭▭▭ ▭▭▭▭ ▭▭ ▭▭▭▭▭ ▭▭▭ ▭▭▭▭ ▭▭▭ ▭▭ ▭▭▭▭▭▭ ▭▭▭ ▭▭▭▭ ▭▭▭ ▭▭▭▭ ▭▭ ▭▭▭▭▭ ▭▭▭ ▭▭▭▭ ▭▭▭ ▭▭ ▭▭▭▭▭▭ ▭▭▭ ▭▭▭▭ ▭▭▭ ▭▭▭▭ ▭▭ ▭▭▭▭▭ ▭▭▭ ▭▭▭▭ ▭▭▭ ▭▭ ▭▭▭▭▭▭ ▭▭▭ ▭▭▭▭ ▭▭▭ ▭▭▭▭ ▭▭ ▭▭▭▭▭ ▭▭▭ ▭▭▭▭ ▭▭▭ ▭▭ ▭▭▭▭▭▭ ▭▭▭ ▭▭▭▭ ▭▭▭ ▭▭▭▭ ▭▭ ▭▭▭▭▭ ▭▭▭ ▭▭▭▭ ▭▭▭ ▭▭ ▭▭▭▭▭▭ ▭▭▭ ▭▭▭▭ ▭▭▭ ▭▭▭▭ ▭▭ ▭▭▭▭▭ ▭▭▭ ▭▭▭▭ ▭▭▭ ▭▭ ▭▭▭▭▭▭ ▭▭▭ ▭▭▭▭ ▭▭▭ ▭▭▭▭ ▭▭ ▭▭▭▭▭ ▭▭▭ ▭▭▭▭ ▭▭▭ ▭▭ ▭▭▭▭▭▭ ▭▭▭ ▭▭▭▭ ▭▭▭ ▭▭▭▭ ▭▭ ▭▭▭▭▭ ▭▭▭ ▭▭▭▭ ▭▭▭ ▭▭ ▭▭▭▭▭▭ ▭▭▭ ▭▭▭▭ ▭▭▭ ▭▭▭▭ ▭▭ ▭▭▭▭▭ ▭▭▭ ▭▭▭▭ ▭▭▭ ▭▭ ▭▭▭▭▭▭ ▭▭▭ ▭▭▭▭ ▭▭▭ ▭▭▭▭ ▭▭ ▭▭▭▭▭ ▭▭▭ ▭▭▭▭ ▭▭▭ ▭▭ ▭▭▭▭▭▭ ▭▭▭ ▭▭▭▭ ▭▭▭ ▭▭▭▭ ▭▭ ▭▭▭▭▭ ▭▭▭ ▭▭▭▭ ▭▭▭ ▭▭ ▭▭▭▭▭▭ ▭▭▭ ▭▭▭▭ ▭▭▭ ▭▭▭▭ ▭▭ ▭▭▭▭▭ ▭▭▭ ▭▭▭▭ ▭▭▭ ▭▭ ▭▭▭▭▭▭ ▭▭▭ ▭▭▭▭ ▭▭▭ ▭▭▭▭ ▭▭ ▭▭▭▭▭ ▭▭▭ ▭▭▭▭ ▭▭▭ ▭▭ ▭▭▭▭▭▭ ▭▭▭ ▭▭▭▭ ▭▭▭ ▭▭▭▭ ▭▭ ▭▭▭▭▭ ▭▭▭ ▭▭▭▭ ▭▭▭ ▭▭ ▭▭▭▭▭▭ ▭▭▭ ▭▭▭▭ ▭▭▭ ▭▭▭▭ ▭▭ ▭▭▭▭▭ ▭▭▭ ▭▭▭▭ ▭▭▭ ▭▭ ▭▭▭▭▭▭ ▭▭▭ ▭▭▭▭ ▭▭▭ ▭▭▭▭ ▭▭ ▭▭▭▭▭ ▭▭▭ ▭▭▭▭ ▭▭▭ ▭▭ ▭▭▭▭▭▭ ▭▭▭ ▭▭▭▭ ▭▭▭ ▭▭▭▭ ▭▭ ▭▭▭▭▭ ▭▭▭ ▭▭▭▭ ▭▭▭ ▭▭ ▭▭▭▭▭▭ ▭▭▭ ▭▭▭▭ ▭▭▭ ▭▭▭▭ ▭▭ ▭▭▭▭▭ ▭▭▭ ▭▭▭▭ ▭▭▭ ▭▭ ▭▭▭▭▭▭ ▭▭▭ ▭▭▭▭ ▭▭▭ ▭▭▭▭ ▭▭ ▭▭▭▭▭ ▭▭▭ ▭▭▭▭ ▭▭▭ ▭▭ ▭▭▭▭▭▭ ▭▭▭ ▭▭▭▭ ▭▭▭ ▭▭▭▭ ▭▭ ▭▭▭▭▭ ▭▭▭ ▭▭▭▭ ▭▭▭ ▭▭ ▭▭▭▭▭▭ ▭▭▭ ▭▭▭▭ ▭▭▭ ▭▭▭▭ ▭▭ ▭▭▭▭▭ ▭▭▭ ▭▭▭▭ ▭▭▭ ▭▭ ▭▭▭▭▭▭ ▭▭▭ ▭▭▭▭ ▭▭▭ ▭▭▭▭ ▭▭ ▭▭▭▭▭ ▭▭▭ ▭▭▭▭ ▭▭▭ ▭▭ ▭▭▭▭▭▭ ▭▭▭ ▭▭▭▭ ▭▭▭ ▭▭▭▭ ▭▭ ▭▭▭▭▭ ▭▭▭ ▭▭▭▭ ▭▭▭ ▭▭ ▭▭▭▭▭▭ ▭▭▭ ▭▭▭▭ ▭▭▭ ▭▭▭▭ ▭▭ ▭▭▭▭▭ ▭▭▭ ▭▭▭▭ ▭▭▭ ▭▭ ▭▭▭▭▭▭ ▭▭▭ ▭▭▭▭ ▭▭▭ ▭▭▭▭ ▭▭ ▭▭▭▭▭ ▭▭▭ ▭▭▭▭ ▭▭▭ ▭▭ ▭▭▭▭▭▭ ▭▭▭ ▭▭▭▭ ▭▭▭ ▭▭▭▭ ▭▭ ▭▭▭▭▭ ▭▭▭ ▭▭▭▭ ▭▭▭ ▭▭ ▭▭▭▭▭▭ ▭▭▭ ▭▭▭▭ ▭▭▭ ▭▭▭▭ ▭▭ ▭▭▭▭▭ ▭▭▭ ▭▭▭▭ ▭▭▭ ▭▭ ▭▭▭▭▭▭ ▭▭▭ ▭▭▭▭ ▭▭▭ ▭▭▭▭ ▭▭ ▭▭▭▭▭ ▭▭▭ ▭▭▭▭ ▭▭▭ ▭▭ ▭▭▭▭▭▭ ▭▭▭ ▭▭▭▭ ▭▭▭ ▭▭▭▭ ▭▭ ▭▭▭▭▭ ▭▭▭ ▭▭▭▭ ▭▭▭ ▭▭ ▭▭▭▭▭▭ ▭▭▭ ▭▭▭▭ ▭▭▭ ▭▭▭▭ ▭▭ ▭▭▭▭▭ ▭▭▭ ▭▭▭▭ ▭▭▭ ▭▭ ▭▭▭▭▭▭ ▭▭▭ ▭▭▭▭ ▭▭▭ ▭▭▭▭ ▭▭ ▭▭▭▭▭ ▭▭▭ ▭▭▭▭ ▭▭▭ ▭▭ ▭▭▭▭▭▭ ▭▭▭ ▭▭▭▭ ▭▭▭ ▭▭▭▭ ▭▭ ▭▭▭▭▭ ▭▭▭ ▭▭▭▭ ▭▭▭ ▭▭ ▭▭▭▭▭▭ ▭▭▭ ▭▭▭▭ ▭▭▭ ▭▭▭▭ ▭▭ ▭▭▭▭▭ ▭▭▭ ▭▭▭▭ ▭▭▭ ▭▭ ▭▭▭▭▭▭ ▭▭▭ ▭▭▭▭ ▭▭▭ ▭▭▭▭ ▭▭ ▭▭▭▭▭ ▭▭▭ ▭▭▭▭ ▭▭▭ ▭▭ ▭▭▭▭▭▭ ▭▭▭ ▭▭▭▭ ▭▭▭ ▭▭▭▭ ▭▭ ▭▭▭▭▭ ▭▭▭ ▭▭▭▭ ▭▭▭ ▭▭ ▭▭▭▭▭▭ ▭▭▭ ▭▭▭▭ ▭▭▭ ▭▭▭▭ ▭▭ ▭▭▭▭▭ ▭▭▭ ▭▭▭▭ ▭▭▭ ▭▭ ▭▭▭▭▭▭ ▭▭▭ ▭▭▭▭ ▭▭▭ ▭▭▭▭ ▭▭ ▭▭▭▭▭ ▭▭▭ ▭▭▭▭ ▭▭▭ ▭▭ ▭▭▭▭▭▭ ▭▭▭ ▭▭▭▭ ▭▭▭ ▭▭▭▭ ▭▭ ▭▭▭▭▭ ▭▭▭ ▭▭▭▭ ▭▭▭ ▭▭ ▭▭▭▭▭▭ ▭▭▭ ▭▭▭▭ ▭▭▭ ▭▭▭▭ ▭▭ ▭▭▭▭▭ ▭▭▭ ▭▭▭▭ ▭▭▭ ▭▭ ▭▭▭▭▭▭ ▭▭▭ ▭▭▭▭ ▭▭▭ ▭▭▭▭ ▭▭ ▭▭▭▭▭ ▭▭▭ ▭▭▭▭ ▭▭▭ ▭▭ ▭▭▭▭▭▭ ▭▭▭ ▭▭▭▭
